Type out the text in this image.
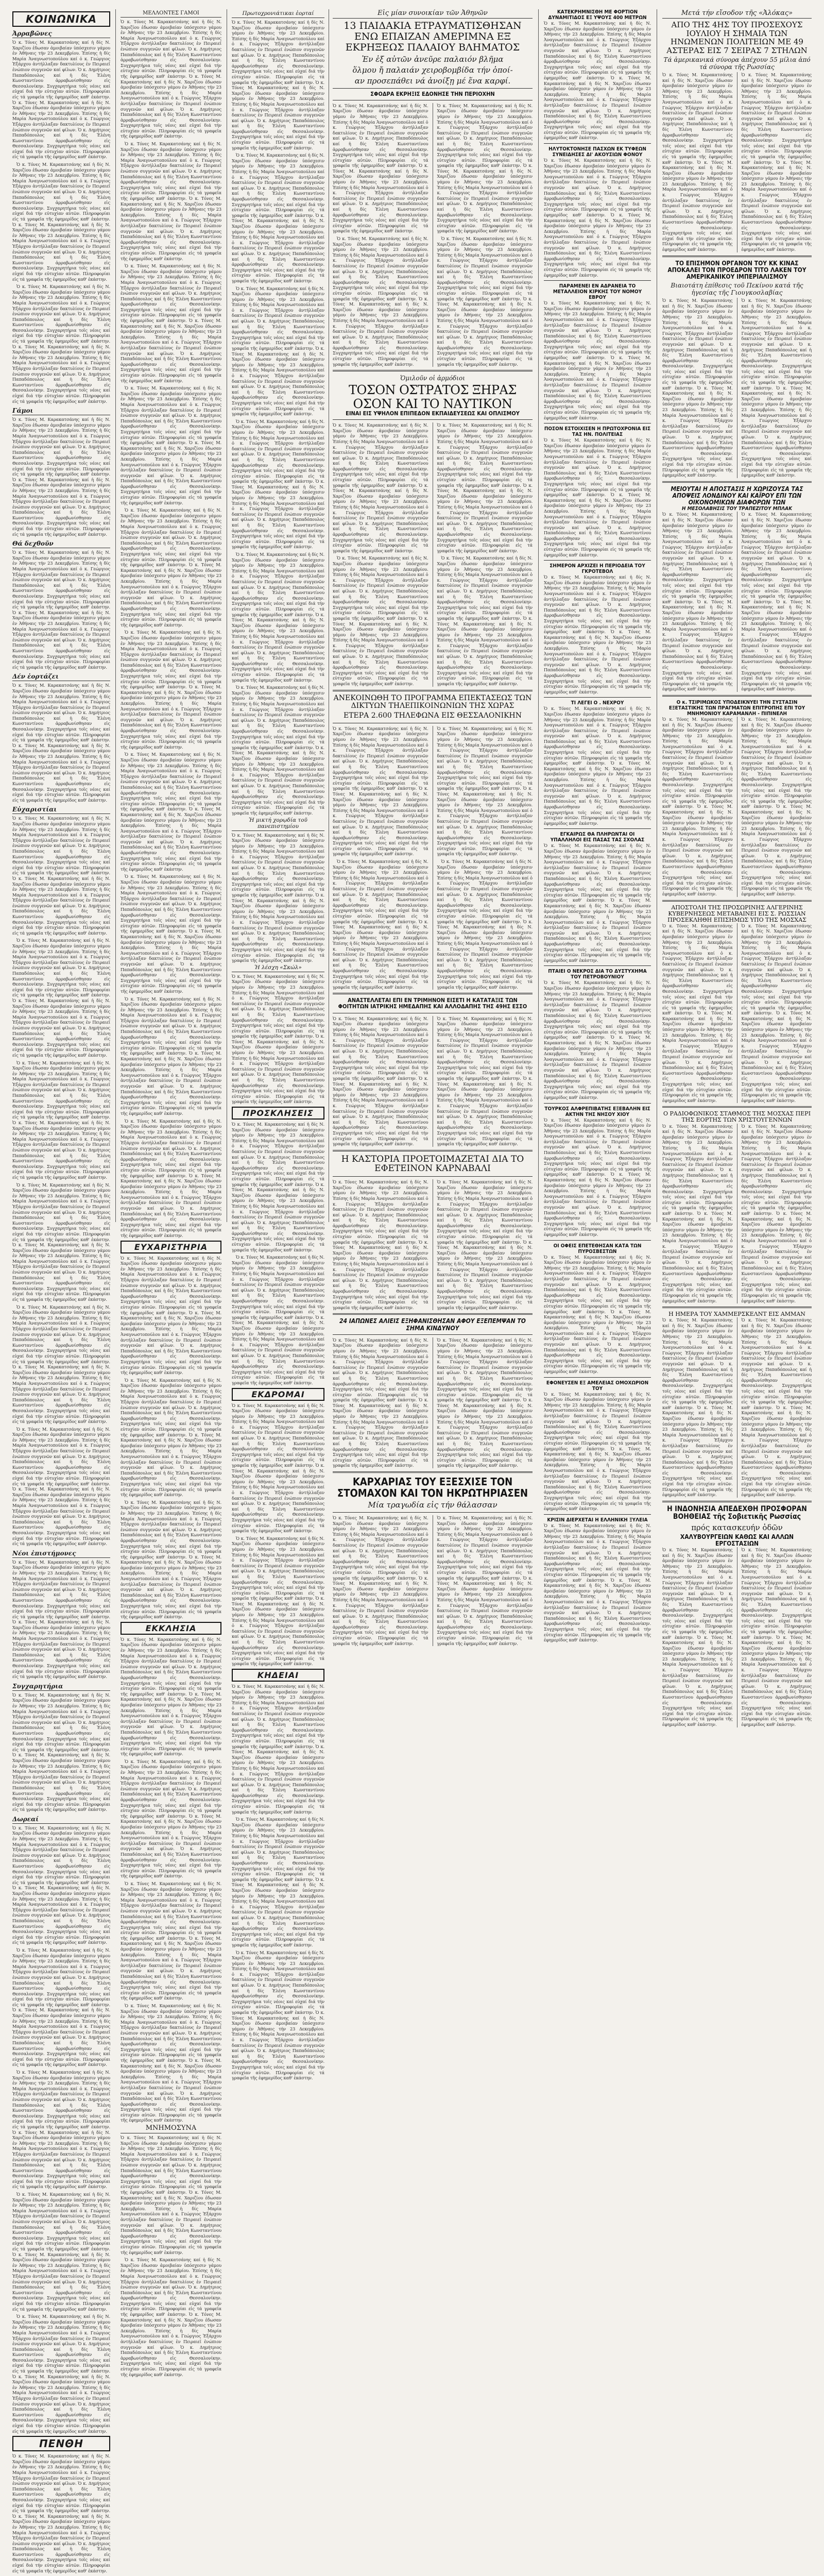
ΚΟΙΝΩΝΙΚΑ
Ἀρραβῶνες

Ὁ κ. Τόνες Μ. Καρακατσάνης καί ἡ δίς Ν. Χαριζίου ἐδωσαν ἀμοιβαίαν ὑπόσχεσιν γάμου ἐν Ἀθήναις τήν 23 Δεκεμβρίου. Ἐπίσης ἡ δίς Μαρία Ἀναγνωστοπούλου καί ὁ κ. Γεώργιος Ἐξάρχου ἀντήλλαξαν δακτυλίους ἐν Πειραιεῖ ἐνώπιον συγγενῶν καί φίλων. Ὁ κ. Δημήτριος Παπαδόπουλος καί ἡ δίς Ἑλένη Κωνσταντίνου ἀρραβωνίσθησαν εἰς Θεσσαλονίκην. Συγχαρητήρια τοῖς νέοις καί εὐχαί διά τήν εὐτυχίαν αὐτῶν. Πληροφορίαι εἰς τά γραφεῖα τῆς ἐφημερίδος καθ' ἑκάστην. Ὁ κ. Τόνες Μ. Καρακατσάνης καί ἡ δίς Ν. Χαριζίου ἐδωσαν ἀμοιβαίαν ὑπόσχεσιν γάμου ἐν Ἀθήναις τήν 23 Δεκεμβρίου. Ἐπίσης ἡ δίς Μαρία Ἀναγνωστοπούλου καί ὁ κ. Γεώργιος Ἐξάρχου ἀντήλλαξαν δακτυλίους ἐν Πειραιεῖ ἐνώπιον συγγενῶν καί φίλων. Ὁ κ. Δημήτριος Παπαδόπουλος καί ἡ δίς Ἑλένη Κωνσταντίνου ἀρραβωνίσθησαν εἰς Θεσσαλονίκην. Συγχαρητήρια τοῖς νέοις καί εὐχαί διά τήν εὐτυχίαν αὐτῶν. Πληροφορίαι εἰς τά γραφεῖα τῆς ἐφημερίδος καθ' ἑκάστην.

Ὁ κ. Τόνες Μ. Καρακατσάνης καί ἡ δίς Ν. Χαριζίου ἐδωσαν ἀμοιβαίαν ὑπόσχεσιν γάμου ἐν Ἀθήναις τήν 23 Δεκεμβρίου. Ἐπίσης ἡ δίς Μαρία Ἀναγνωστοπούλου καί ὁ κ. Γεώργιος Ἐξάρχου ἀντήλλαξαν δακτυλίους ἐν Πειραιεῖ ἐνώπιον συγγενῶν καί φίλων. Ὁ κ. Δημήτριος Παπαδόπουλος καί ἡ δίς Ἑλένη Κωνσταντίνου ἀρραβωνίσθησαν εἰς Θεσσαλονίκην. Συγχαρητήρια τοῖς νέοις καί εὐχαί διά τήν εὐτυχίαν αὐτῶν. Πληροφορίαι εἰς τά γραφεῖα τῆς ἐφημερίδος καθ' ἑκάστην. Ὁ κ. Τόνες Μ. Καρακατσάνης καί ἡ δίς Ν. Χαριζίου ἐδωσαν ἀμοιβαίαν ὑπόσχεσιν γάμου ἐν Ἀθήναις τήν 23 Δεκεμβρίου. Ἐπίσης ἡ δίς Μαρία Ἀναγνωστοπούλου καί ὁ κ. Γεώργιος Ἐξάρχου ἀντήλλαξαν δακτυλίους ἐν Πειραιεῖ ἐνώπιον συγγενῶν καί φίλων. Ὁ κ. Δημήτριος Παπαδόπουλος καί ἡ δίς Ἑλένη Κωνσταντίνου ἀρραβωνίσθησαν εἰς Θεσσαλονίκην. Συγχαρητήρια τοῖς νέοις καί εὐχαί διά τήν εὐτυχίαν αὐτῶν. Πληροφορίαι εἰς τά γραφεῖα τῆς ἐφημερίδος καθ' ἑκάστην.

Ὁ κ. Τόνες Μ. Καρακατσάνης καί ἡ δίς Ν. Χαριζίου ἐδωσαν ἀμοιβαίαν ὑπόσχεσιν γάμου ἐν Ἀθήναις τήν 23 Δεκεμβρίου. Ἐπίσης ἡ δίς Μαρία Ἀναγνωστοπούλου καί ὁ κ. Γεώργιος Ἐξάρχου ἀντήλλαξαν δακτυλίους ἐν Πειραιεῖ ἐνώπιον συγγενῶν καί φίλων. Ὁ κ. Δημήτριος Παπαδόπουλος καί ἡ δίς Ἑλένη Κωνσταντίνου ἀρραβωνίσθησαν εἰς Θεσσαλονίκην. Συγχαρητήρια τοῖς νέοις καί εὐχαί διά τήν εὐτυχίαν αὐτῶν. Πληροφορίαι εἰς τά γραφεῖα τῆς ἐφημερίδος καθ' ἑκάστην. Ὁ κ. Τόνες Μ. Καρακατσάνης καί ἡ δίς Ν. Χαριζίου ἐδωσαν ἀμοιβαίαν ὑπόσχεσιν γάμου ἐν Ἀθήναις τήν 23 Δεκεμβρίου. Ἐπίσης ἡ δίς Μαρία Ἀναγνωστοπούλου καί ὁ κ. Γεώργιος Ἐξάρχου ἀντήλλαξαν δακτυλίους ἐν Πειραιεῖ ἐνώπιον συγγενῶν καί φίλων. Ὁ κ. Δημήτριος Παπαδόπουλος καί ἡ δίς Ἑλένη Κωνσταντίνου ἀρραβωνίσθησαν εἰς Θεσσαλονίκην. Συγχαρητήρια τοῖς νέοις καί εὐχαί διά τήν εὐτυχίαν αὐτῶν. Πληροφορίαι εἰς τά γραφεῖα τῆς ἐφημερίδος καθ' ἑκάστην.

Γάμοι

Ὁ κ. Τόνες Μ. Καρακατσάνης καί ἡ δίς Ν. Χαριζίου ἐδωσαν ἀμοιβαίαν ὑπόσχεσιν γάμου ἐν Ἀθήναις τήν 23 Δεκεμβρίου. Ἐπίσης ἡ δίς Μαρία Ἀναγνωστοπούλου καί ὁ κ. Γεώργιος Ἐξάρχου ἀντήλλαξαν δακτυλίους ἐν Πειραιεῖ ἐνώπιον συγγενῶν καί φίλων. Ὁ κ. Δημήτριος Παπαδόπουλος καί ἡ δίς Ἑλένη Κωνσταντίνου ἀρραβωνίσθησαν εἰς Θεσσαλονίκην. Συγχαρητήρια τοῖς νέοις καί εὐχαί διά τήν εὐτυχίαν αὐτῶν. Πληροφορίαι εἰς τά γραφεῖα τῆς ἐφημερίδος καθ' ἑκάστην. Ὁ κ. Τόνες Μ. Καρακατσάνης καί ἡ δίς Ν. Χαριζίου ἐδωσαν ἀμοιβαίαν ὑπόσχεσιν γάμου ἐν Ἀθήναις τήν 23 Δεκεμβρίου. Ἐπίσης ἡ δίς Μαρία Ἀναγνωστοπούλου καί ὁ κ. Γεώργιος Ἐξάρχου ἀντήλλαξαν δακτυλίους ἐν Πειραιεῖ ἐνώπιον συγγενῶν καί φίλων. Ὁ κ. Δημήτριος Παπαδόπουλος καί ἡ δίς Ἑλένη Κωνσταντίνου ἀρραβωνίσθησαν εἰς Θεσσαλονίκην. Συγχαρητήρια τοῖς νέοις καί εὐχαί διά τήν εὐτυχίαν αὐτῶν. Πληροφορίαι εἰς τά γραφεῖα τῆς ἐφημερίδος καθ' ἑκάστην.

Θά δεχθοῦν

Ὁ κ. Τόνες Μ. Καρακατσάνης καί ἡ δίς Ν. Χαριζίου ἐδωσαν ἀμοιβαίαν ὑπόσχεσιν γάμου ἐν Ἀθήναις τήν 23 Δεκεμβρίου. Ἐπίσης ἡ δίς Μαρία Ἀναγνωστοπούλου καί ὁ κ. Γεώργιος Ἐξάρχου ἀντήλλαξαν δακτυλίους ἐν Πειραιεῖ ἐνώπιον συγγενῶν καί φίλων. Ὁ κ. Δημήτριος Παπαδόπουλος καί ἡ δίς Ἑλένη Κωνσταντίνου ἀρραβωνίσθησαν εἰς Θεσσαλονίκην. Συγχαρητήρια τοῖς νέοις καί εὐχαί διά τήν εὐτυχίαν αὐτῶν. Πληροφορίαι εἰς τά γραφεῖα τῆς ἐφημερίδος καθ' ἑκάστην. Ὁ κ. Τόνες Μ. Καρακατσάνης καί ἡ δίς Ν. Χαριζίου ἐδωσαν ἀμοιβαίαν ὑπόσχεσιν γάμου ἐν Ἀθήναις τήν 23 Δεκεμβρίου. Ἐπίσης ἡ δίς Μαρία Ἀναγνωστοπούλου καί ὁ κ. Γεώργιος Ἐξάρχου ἀντήλλαξαν δακτυλίους ἐν Πειραιεῖ ἐνώπιον συγγενῶν καί φίλων. Ὁ κ. Δημήτριος Παπαδόπουλος καί ἡ δίς Ἑλένη Κωνσταντίνου ἀρραβωνίσθησαν εἰς Θεσσαλονίκην. Συγχαρητήρια τοῖς νέοις καί εὐχαί διά τήν εὐτυχίαν αὐτῶν. Πληροφορίαι εἰς τά γραφεῖα τῆς ἐφημερίδος καθ' ἑκάστην.

Δέν ἑορτάζει

Ὁ κ. Τόνες Μ. Καρακατσάνης καί ἡ δίς Ν. Χαριζίου ἐδωσαν ἀμοιβαίαν ὑπόσχεσιν γάμου ἐν Ἀθήναις τήν 23 Δεκεμβρίου. Ἐπίσης ἡ δίς Μαρία Ἀναγνωστοπούλου καί ὁ κ. Γεώργιος Ἐξάρχου ἀντήλλαξαν δακτυλίους ἐν Πειραιεῖ ἐνώπιον συγγενῶν καί φίλων. Ὁ κ. Δημήτριος Παπαδόπουλος καί ἡ δίς Ἑλένη Κωνσταντίνου ἀρραβωνίσθησαν εἰς Θεσσαλονίκην. Συγχαρητήρια τοῖς νέοις καί εὐχαί διά τήν εὐτυχίαν αὐτῶν. Πληροφορίαι εἰς τά γραφεῖα τῆς ἐφημερίδος καθ' ἑκάστην. Ὁ κ. Τόνες Μ. Καρακατσάνης καί ἡ δίς Ν. Χαριζίου ἐδωσαν ἀμοιβαίαν ὑπόσχεσιν γάμου ἐν Ἀθήναις τήν 23 Δεκεμβρίου. Ἐπίσης ἡ δίς Μαρία Ἀναγνωστοπούλου καί ὁ κ. Γεώργιος Ἐξάρχου ἀντήλλαξαν δακτυλίους ἐν Πειραιεῖ ἐνώπιον συγγενῶν καί φίλων. Ὁ κ. Δημήτριος Παπαδόπουλος καί ἡ δίς Ἑλένη Κωνσταντίνου ἀρραβωνίσθησαν εἰς Θεσσαλονίκην. Συγχαρητήρια τοῖς νέοις καί εὐχαί διά τήν εὐτυχίαν αὐτῶν. Πληροφορίαι εἰς τά γραφεῖα τῆς ἐφημερίδος καθ' ἑκάστην.

Εὐχαριστίαι

Ὁ κ. Τόνες Μ. Καρακατσάνης καί ἡ δίς Ν. Χαριζίου ἐδωσαν ἀμοιβαίαν ὑπόσχεσιν γάμου ἐν Ἀθήναις τήν 23 Δεκεμβρίου. Ἐπίσης ἡ δίς Μαρία Ἀναγνωστοπούλου καί ὁ κ. Γεώργιος Ἐξάρχου ἀντήλλαξαν δακτυλίους ἐν Πειραιεῖ ἐνώπιον συγγενῶν καί φίλων. Ὁ κ. Δημήτριος Παπαδόπουλος καί ἡ δίς Ἑλένη Κωνσταντίνου ἀρραβωνίσθησαν εἰς Θεσσαλονίκην. Συγχαρητήρια τοῖς νέοις καί εὐχαί διά τήν εὐτυχίαν αὐτῶν. Πληροφορίαι εἰς τά γραφεῖα τῆς ἐφημερίδος καθ' ἑκάστην. Ὁ κ. Τόνες Μ. Καρακατσάνης καί ἡ δίς Ν. Χαριζίου ἐδωσαν ἀμοιβαίαν ὑπόσχεσιν γάμου ἐν Ἀθήναις τήν 23 Δεκεμβρίου. Ἐπίσης ἡ δίς Μαρία Ἀναγνωστοπούλου καί ὁ κ. Γεώργιος Ἐξάρχου ἀντήλλαξαν δακτυλίους ἐν Πειραιεῖ ἐνώπιον συγγενῶν καί φίλων. Ὁ κ. Δημήτριος Παπαδόπουλος καί ἡ δίς Ἑλένη Κωνσταντίνου ἀρραβωνίσθησαν εἰς Θεσσαλονίκην. Συγχαρητήρια τοῖς νέοις καί εὐχαί διά τήν εὐτυχίαν αὐτῶν. Πληροφορίαι εἰς τά γραφεῖα τῆς ἐφημερίδος καθ' ἑκάστην.

Ὁ κ. Τόνες Μ. Καρακατσάνης καί ἡ δίς Ν. Χαριζίου ἐδωσαν ἀμοιβαίαν ὑπόσχεσιν γάμου ἐν Ἀθήναις τήν 23 Δεκεμβρίου. Ἐπίσης ἡ δίς Μαρία Ἀναγνωστοπούλου καί ὁ κ. Γεώργιος Ἐξάρχου ἀντήλλαξαν δακτυλίους ἐν Πειραιεῖ ἐνώπιον συγγενῶν καί φίλων. Ὁ κ. Δημήτριος Παπαδόπουλος καί ἡ δίς Ἑλένη Κωνσταντίνου ἀρραβωνίσθησαν εἰς Θεσσαλονίκην. Συγχαρητήρια τοῖς νέοις καί εὐχαί διά τήν εὐτυχίαν αὐτῶν. Πληροφορίαι εἰς τά γραφεῖα τῆς ἐφημερίδος καθ' ἑκάστην. Ὁ κ. Τόνες Μ. Καρακατσάνης καί ἡ δίς Ν. Χαριζίου ἐδωσαν ἀμοιβαίαν ὑπόσχεσιν γάμου ἐν Ἀθήναις τήν 23 Δεκεμβρίου. Ἐπίσης ἡ δίς Μαρία Ἀναγνωστοπούλου καί ὁ κ. Γεώργιος Ἐξάρχου ἀντήλλαξαν δακτυλίους ἐν Πειραιεῖ ἐνώπιον συγγενῶν καί φίλων. Ὁ κ. Δημήτριος Παπαδόπουλος καί ἡ δίς Ἑλένη Κωνσταντίνου ἀρραβωνίσθησαν εἰς Θεσσαλονίκην. Συγχαρητήρια τοῖς νέοις καί εὐχαί διά τήν εὐτυχίαν αὐτῶν. Πληροφορίαι εἰς τά γραφεῖα τῆς ἐφημερίδος καθ' ἑκάστην.

Ὁ κ. Τόνες Μ. Καρακατσάνης καί ἡ δίς Ν. Χαριζίου ἐδωσαν ἀμοιβαίαν ὑπόσχεσιν γάμου ἐν Ἀθήναις τήν 23 Δεκεμβρίου. Ἐπίσης ἡ δίς Μαρία Ἀναγνωστοπούλου καί ὁ κ. Γεώργιος Ἐξάρχου ἀντήλλαξαν δακτυλίους ἐν Πειραιεῖ ἐνώπιον συγγενῶν καί φίλων. Ὁ κ. Δημήτριος Παπαδόπουλος καί ἡ δίς Ἑλένη Κωνσταντίνου ἀρραβωνίσθησαν εἰς Θεσσαλονίκην. Συγχαρητήρια τοῖς νέοις καί εὐχαί διά τήν εὐτυχίαν αὐτῶν. Πληροφορίαι εἰς τά γραφεῖα τῆς ἐφημερίδος καθ' ἑκάστην. Ὁ κ. Τόνες Μ. Καρακατσάνης καί ἡ δίς Ν. Χαριζίου ἐδωσαν ἀμοιβαίαν ὑπόσχεσιν γάμου ἐν Ἀθήναις τήν 23 Δεκεμβρίου. Ἐπίσης ἡ δίς Μαρία Ἀναγνωστοπούλου καί ὁ κ. Γεώργιος Ἐξάρχου ἀντήλλαξαν δακτυλίους ἐν Πειραιεῖ ἐνώπιον συγγενῶν καί φίλων. Ὁ κ. Δημήτριος Παπαδόπουλος καί ἡ δίς Ἑλένη Κωνσταντίνου ἀρραβωνίσθησαν εἰς Θεσσαλονίκην. Συγχαρητήρια τοῖς νέοις καί εὐχαί διά τήν εὐτυχίαν αὐτῶν. Πληροφορίαι εἰς τά γραφεῖα τῆς ἐφημερίδος καθ' ἑκάστην.

Ὁ κ. Τόνες Μ. Καρακατσάνης καί ἡ δίς Ν. Χαριζίου ἐδωσαν ἀμοιβαίαν ὑπόσχεσιν γάμου ἐν Ἀθήναις τήν 23 Δεκεμβρίου. Ἐπίσης ἡ δίς Μαρία Ἀναγνωστοπούλου καί ὁ κ. Γεώργιος Ἐξάρχου ἀντήλλαξαν δακτυλίους ἐν Πειραιεῖ ἐνώπιον συγγενῶν καί φίλων. Ὁ κ. Δημήτριος Παπαδόπουλος καί ἡ δίς Ἑλένη Κωνσταντίνου ἀρραβωνίσθησαν εἰς Θεσσαλονίκην. Συγχαρητήρια τοῖς νέοις καί εὐχαί διά τήν εὐτυχίαν αὐτῶν. Πληροφορίαι εἰς τά γραφεῖα τῆς ἐφημερίδος καθ' ἑκάστην. Ὁ κ. Τόνες Μ. Καρακατσάνης καί ἡ δίς Ν. Χαριζίου ἐδωσαν ἀμοιβαίαν ὑπόσχεσιν γάμου ἐν Ἀθήναις τήν 23 Δεκεμβρίου. Ἐπίσης ἡ δίς Μαρία Ἀναγνωστοπούλου καί ὁ κ. Γεώργιος Ἐξάρχου ἀντήλλαξαν δακτυλίους ἐν Πειραιεῖ ἐνώπιον συγγενῶν καί φίλων. Ὁ κ. Δημήτριος Παπαδόπουλος καί ἡ δίς Ἑλένη Κωνσταντίνου ἀρραβωνίσθησαν εἰς Θεσσαλονίκην. Συγχαρητήρια τοῖς νέοις καί εὐχαί διά τήν εὐτυχίαν αὐτῶν. Πληροφορίαι εἰς τά γραφεῖα τῆς ἐφημερίδος καθ' ἑκάστην.

Ὁ κ. Τόνες Μ. Καρακατσάνης καί ἡ δίς Ν. Χαριζίου ἐδωσαν ἀμοιβαίαν ὑπόσχεσιν γάμου ἐν Ἀθήναις τήν 23 Δεκεμβρίου. Ἐπίσης ἡ δίς Μαρία Ἀναγνωστοπούλου καί ὁ κ. Γεώργιος Ἐξάρχου ἀντήλλαξαν δακτυλίους ἐν Πειραιεῖ ἐνώπιον συγγενῶν καί φίλων. Ὁ κ. Δημήτριος Παπαδόπουλος καί ἡ δίς Ἑλένη Κωνσταντίνου ἀρραβωνίσθησαν εἰς Θεσσαλονίκην. Συγχαρητήρια τοῖς νέοις καί εὐχαί διά τήν εὐτυχίαν αὐτῶν. Πληροφορίαι εἰς τά γραφεῖα τῆς ἐφημερίδος καθ' ἑκάστην. Ὁ κ. Τόνες Μ. Καρακατσάνης καί ἡ δίς Ν. Χαριζίου ἐδωσαν ἀμοιβαίαν ὑπόσχεσιν γάμου ἐν Ἀθήναις τήν 23 Δεκεμβρίου. Ἐπίσης ἡ δίς Μαρία Ἀναγνωστοπούλου καί ὁ κ. Γεώργιος Ἐξάρχου ἀντήλλαξαν δακτυλίους ἐν Πειραιεῖ ἐνώπιον συγγενῶν καί φίλων. Ὁ κ. Δημήτριος Παπαδόπουλος καί ἡ δίς Ἑλένη Κωνσταντίνου ἀρραβωνίσθησαν εἰς Θεσσαλονίκην. Συγχαρητήρια τοῖς νέοις καί εὐχαί διά τήν εὐτυχίαν αὐτῶν. Πληροφορίαι εἰς τά γραφεῖα τῆς ἐφημερίδος καθ' ἑκάστην.

Ὁ κ. Τόνες Μ. Καρακατσάνης καί ἡ δίς Ν. Χαριζίου ἐδωσαν ἀμοιβαίαν ὑπόσχεσιν γάμου ἐν Ἀθήναις τήν 23 Δεκεμβρίου. Ἐπίσης ἡ δίς Μαρία Ἀναγνωστοπούλου καί ὁ κ. Γεώργιος Ἐξάρχου ἀντήλλαξαν δακτυλίους ἐν Πειραιεῖ ἐνώπιον συγγενῶν καί φίλων. Ὁ κ. Δημήτριος Παπαδόπουλος καί ἡ δίς Ἑλένη Κωνσταντίνου ἀρραβωνίσθησαν εἰς Θεσσαλονίκην. Συγχαρητήρια τοῖς νέοις καί εὐχαί διά τήν εὐτυχίαν αὐτῶν. Πληροφορίαι εἰς τά γραφεῖα τῆς ἐφημερίδος καθ' ἑκάστην. Ὁ κ. Τόνες Μ. Καρακατσάνης καί ἡ δίς Ν. Χαριζίου ἐδωσαν ἀμοιβαίαν ὑπόσχεσιν γάμου ἐν Ἀθήναις τήν 23 Δεκεμβρίου. Ἐπίσης ἡ δίς Μαρία Ἀναγνωστοπούλου καί ὁ κ. Γεώργιος Ἐξάρχου ἀντήλλαξαν δακτυλίους ἐν Πειραιεῖ ἐνώπιον συγγενῶν καί φίλων. Ὁ κ. Δημήτριος Παπαδόπουλος καί ἡ δίς Ἑλένη Κωνσταντίνου ἀρραβωνίσθησαν εἰς Θεσσαλονίκην. Συγχαρητήρια τοῖς νέοις καί εὐχαί διά τήν εὐτυχίαν αὐτῶν. Πληροφορίαι εἰς τά γραφεῖα τῆς ἐφημερίδος καθ' ἑκάστην.

Νέοι ἐπιστήμονες

Ὁ κ. Τόνες Μ. Καρακατσάνης καί ἡ δίς Ν. Χαριζίου ἐδωσαν ἀμοιβαίαν ὑπόσχεσιν γάμου ἐν Ἀθήναις τήν 23 Δεκεμβρίου. Ἐπίσης ἡ δίς Μαρία Ἀναγνωστοπούλου καί ὁ κ. Γεώργιος Ἐξάρχου ἀντήλλαξαν δακτυλίους ἐν Πειραιεῖ ἐνώπιον συγγενῶν καί φίλων. Ὁ κ. Δημήτριος Παπαδόπουλος καί ἡ δίς Ἑλένη Κωνσταντίνου ἀρραβωνίσθησαν εἰς Θεσσαλονίκην. Συγχαρητήρια τοῖς νέοις καί εὐχαί διά τήν εὐτυχίαν αὐτῶν. Πληροφορίαι εἰς τά γραφεῖα τῆς ἐφημερίδος καθ' ἑκάστην. Ὁ κ. Τόνες Μ. Καρακατσάνης καί ἡ δίς Ν. Χαριζίου ἐδωσαν ἀμοιβαίαν ὑπόσχεσιν γάμου ἐν Ἀθήναις τήν 23 Δεκεμβρίου. Ἐπίσης ἡ δίς Μαρία Ἀναγνωστοπούλου καί ὁ κ. Γεώργιος Ἐξάρχου ἀντήλλαξαν δακτυλίους ἐν Πειραιεῖ ἐνώπιον συγγενῶν καί φίλων. Ὁ κ. Δημήτριος Παπαδόπουλος καί ἡ δίς Ἑλένη Κωνσταντίνου ἀρραβωνίσθησαν εἰς Θεσσαλονίκην. Συγχαρητήρια τοῖς νέοις καί εὐχαί διά τήν εὐτυχίαν αὐτῶν. Πληροφορίαι εἰς τά γραφεῖα τῆς ἐφημερίδος καθ' ἑκάστην.

Συγχαρητήρια

Ὁ κ. Τόνες Μ. Καρακατσάνης καί ἡ δίς Ν. Χαριζίου ἐδωσαν ἀμοιβαίαν ὑπόσχεσιν γάμου ἐν Ἀθήναις τήν 23 Δεκεμβρίου. Ἐπίσης ἡ δίς Μαρία Ἀναγνωστοπούλου καί ὁ κ. Γεώργιος Ἐξάρχου ἀντήλλαξαν δακτυλίους ἐν Πειραιεῖ ἐνώπιον συγγενῶν καί φίλων. Ὁ κ. Δημήτριος Παπαδόπουλος καί ἡ δίς Ἑλένη Κωνσταντίνου ἀρραβωνίσθησαν εἰς Θεσσαλονίκην. Συγχαρητήρια τοῖς νέοις καί εὐχαί διά τήν εὐτυχίαν αὐτῶν. Πληροφορίαι εἰς τά γραφεῖα τῆς ἐφημερίδος καθ' ἑκάστην. Ὁ κ. Τόνες Μ. Καρακατσάνης καί ἡ δίς Ν. Χαριζίου ἐδωσαν ἀμοιβαίαν ὑπόσχεσιν γάμου ἐν Ἀθήναις τήν 23 Δεκεμβρίου. Ἐπίσης ἡ δίς Μαρία Ἀναγνωστοπούλου καί ὁ κ. Γεώργιος Ἐξάρχου ἀντήλλαξαν δακτυλίους ἐν Πειραιεῖ ἐνώπιον συγγενῶν καί φίλων. Ὁ κ. Δημήτριος Παπαδόπουλος καί ἡ δίς Ἑλένη Κωνσταντίνου ἀρραβωνίσθησαν εἰς Θεσσαλονίκην. Συγχαρητήρια τοῖς νέοις καί εὐχαί διά τήν εὐτυχίαν αὐτῶν. Πληροφορίαι εἰς τά γραφεῖα τῆς ἐφημερίδος καθ' ἑκάστην.

Δωρεαί

Ὁ κ. Τόνες Μ. Καρακατσάνης καί ἡ δίς Ν. Χαριζίου ἐδωσαν ἀμοιβαίαν ὑπόσχεσιν γάμου ἐν Ἀθήναις τήν 23 Δεκεμβρίου. Ἐπίσης ἡ δίς Μαρία Ἀναγνωστοπούλου καί ὁ κ. Γεώργιος Ἐξάρχου ἀντήλλαξαν δακτυλίους ἐν Πειραιεῖ ἐνώπιον συγγενῶν καί φίλων. Ὁ κ. Δημήτριος Παπαδόπουλος καί ἡ δίς Ἑλένη Κωνσταντίνου ἀρραβωνίσθησαν εἰς Θεσσαλονίκην. Συγχαρητήρια τοῖς νέοις καί εὐχαί διά τήν εὐτυχίαν αὐτῶν. Πληροφορίαι εἰς τά γραφεῖα τῆς ἐφημερίδος καθ' ἑκάστην. Ὁ κ. Τόνες Μ. Καρακατσάνης καί ἡ δίς Ν. Χαριζίου ἐδωσαν ἀμοιβαίαν ὑπόσχεσιν γάμου ἐν Ἀθήναις τήν 23 Δεκεμβρίου. Ἐπίσης ἡ δίς Μαρία Ἀναγνωστοπούλου καί ὁ κ. Γεώργιος Ἐξάρχου ἀντήλλαξαν δακτυλίους ἐν Πειραιεῖ ἐνώπιον συγγενῶν καί φίλων. Ὁ κ. Δημήτριος Παπαδόπουλος καί ἡ δίς Ἑλένη Κωνσταντίνου ἀρραβωνίσθησαν εἰς Θεσσαλονίκην. Συγχαρητήρια τοῖς νέοις καί εὐχαί διά τήν εὐτυχίαν αὐτῶν. Πληροφορίαι εἰς τά γραφεῖα τῆς ἐφημερίδος καθ' ἑκάστην.

Ὁ κ. Τόνες Μ. Καρακατσάνης καί ἡ δίς Ν. Χαριζίου ἐδωσαν ἀμοιβαίαν ὑπόσχεσιν γάμου ἐν Ἀθήναις τήν 23 Δεκεμβρίου. Ἐπίσης ἡ δίς Μαρία Ἀναγνωστοπούλου καί ὁ κ. Γεώργιος Ἐξάρχου ἀντήλλαξαν δακτυλίους ἐν Πειραιεῖ ἐνώπιον συγγενῶν καί φίλων. Ὁ κ. Δημήτριος Παπαδόπουλος καί ἡ δίς Ἑλένη Κωνσταντίνου ἀρραβωνίσθησαν εἰς Θεσσαλονίκην. Συγχαρητήρια τοῖς νέοις καί εὐχαί διά τήν εὐτυχίαν αὐτῶν. Πληροφορίαι εἰς τά γραφεῖα τῆς ἐφημερίδος καθ' ἑκάστην. Ὁ κ. Τόνες Μ. Καρακατσάνης καί ἡ δίς Ν. Χαριζίου ἐδωσαν ἀμοιβαίαν ὑπόσχεσιν γάμου ἐν Ἀθήναις τήν 23 Δεκεμβρίου. Ἐπίσης ἡ δίς Μαρία Ἀναγνωστοπούλου καί ὁ κ. Γεώργιος Ἐξάρχου ἀντήλλαξαν δακτυλίους ἐν Πειραιεῖ ἐνώπιον συγγενῶν καί φίλων. Ὁ κ. Δημήτριος Παπαδόπουλος καί ἡ δίς Ἑλένη Κωνσταντίνου ἀρραβωνίσθησαν εἰς Θεσσαλονίκην. Συγχαρητήρια τοῖς νέοις καί εὐχαί διά τήν εὐτυχίαν αὐτῶν. Πληροφορίαι εἰς τά γραφεῖα τῆς ἐφημερίδος καθ' ἑκάστην.

Ὁ κ. Τόνες Μ. Καρακατσάνης καί ἡ δίς Ν. Χαριζίου ἐδωσαν ἀμοιβαίαν ὑπόσχεσιν γάμου ἐν Ἀθήναις τήν 23 Δεκεμβρίου. Ἐπίσης ἡ δίς Μαρία Ἀναγνωστοπούλου καί ὁ κ. Γεώργιος Ἐξάρχου ἀντήλλαξαν δακτυλίους ἐν Πειραιεῖ ἐνώπιον συγγενῶν καί φίλων. Ὁ κ. Δημήτριος Παπαδόπουλος καί ἡ δίς Ἑλένη Κωνσταντίνου ἀρραβωνίσθησαν εἰς Θεσσαλονίκην. Συγχαρητήρια τοῖς νέοις καί εὐχαί διά τήν εὐτυχίαν αὐτῶν. Πληροφορίαι εἰς τά γραφεῖα τῆς ἐφημερίδος καθ' ἑκάστην. Ὁ κ. Τόνες Μ. Καρακατσάνης καί ἡ δίς Ν. Χαριζίου ἐδωσαν ἀμοιβαίαν ὑπόσχεσιν γάμου ἐν Ἀθήναις τήν 23 Δεκεμβρίου. Ἐπίσης ἡ δίς Μαρία Ἀναγνωστοπούλου καί ὁ κ. Γεώργιος Ἐξάρχου ἀντήλλαξαν δακτυλίους ἐν Πειραιεῖ ἐνώπιον συγγενῶν καί φίλων. Ὁ κ. Δημήτριος Παπαδόπουλος καί ἡ δίς Ἑλένη Κωνσταντίνου ἀρραβωνίσθησαν εἰς Θεσσαλονίκην. Συγχαρητήρια τοῖς νέοις καί εὐχαί διά τήν εὐτυχίαν αὐτῶν. Πληροφορίαι εἰς τά γραφεῖα τῆς ἐφημερίδος καθ' ἑκάστην.

Ὁ κ. Τόνες Μ. Καρακατσάνης καί ἡ δίς Ν. Χαριζίου ἐδωσαν ἀμοιβαίαν ὑπόσχεσιν γάμου ἐν Ἀθήναις τήν 23 Δεκεμβρίου. Ἐπίσης ἡ δίς Μαρία Ἀναγνωστοπούλου καί ὁ κ. Γεώργιος Ἐξάρχου ἀντήλλαξαν δακτυλίους ἐν Πειραιεῖ ἐνώπιον συγγενῶν καί φίλων. Ὁ κ. Δημήτριος Παπαδόπουλος καί ἡ δίς Ἑλένη Κωνσταντίνου ἀρραβωνίσθησαν εἰς Θεσσαλονίκην. Συγχαρητήρια τοῖς νέοις καί εὐχαί διά τήν εὐτυχίαν αὐτῶν. Πληροφορίαι εἰς τά γραφεῖα τῆς ἐφημερίδος καθ' ἑκάστην. Ὁ κ. Τόνες Μ. Καρακατσάνης καί ἡ δίς Ν. Χαριζίου ἐδωσαν ἀμοιβαίαν ὑπόσχεσιν γάμου ἐν Ἀθήναις τήν 23 Δεκεμβρίου. Ἐπίσης ἡ δίς Μαρία Ἀναγνωστοπούλου καί ὁ κ. Γεώργιος Ἐξάρχου ἀντήλλαξαν δακτυλίους ἐν Πειραιεῖ ἐνώπιον συγγενῶν καί φίλων. Ὁ κ. Δημήτριος Παπαδόπουλος καί ἡ δίς Ἑλένη Κωνσταντίνου ἀρραβωνίσθησαν εἰς Θεσσαλονίκην. Συγχαρητήρια τοῖς νέοις καί εὐχαί διά τήν εὐτυχίαν αὐτῶν. Πληροφορίαι εἰς τά γραφεῖα τῆς ἐφημερίδος καθ' ἑκάστην.

Ὁ κ. Τόνες Μ. Καρακατσάνης καί ἡ δίς Ν. Χαριζίου ἐδωσαν ἀμοιβαίαν ὑπόσχεσιν γάμου ἐν Ἀθήναις τήν 23 Δεκεμβρίου. Ἐπίσης ἡ δίς Μαρία Ἀναγνωστοπούλου καί ὁ κ. Γεώργιος Ἐξάρχου ἀντήλλαξαν δακτυλίους ἐν Πειραιεῖ ἐνώπιον συγγενῶν καί φίλων. Ὁ κ. Δημήτριος Παπαδόπουλος καί ἡ δίς Ἑλένη Κωνσταντίνου ἀρραβωνίσθησαν εἰς Θεσσαλονίκην. Συγχαρητήρια τοῖς νέοις καί εὐχαί διά τήν εὐτυχίαν αὐτῶν. Πληροφορίαι εἰς τά γραφεῖα τῆς ἐφημερίδος καθ' ἑκάστην. Ὁ κ. Τόνες Μ. Καρακατσάνης καί ἡ δίς Ν. Χαριζίου ἐδωσαν ἀμοιβαίαν ὑπόσχεσιν γάμου ἐν Ἀθήναις τήν 23 Δεκεμβρίου. Ἐπίσης ἡ δίς Μαρία Ἀναγνωστοπούλου καί ὁ κ. Γεώργιος Ἐξάρχου ἀντήλλαξαν δακτυλίους ἐν Πειραιεῖ ἐνώπιον συγγενῶν καί φίλων. Ὁ κ. Δημήτριος Παπαδόπουλος καί ἡ δίς Ἑλένη Κωνσταντίνου ἀρραβωνίσθησαν εἰς Θεσσαλονίκην. Συγχαρητήρια τοῖς νέοις καί εὐχαί διά τήν εὐτυχίαν αὐτῶν. Πληροφορίαι εἰς τά γραφεῖα τῆς ἐφημερίδος καθ' ἑκάστην.

ΠΕΝΘΗ

Ὁ κ. Τόνες Μ. Καρακατσάνης καί ἡ δίς Ν. Χαριζίου ἐδωσαν ἀμοιβαίαν ὑπόσχεσιν γάμου ἐν Ἀθήναις τήν 23 Δεκεμβρίου. Ἐπίσης ἡ δίς Μαρία Ἀναγνωστοπούλου καί ὁ κ. Γεώργιος Ἐξάρχου ἀντήλλαξαν δακτυλίους ἐν Πειραιεῖ ἐνώπιον συγγενῶν καί φίλων. Ὁ κ. Δημήτριος Παπαδόπουλος καί ἡ δίς Ἑλένη Κωνσταντίνου ἀρραβωνίσθησαν εἰς Θεσσαλονίκην. Συγχαρητήρια τοῖς νέοις καί εὐχαί διά τήν εὐτυχίαν αὐτῶν. Πληροφορίαι εἰς τά γραφεῖα τῆς ἐφημερίδος καθ' ἑκάστην. Ὁ κ. Τόνες Μ. Καρακατσάνης καί ἡ δίς Ν. Χαριζίου ἐδωσαν ἀμοιβαίαν ὑπόσχεσιν γάμου ἐν Ἀθήναις τήν 23 Δεκεμβρίου. Ἐπίσης ἡ δίς Μαρία Ἀναγνωστοπούλου καί ὁ κ. Γεώργιος Ἐξάρχου ἀντήλλαξαν δακτυλίους ἐν Πειραιεῖ ἐνώπιον συγγενῶν καί φίλων. Ὁ κ. Δημήτριος Παπαδόπουλος καί ἡ δίς Ἑλένη Κωνσταντίνου ἀρραβωνίσθησαν εἰς Θεσσαλονίκην. Συγχαρητήρια τοῖς νέοις καί εὐχαί διά τήν εὐτυχίαν αὐτῶν. Πληροφορίαι εἰς τά γραφεῖα τῆς ἐφημερίδος καθ' ἑκάστην.

ΜΕΛΛΟΝΤΕΣ ΓΑΜΟΙ

Ὁ κ. Τόνες Μ. Καρακατσάνης καί ἡ δίς Ν. Χαριζίου ἐδωσαν ἀμοιβαίαν ὑπόσχεσιν γάμου ἐν Ἀθήναις τήν 23 Δεκεμβρίου. Ἐπίσης ἡ δίς Μαρία Ἀναγνωστοπούλου καί ὁ κ. Γεώργιος Ἐξάρχου ἀντήλλαξαν δακτυλίους ἐν Πειραιεῖ ἐνώπιον συγγενῶν καί φίλων. Ὁ κ. Δημήτριος Παπαδόπουλος καί ἡ δίς Ἑλένη Κωνσταντίνου ἀρραβωνίσθησαν εἰς Θεσσαλονίκην. Συγχαρητήρια τοῖς νέοις καί εὐχαί διά τήν εὐτυχίαν αὐτῶν. Πληροφορίαι εἰς τά γραφεῖα τῆς ἐφημερίδος καθ' ἑκάστην. Ὁ κ. Τόνες Μ. Καρακατσάνης καί ἡ δίς Ν. Χαριζίου ἐδωσαν ἀμοιβαίαν ὑπόσχεσιν γάμου ἐν Ἀθήναις τήν 23 Δεκεμβρίου. Ἐπίσης ἡ δίς Μαρία Ἀναγνωστοπούλου καί ὁ κ. Γεώργιος Ἐξάρχου ἀντήλλαξαν δακτυλίους ἐν Πειραιεῖ ἐνώπιον συγγενῶν καί φίλων. Ὁ κ. Δημήτριος Παπαδόπουλος καί ἡ δίς Ἑλένη Κωνσταντίνου ἀρραβωνίσθησαν εἰς Θεσσαλονίκην. Συγχαρητήρια τοῖς νέοις καί εὐχαί διά τήν εὐτυχίαν αὐτῶν. Πληροφορίαι εἰς τά γραφεῖα τῆς ἐφημερίδος καθ' ἑκάστην.

Ὁ κ. Τόνες Μ. Καρακατσάνης καί ἡ δίς Ν. Χαριζίου ἐδωσαν ἀμοιβαίαν ὑπόσχεσιν γάμου ἐν Ἀθήναις τήν 23 Δεκεμβρίου. Ἐπίσης ἡ δίς Μαρία Ἀναγνωστοπούλου καί ὁ κ. Γεώργιος Ἐξάρχου ἀντήλλαξαν δακτυλίους ἐν Πειραιεῖ ἐνώπιον συγγενῶν καί φίλων. Ὁ κ. Δημήτριος Παπαδόπουλος καί ἡ δίς Ἑλένη Κωνσταντίνου ἀρραβωνίσθησαν εἰς Θεσσαλονίκην. Συγχαρητήρια τοῖς νέοις καί εὐχαί διά τήν εὐτυχίαν αὐτῶν. Πληροφορίαι εἰς τά γραφεῖα τῆς ἐφημερίδος καθ' ἑκάστην. Ὁ κ. Τόνες Μ. Καρακατσάνης καί ἡ δίς Ν. Χαριζίου ἐδωσαν ἀμοιβαίαν ὑπόσχεσιν γάμου ἐν Ἀθήναις τήν 23 Δεκεμβρίου. Ἐπίσης ἡ δίς Μαρία Ἀναγνωστοπούλου καί ὁ κ. Γεώργιος Ἐξάρχου ἀντήλλαξαν δακτυλίους ἐν Πειραιεῖ ἐνώπιον συγγενῶν καί φίλων. Ὁ κ. Δημήτριος Παπαδόπουλος καί ἡ δίς Ἑλένη Κωνσταντίνου ἀρραβωνίσθησαν εἰς Θεσσαλονίκην. Συγχαρητήρια τοῖς νέοις καί εὐχαί διά τήν εὐτυχίαν αὐτῶν. Πληροφορίαι εἰς τά γραφεῖα τῆς ἐφημερίδος καθ' ἑκάστην.

Ὁ κ. Τόνες Μ. Καρακατσάνης καί ἡ δίς Ν. Χαριζίου ἐδωσαν ἀμοιβαίαν ὑπόσχεσιν γάμου ἐν Ἀθήναις τήν 23 Δεκεμβρίου. Ἐπίσης ἡ δίς Μαρία Ἀναγνωστοπούλου καί ὁ κ. Γεώργιος Ἐξάρχου ἀντήλλαξαν δακτυλίους ἐν Πειραιεῖ ἐνώπιον συγγενῶν καί φίλων. Ὁ κ. Δημήτριος Παπαδόπουλος καί ἡ δίς Ἑλένη Κωνσταντίνου ἀρραβωνίσθησαν εἰς Θεσσαλονίκην. Συγχαρητήρια τοῖς νέοις καί εὐχαί διά τήν εὐτυχίαν αὐτῶν. Πληροφορίαι εἰς τά γραφεῖα τῆς ἐφημερίδος καθ' ἑκάστην. Ὁ κ. Τόνες Μ. Καρακατσάνης καί ἡ δίς Ν. Χαριζίου ἐδωσαν ἀμοιβαίαν ὑπόσχεσιν γάμου ἐν Ἀθήναις τήν 23 Δεκεμβρίου. Ἐπίσης ἡ δίς Μαρία Ἀναγνωστοπούλου καί ὁ κ. Γεώργιος Ἐξάρχου ἀντήλλαξαν δακτυλίους ἐν Πειραιεῖ ἐνώπιον συγγενῶν καί φίλων. Ὁ κ. Δημήτριος Παπαδόπουλος καί ἡ δίς Ἑλένη Κωνσταντίνου ἀρραβωνίσθησαν εἰς Θεσσαλονίκην. Συγχαρητήρια τοῖς νέοις καί εὐχαί διά τήν εὐτυχίαν αὐτῶν. Πληροφορίαι εἰς τά γραφεῖα τῆς ἐφημερίδος καθ' ἑκάστην.

Ὁ κ. Τόνες Μ. Καρακατσάνης καί ἡ δίς Ν. Χαριζίου ἐδωσαν ἀμοιβαίαν ὑπόσχεσιν γάμου ἐν Ἀθήναις τήν 23 Δεκεμβρίου. Ἐπίσης ἡ δίς Μαρία Ἀναγνωστοπούλου καί ὁ κ. Γεώργιος Ἐξάρχου ἀντήλλαξαν δακτυλίους ἐν Πειραιεῖ ἐνώπιον συγγενῶν καί φίλων. Ὁ κ. Δημήτριος Παπαδόπουλος καί ἡ δίς Ἑλένη Κωνσταντίνου ἀρραβωνίσθησαν εἰς Θεσσαλονίκην. Συγχαρητήρια τοῖς νέοις καί εὐχαί διά τήν εὐτυχίαν αὐτῶν. Πληροφορίαι εἰς τά γραφεῖα τῆς ἐφημερίδος καθ' ἑκάστην. Ὁ κ. Τόνες Μ. Καρακατσάνης καί ἡ δίς Ν. Χαριζίου ἐδωσαν ἀμοιβαίαν ὑπόσχεσιν γάμου ἐν Ἀθήναις τήν 23 Δεκεμβρίου. Ἐπίσης ἡ δίς Μαρία Ἀναγνωστοπούλου καί ὁ κ. Γεώργιος Ἐξάρχου ἀντήλλαξαν δακτυλίους ἐν Πειραιεῖ ἐνώπιον συγγενῶν καί φίλων. Ὁ κ. Δημήτριος Παπαδόπουλος καί ἡ δίς Ἑλένη Κωνσταντίνου ἀρραβωνίσθησαν εἰς Θεσσαλονίκην. Συγχαρητήρια τοῖς νέοις καί εὐχαί διά τήν εὐτυχίαν αὐτῶν. Πληροφορίαι εἰς τά γραφεῖα τῆς ἐφημερίδος καθ' ἑκάστην.

Ὁ κ. Τόνες Μ. Καρακατσάνης καί ἡ δίς Ν. Χαριζίου ἐδωσαν ἀμοιβαίαν ὑπόσχεσιν γάμου ἐν Ἀθήναις τήν 23 Δεκεμβρίου. Ἐπίσης ἡ δίς Μαρία Ἀναγνωστοπούλου καί ὁ κ. Γεώργιος Ἐξάρχου ἀντήλλαξαν δακτυλίους ἐν Πειραιεῖ ἐνώπιον συγγενῶν καί φίλων. Ὁ κ. Δημήτριος Παπαδόπουλος καί ἡ δίς Ἑλένη Κωνσταντίνου ἀρραβωνίσθησαν εἰς Θεσσαλονίκην. Συγχαρητήρια τοῖς νέοις καί εὐχαί διά τήν εὐτυχίαν αὐτῶν. Πληροφορίαι εἰς τά γραφεῖα τῆς ἐφημερίδος καθ' ἑκάστην. Ὁ κ. Τόνες Μ. Καρακατσάνης καί ἡ δίς Ν. Χαριζίου ἐδωσαν ἀμοιβαίαν ὑπόσχεσιν γάμου ἐν Ἀθήναις τήν 23 Δεκεμβρίου. Ἐπίσης ἡ δίς Μαρία Ἀναγνωστοπούλου καί ὁ κ. Γεώργιος Ἐξάρχου ἀντήλλαξαν δακτυλίους ἐν Πειραιεῖ ἐνώπιον συγγενῶν καί φίλων. Ὁ κ. Δημήτριος Παπαδόπουλος καί ἡ δίς Ἑλένη Κωνσταντίνου ἀρραβωνίσθησαν εἰς Θεσσαλονίκην. Συγχαρητήρια τοῖς νέοις καί εὐχαί διά τήν εὐτυχίαν αὐτῶν. Πληροφορίαι εἰς τά γραφεῖα τῆς ἐφημερίδος καθ' ἑκάστην.

Ὁ κ. Τόνες Μ. Καρακατσάνης καί ἡ δίς Ν. Χαριζίου ἐδωσαν ἀμοιβαίαν ὑπόσχεσιν γάμου ἐν Ἀθήναις τήν 23 Δεκεμβρίου. Ἐπίσης ἡ δίς Μαρία Ἀναγνωστοπούλου καί ὁ κ. Γεώργιος Ἐξάρχου ἀντήλλαξαν δακτυλίους ἐν Πειραιεῖ ἐνώπιον συγγενῶν καί φίλων. Ὁ κ. Δημήτριος Παπαδόπουλος καί ἡ δίς Ἑλένη Κωνσταντίνου ἀρραβωνίσθησαν εἰς Θεσσαλονίκην. Συγχαρητήρια τοῖς νέοις καί εὐχαί διά τήν εὐτυχίαν αὐτῶν. Πληροφορίαι εἰς τά γραφεῖα τῆς ἐφημερίδος καθ' ἑκάστην. Ὁ κ. Τόνες Μ. Καρακατσάνης καί ἡ δίς Ν. Χαριζίου ἐδωσαν ἀμοιβαίαν ὑπόσχεσιν γάμου ἐν Ἀθήναις τήν 23 Δεκεμβρίου. Ἐπίσης ἡ δίς Μαρία Ἀναγνωστοπούλου καί ὁ κ. Γεώργιος Ἐξάρχου ἀντήλλαξαν δακτυλίους ἐν Πειραιεῖ ἐνώπιον συγγενῶν καί φίλων. Ὁ κ. Δημήτριος Παπαδόπουλος καί ἡ δίς Ἑλένη Κωνσταντίνου ἀρραβωνίσθησαν εἰς Θεσσαλονίκην. Συγχαρητήρια τοῖς νέοις καί εὐχαί διά τήν εὐτυχίαν αὐτῶν. Πληροφορίαι εἰς τά γραφεῖα τῆς ἐφημερίδος καθ' ἑκάστην.

Ὁ κ. Τόνες Μ. Καρακατσάνης καί ἡ δίς Ν. Χαριζίου ἐδωσαν ἀμοιβαίαν ὑπόσχεσιν γάμου ἐν Ἀθήναις τήν 23 Δεκεμβρίου. Ἐπίσης ἡ δίς Μαρία Ἀναγνωστοπούλου καί ὁ κ. Γεώργιος Ἐξάρχου ἀντήλλαξαν δακτυλίους ἐν Πειραιεῖ ἐνώπιον συγγενῶν καί φίλων. Ὁ κ. Δημήτριος Παπαδόπουλος καί ἡ δίς Ἑλένη Κωνσταντίνου ἀρραβωνίσθησαν εἰς Θεσσαλονίκην. Συγχαρητήρια τοῖς νέοις καί εὐχαί διά τήν εὐτυχίαν αὐτῶν. Πληροφορίαι εἰς τά γραφεῖα τῆς ἐφημερίδος καθ' ἑκάστην. Ὁ κ. Τόνες Μ. Καρακατσάνης καί ἡ δίς Ν. Χαριζίου ἐδωσαν ἀμοιβαίαν ὑπόσχεσιν γάμου ἐν Ἀθήναις τήν 23 Δεκεμβρίου. Ἐπίσης ἡ δίς Μαρία Ἀναγνωστοπούλου καί ὁ κ. Γεώργιος Ἐξάρχου ἀντήλλαξαν δακτυλίους ἐν Πειραιεῖ ἐνώπιον συγγενῶν καί φίλων. Ὁ κ. Δημήτριος Παπαδόπουλος καί ἡ δίς Ἑλένη Κωνσταντίνου ἀρραβωνίσθησαν εἰς Θεσσαλονίκην. Συγχαρητήρια τοῖς νέοις καί εὐχαί διά τήν εὐτυχίαν αὐτῶν. Πληροφορίαι εἰς τά γραφεῖα τῆς ἐφημερίδος καθ' ἑκάστην.

Ὁ κ. Τόνες Μ. Καρακατσάνης καί ἡ δίς Ν. Χαριζίου ἐδωσαν ἀμοιβαίαν ὑπόσχεσιν γάμου ἐν Ἀθήναις τήν 23 Δεκεμβρίου. Ἐπίσης ἡ δίς Μαρία Ἀναγνωστοπούλου καί ὁ κ. Γεώργιος Ἐξάρχου ἀντήλλαξαν δακτυλίους ἐν Πειραιεῖ ἐνώπιον συγγενῶν καί φίλων. Ὁ κ. Δημήτριος Παπαδόπουλος καί ἡ δίς Ἑλένη Κωνσταντίνου ἀρραβωνίσθησαν εἰς Θεσσαλονίκην. Συγχαρητήρια τοῖς νέοις καί εὐχαί διά τήν εὐτυχίαν αὐτῶν. Πληροφορίαι εἰς τά γραφεῖα τῆς ἐφημερίδος καθ' ἑκάστην. Ὁ κ. Τόνες Μ. Καρακατσάνης καί ἡ δίς Ν. Χαριζίου ἐδωσαν ἀμοιβαίαν ὑπόσχεσιν γάμου ἐν Ἀθήναις τήν 23 Δεκεμβρίου. Ἐπίσης ἡ δίς Μαρία Ἀναγνωστοπούλου καί ὁ κ. Γεώργιος Ἐξάρχου ἀντήλλαξαν δακτυλίους ἐν Πειραιεῖ ἐνώπιον συγγενῶν καί φίλων. Ὁ κ. Δημήτριος Παπαδόπουλος καί ἡ δίς Ἑλένη Κωνσταντίνου ἀρραβωνίσθησαν εἰς Θεσσαλονίκην. Συγχαρητήρια τοῖς νέοις καί εὐχαί διά τήν εὐτυχίαν αὐτῶν. Πληροφορίαι εἰς τά γραφεῖα τῆς ἐφημερίδος καθ' ἑκάστην.

Ὁ κ. Τόνες Μ. Καρακατσάνης καί ἡ δίς Ν. Χαριζίου ἐδωσαν ἀμοιβαίαν ὑπόσχεσιν γάμου ἐν Ἀθήναις τήν 23 Δεκεμβρίου. Ἐπίσης ἡ δίς Μαρία Ἀναγνωστοπούλου καί ὁ κ. Γεώργιος Ἐξάρχου ἀντήλλαξαν δακτυλίους ἐν Πειραιεῖ ἐνώπιον συγγενῶν καί φίλων. Ὁ κ. Δημήτριος Παπαδόπουλος καί ἡ δίς Ἑλένη Κωνσταντίνου ἀρραβωνίσθησαν εἰς Θεσσαλονίκην. Συγχαρητήρια τοῖς νέοις καί εὐχαί διά τήν εὐτυχίαν αὐτῶν. Πληροφορίαι εἰς τά γραφεῖα τῆς ἐφημερίδος καθ' ἑκάστην. Ὁ κ. Τόνες Μ. Καρακατσάνης καί ἡ δίς Ν. Χαριζίου ἐδωσαν ἀμοιβαίαν ὑπόσχεσιν γάμου ἐν Ἀθήναις τήν 23 Δεκεμβρίου. Ἐπίσης ἡ δίς Μαρία Ἀναγνωστοπούλου καί ὁ κ. Γεώργιος Ἐξάρχου ἀντήλλαξαν δακτυλίους ἐν Πειραιεῖ ἐνώπιον συγγενῶν καί φίλων. Ὁ κ. Δημήτριος Παπαδόπουλος καί ἡ δίς Ἑλένη Κωνσταντίνου ἀρραβωνίσθησαν εἰς Θεσσαλονίκην. Συγχαρητήρια τοῖς νέοις καί εὐχαί διά τήν εὐτυχίαν αὐτῶν. Πληροφορίαι εἰς τά γραφεῖα τῆς ἐφημερίδος καθ' ἑκάστην.

Ὁ κ. Τόνες Μ. Καρακατσάνης καί ἡ δίς Ν. Χαριζίου ἐδωσαν ἀμοιβαίαν ὑπόσχεσιν γάμου ἐν Ἀθήναις τήν 23 Δεκεμβρίου. Ἐπίσης ἡ δίς Μαρία Ἀναγνωστοπούλου καί ὁ κ. Γεώργιος Ἐξάρχου ἀντήλλαξαν δακτυλίους ἐν Πειραιεῖ ἐνώπιον συγγενῶν καί φίλων. Ὁ κ. Δημήτριος Παπαδόπουλος καί ἡ δίς Ἑλένη Κωνσταντίνου ἀρραβωνίσθησαν εἰς Θεσσαλονίκην. Συγχαρητήρια τοῖς νέοις καί εὐχαί διά τήν εὐτυχίαν αὐτῶν. Πληροφορίαι εἰς τά γραφεῖα τῆς ἐφημερίδος καθ' ἑκάστην. Ὁ κ. Τόνες Μ. Καρακατσάνης καί ἡ δίς Ν. Χαριζίου ἐδωσαν ἀμοιβαίαν ὑπόσχεσιν γάμου ἐν Ἀθήναις τήν 23 Δεκεμβρίου. Ἐπίσης ἡ δίς Μαρία Ἀναγνωστοπούλου καί ὁ κ. Γεώργιος Ἐξάρχου ἀντήλλαξαν δακτυλίους ἐν Πειραιεῖ ἐνώπιον συγγενῶν καί φίλων. Ὁ κ. Δημήτριος Παπαδόπουλος καί ἡ δίς Ἑλένη Κωνσταντίνου ἀρραβωνίσθησαν εἰς Θεσσαλονίκην. Συγχαρητήρια τοῖς νέοις καί εὐχαί διά τήν εὐτυχίαν αὐτῶν. Πληροφορίαι εἰς τά γραφεῖα τῆς ἐφημερίδος καθ' ἑκάστην.

ΕΥΧΑΡΙΣΤΗΡΙΑ

Ὁ κ. Τόνες Μ. Καρακατσάνης καί ἡ δίς Ν. Χαριζίου ἐδωσαν ἀμοιβαίαν ὑπόσχεσιν γάμου ἐν Ἀθήναις τήν 23 Δεκεμβρίου. Ἐπίσης ἡ δίς Μαρία Ἀναγνωστοπούλου καί ὁ κ. Γεώργιος Ἐξάρχου ἀντήλλαξαν δακτυλίους ἐν Πειραιεῖ ἐνώπιον συγγενῶν καί φίλων. Ὁ κ. Δημήτριος Παπαδόπουλος καί ἡ δίς Ἑλένη Κωνσταντίνου ἀρραβωνίσθησαν εἰς Θεσσαλονίκην. Συγχαρητήρια τοῖς νέοις καί εὐχαί διά τήν εὐτυχίαν αὐτῶν. Πληροφορίαι εἰς τά γραφεῖα τῆς ἐφημερίδος καθ' ἑκάστην. Ὁ κ. Τόνες Μ. Καρακατσάνης καί ἡ δίς Ν. Χαριζίου ἐδωσαν ἀμοιβαίαν ὑπόσχεσιν γάμου ἐν Ἀθήναις τήν 23 Δεκεμβρίου. Ἐπίσης ἡ δίς Μαρία Ἀναγνωστοπούλου καί ὁ κ. Γεώργιος Ἐξάρχου ἀντήλλαξαν δακτυλίους ἐν Πειραιεῖ ἐνώπιον συγγενῶν καί φίλων. Ὁ κ. Δημήτριος Παπαδόπουλος καί ἡ δίς Ἑλένη Κωνσταντίνου ἀρραβωνίσθησαν εἰς Θεσσαλονίκην. Συγχαρητήρια τοῖς νέοις καί εὐχαί διά τήν εὐτυχίαν αὐτῶν. Πληροφορίαι εἰς τά γραφεῖα τῆς ἐφημερίδος καθ' ἑκάστην.

Ὁ κ. Τόνες Μ. Καρακατσάνης καί ἡ δίς Ν. Χαριζίου ἐδωσαν ἀμοιβαίαν ὑπόσχεσιν γάμου ἐν Ἀθήναις τήν 23 Δεκεμβρίου. Ἐπίσης ἡ δίς Μαρία Ἀναγνωστοπούλου καί ὁ κ. Γεώργιος Ἐξάρχου ἀντήλλαξαν δακτυλίους ἐν Πειραιεῖ ἐνώπιον συγγενῶν καί φίλων. Ὁ κ. Δημήτριος Παπαδόπουλος καί ἡ δίς Ἑλένη Κωνσταντίνου ἀρραβωνίσθησαν εἰς Θεσσαλονίκην. Συγχαρητήρια τοῖς νέοις καί εὐχαί διά τήν εὐτυχίαν αὐτῶν. Πληροφορίαι εἰς τά γραφεῖα τῆς ἐφημερίδος καθ' ἑκάστην. Ὁ κ. Τόνες Μ. Καρακατσάνης καί ἡ δίς Ν. Χαριζίου ἐδωσαν ἀμοιβαίαν ὑπόσχεσιν γάμου ἐν Ἀθήναις τήν 23 Δεκεμβρίου. Ἐπίσης ἡ δίς Μαρία Ἀναγνωστοπούλου καί ὁ κ. Γεώργιος Ἐξάρχου ἀντήλλαξαν δακτυλίους ἐν Πειραιεῖ ἐνώπιον συγγενῶν καί φίλων. Ὁ κ. Δημήτριος Παπαδόπουλος καί ἡ δίς Ἑλένη Κωνσταντίνου ἀρραβωνίσθησαν εἰς Θεσσαλονίκην. Συγχαρητήρια τοῖς νέοις καί εὐχαί διά τήν εὐτυχίαν αὐτῶν. Πληροφορίαι εἰς τά γραφεῖα τῆς ἐφημερίδος καθ' ἑκάστην.

Ὁ κ. Τόνες Μ. Καρακατσάνης καί ἡ δίς Ν. Χαριζίου ἐδωσαν ἀμοιβαίαν ὑπόσχεσιν γάμου ἐν Ἀθήναις τήν 23 Δεκεμβρίου. Ἐπίσης ἡ δίς Μαρία Ἀναγνωστοπούλου καί ὁ κ. Γεώργιος Ἐξάρχου ἀντήλλαξαν δακτυλίους ἐν Πειραιεῖ ἐνώπιον συγγενῶν καί φίλων. Ὁ κ. Δημήτριος Παπαδόπουλος καί ἡ δίς Ἑλένη Κωνσταντίνου ἀρραβωνίσθησαν εἰς Θεσσαλονίκην. Συγχαρητήρια τοῖς νέοις καί εὐχαί διά τήν εὐτυχίαν αὐτῶν. Πληροφορίαι εἰς τά γραφεῖα τῆς ἐφημερίδος καθ' ἑκάστην. Ὁ κ. Τόνες Μ. Καρακατσάνης καί ἡ δίς Ν. Χαριζίου ἐδωσαν ἀμοιβαίαν ὑπόσχεσιν γάμου ἐν Ἀθήναις τήν 23 Δεκεμβρίου. Ἐπίσης ἡ δίς Μαρία Ἀναγνωστοπούλου καί ὁ κ. Γεώργιος Ἐξάρχου ἀντήλλαξαν δακτυλίους ἐν Πειραιεῖ ἐνώπιον συγγενῶν καί φίλων. Ὁ κ. Δημήτριος Παπαδόπουλος καί ἡ δίς Ἑλένη Κωνσταντίνου ἀρραβωνίσθησαν εἰς Θεσσαλονίκην. Συγχαρητήρια τοῖς νέοις καί εὐχαί διά τήν εὐτυχίαν αὐτῶν. Πληροφορίαι εἰς τά γραφεῖα τῆς ἐφημερίδος καθ' ἑκάστην.

ΕΚΚΛΗΣΙΑ

Ὁ κ. Τόνες Μ. Καρακατσάνης καί ἡ δίς Ν. Χαριζίου ἐδωσαν ἀμοιβαίαν ὑπόσχεσιν γάμου ἐν Ἀθήναις τήν 23 Δεκεμβρίου. Ἐπίσης ἡ δίς Μαρία Ἀναγνωστοπούλου καί ὁ κ. Γεώργιος Ἐξάρχου ἀντήλλαξαν δακτυλίους ἐν Πειραιεῖ ἐνώπιον συγγενῶν καί φίλων. Ὁ κ. Δημήτριος Παπαδόπουλος καί ἡ δίς Ἑλένη Κωνσταντίνου ἀρραβωνίσθησαν εἰς Θεσσαλονίκην. Συγχαρητήρια τοῖς νέοις καί εὐχαί διά τήν εὐτυχίαν αὐτῶν. Πληροφορίαι εἰς τά γραφεῖα τῆς ἐφημερίδος καθ' ἑκάστην. Ὁ κ. Τόνες Μ. Καρακατσάνης καί ἡ δίς Ν. Χαριζίου ἐδωσαν ἀμοιβαίαν ὑπόσχεσιν γάμου ἐν Ἀθήναις τήν 23 Δεκεμβρίου. Ἐπίσης ἡ δίς Μαρία Ἀναγνωστοπούλου καί ὁ κ. Γεώργιος Ἐξάρχου ἀντήλλαξαν δακτυλίους ἐν Πειραιεῖ ἐνώπιον συγγενῶν καί φίλων. Ὁ κ. Δημήτριος Παπαδόπουλος καί ἡ δίς Ἑλένη Κωνσταντίνου ἀρραβωνίσθησαν εἰς Θεσσαλονίκην. Συγχαρητήρια τοῖς νέοις καί εὐχαί διά τήν εὐτυχίαν αὐτῶν. Πληροφορίαι εἰς τά γραφεῖα τῆς ἐφημερίδος καθ' ἑκάστην.

Ὁ κ. Τόνες Μ. Καρακατσάνης καί ἡ δίς Ν. Χαριζίου ἐδωσαν ἀμοιβαίαν ὑπόσχεσιν γάμου ἐν Ἀθήναις τήν 23 Δεκεμβρίου. Ἐπίσης ἡ δίς Μαρία Ἀναγνωστοπούλου καί ὁ κ. Γεώργιος Ἐξάρχου ἀντήλλαξαν δακτυλίους ἐν Πειραιεῖ ἐνώπιον συγγενῶν καί φίλων. Ὁ κ. Δημήτριος Παπαδόπουλος καί ἡ δίς Ἑλένη Κωνσταντίνου ἀρραβωνίσθησαν εἰς Θεσσαλονίκην. Συγχαρητήρια τοῖς νέοις καί εὐχαί διά τήν εὐτυχίαν αὐτῶν. Πληροφορίαι εἰς τά γραφεῖα τῆς ἐφημερίδος καθ' ἑκάστην. Ὁ κ. Τόνες Μ. Καρακατσάνης καί ἡ δίς Ν. Χαριζίου ἐδωσαν ἀμοιβαίαν ὑπόσχεσιν γάμου ἐν Ἀθήναις τήν 23 Δεκεμβρίου. Ἐπίσης ἡ δίς Μαρία Ἀναγνωστοπούλου καί ὁ κ. Γεώργιος Ἐξάρχου ἀντήλλαξαν δακτυλίους ἐν Πειραιεῖ ἐνώπιον συγγενῶν καί φίλων. Ὁ κ. Δημήτριος Παπαδόπουλος καί ἡ δίς Ἑλένη Κωνσταντίνου ἀρραβωνίσθησαν εἰς Θεσσαλονίκην. Συγχαρητήρια τοῖς νέοις καί εὐχαί διά τήν εὐτυχίαν αὐτῶν. Πληροφορίαι εἰς τά γραφεῖα τῆς ἐφημερίδος καθ' ἑκάστην.

Ὁ κ. Τόνες Μ. Καρακατσάνης καί ἡ δίς Ν. Χαριζίου ἐδωσαν ἀμοιβαίαν ὑπόσχεσιν γάμου ἐν Ἀθήναις τήν 23 Δεκεμβρίου. Ἐπίσης ἡ δίς Μαρία Ἀναγνωστοπούλου καί ὁ κ. Γεώργιος Ἐξάρχου ἀντήλλαξαν δακτυλίους ἐν Πειραιεῖ ἐνώπιον συγγενῶν καί φίλων. Ὁ κ. Δημήτριος Παπαδόπουλος καί ἡ δίς Ἑλένη Κωνσταντίνου ἀρραβωνίσθησαν εἰς Θεσσαλονίκην. Συγχαρητήρια τοῖς νέοις καί εὐχαί διά τήν εὐτυχίαν αὐτῶν. Πληροφορίαι εἰς τά γραφεῖα τῆς ἐφημερίδος καθ' ἑκάστην. Ὁ κ. Τόνες Μ. Καρακατσάνης καί ἡ δίς Ν. Χαριζίου ἐδωσαν ἀμοιβαίαν ὑπόσχεσιν γάμου ἐν Ἀθήναις τήν 23 Δεκεμβρίου. Ἐπίσης ἡ δίς Μαρία Ἀναγνωστοπούλου καί ὁ κ. Γεώργιος Ἐξάρχου ἀντήλλαξαν δακτυλίους ἐν Πειραιεῖ ἐνώπιον συγγενῶν καί φίλων. Ὁ κ. Δημήτριος Παπαδόπουλος καί ἡ δίς Ἑλένη Κωνσταντίνου ἀρραβωνίσθησαν εἰς Θεσσαλονίκην. Συγχαρητήρια τοῖς νέοις καί εὐχαί διά τήν εὐτυχίαν αὐτῶν. Πληροφορίαι εἰς τά γραφεῖα τῆς ἐφημερίδος καθ' ἑκάστην.

Ὁ κ. Τόνες Μ. Καρακατσάνης καί ἡ δίς Ν. Χαριζίου ἐδωσαν ἀμοιβαίαν ὑπόσχεσιν γάμου ἐν Ἀθήναις τήν 23 Δεκεμβρίου. Ἐπίσης ἡ δίς Μαρία Ἀναγνωστοπούλου καί ὁ κ. Γεώργιος Ἐξάρχου ἀντήλλαξαν δακτυλίους ἐν Πειραιεῖ ἐνώπιον συγγενῶν καί φίλων. Ὁ κ. Δημήτριος Παπαδόπουλος καί ἡ δίς Ἑλένη Κωνσταντίνου ἀρραβωνίσθησαν εἰς Θεσσαλονίκην. Συγχαρητήρια τοῖς νέοις καί εὐχαί διά τήν εὐτυχίαν αὐτῶν. Πληροφορίαι εἰς τά γραφεῖα τῆς ἐφημερίδος καθ' ἑκάστην. Ὁ κ. Τόνες Μ. Καρακατσάνης καί ἡ δίς Ν. Χαριζίου ἐδωσαν ἀμοιβαίαν ὑπόσχεσιν γάμου ἐν Ἀθήναις τήν 23 Δεκεμβρίου. Ἐπίσης ἡ δίς Μαρία Ἀναγνωστοπούλου καί ὁ κ. Γεώργιος Ἐξάρχου ἀντήλλαξαν δακτυλίους ἐν Πειραιεῖ ἐνώπιον συγγενῶν καί φίλων. Ὁ κ. Δημήτριος Παπαδόπουλος καί ἡ δίς Ἑλένη Κωνσταντίνου ἀρραβωνίσθησαν εἰς Θεσσαλονίκην. Συγχαρητήρια τοῖς νέοις καί εὐχαί διά τήν εὐτυχίαν αὐτῶν. Πληροφορίαι εἰς τά γραφεῖα τῆς ἐφημερίδος καθ' ἑκάστην.

ΜΝΗΜΟΣΥΝΑ

Ὁ κ. Τόνες Μ. Καρακατσάνης καί ἡ δίς Ν. Χαριζίου ἐδωσαν ἀμοιβαίαν ὑπόσχεσιν γάμου ἐν Ἀθήναις τήν 23 Δεκεμβρίου. Ἐπίσης ἡ δίς Μαρία Ἀναγνωστοπούλου καί ὁ κ. Γεώργιος Ἐξάρχου ἀντήλλαξαν δακτυλίους ἐν Πειραιεῖ ἐνώπιον συγγενῶν καί φίλων. Ὁ κ. Δημήτριος Παπαδόπουλος καί ἡ δίς Ἑλένη Κωνσταντίνου ἀρραβωνίσθησαν εἰς Θεσσαλονίκην. Συγχαρητήρια τοῖς νέοις καί εὐχαί διά τήν εὐτυχίαν αὐτῶν. Πληροφορίαι εἰς τά γραφεῖα τῆς ἐφημερίδος καθ' ἑκάστην. Ὁ κ. Τόνες Μ. Καρακατσάνης καί ἡ δίς Ν. Χαριζίου ἐδωσαν ἀμοιβαίαν ὑπόσχεσιν γάμου ἐν Ἀθήναις τήν 23 Δεκεμβρίου. Ἐπίσης ἡ δίς Μαρία Ἀναγνωστοπούλου καί ὁ κ. Γεώργιος Ἐξάρχου ἀντήλλαξαν δακτυλίους ἐν Πειραιεῖ ἐνώπιον συγγενῶν καί φίλων. Ὁ κ. Δημήτριος Παπαδόπουλος καί ἡ δίς Ἑλένη Κωνσταντίνου ἀρραβωνίσθησαν εἰς Θεσσαλονίκην. Συγχαρητήρια τοῖς νέοις καί εὐχαί διά τήν εὐτυχίαν αὐτῶν. Πληροφορίαι εἰς τά γραφεῖα τῆς ἐφημερίδος καθ' ἑκάστην.

Ὁ κ. Τόνες Μ. Καρακατσάνης καί ἡ δίς Ν. Χαριζίου ἐδωσαν ἀμοιβαίαν ὑπόσχεσιν γάμου ἐν Ἀθήναις τήν 23 Δεκεμβρίου. Ἐπίσης ἡ δίς Μαρία Ἀναγνωστοπούλου καί ὁ κ. Γεώργιος Ἐξάρχου ἀντήλλαξαν δακτυλίους ἐν Πειραιεῖ ἐνώπιον συγγενῶν καί φίλων. Ὁ κ. Δημήτριος Παπαδόπουλος καί ἡ δίς Ἑλένη Κωνσταντίνου ἀρραβωνίσθησαν εἰς Θεσσαλονίκην. Συγχαρητήρια τοῖς νέοις καί εὐχαί διά τήν εὐτυχίαν αὐτῶν. Πληροφορίαι εἰς τά γραφεῖα τῆς ἐφημερίδος καθ' ἑκάστην. Ὁ κ. Τόνες Μ. Καρακατσάνης καί ἡ δίς Ν. Χαριζίου ἐδωσαν ἀμοιβαίαν ὑπόσχεσιν γάμου ἐν Ἀθήναις τήν 23 Δεκεμβρίου. Ἐπίσης ἡ δίς Μαρία Ἀναγνωστοπούλου καί ὁ κ. Γεώργιος Ἐξάρχου ἀντήλλαξαν δακτυλίους ἐν Πειραιεῖ ἐνώπιον συγγενῶν καί φίλων. Ὁ κ. Δημήτριος Παπαδόπουλος καί ἡ δίς Ἑλένη Κωνσταντίνου ἀρραβωνίσθησαν εἰς Θεσσαλονίκην. Συγχαρητήρια τοῖς νέοις καί εὐχαί διά τήν εὐτυχίαν αὐτῶν. Πληροφορίαι εἰς τά γραφεῖα τῆς ἐφημερίδος καθ' ἑκάστην.

Πρωτοχρονιάτικαι ἑορταί

Ὁ κ. Τόνες Μ. Καρακατσάνης καί ἡ δίς Ν. Χαριζίου ἐδωσαν ἀμοιβαίαν ὑπόσχεσιν γάμου ἐν Ἀθήναις τήν 23 Δεκεμβρίου. Ἐπίσης ἡ δίς Μαρία Ἀναγνωστοπούλου καί ὁ κ. Γεώργιος Ἐξάρχου ἀντήλλαξαν δακτυλίους ἐν Πειραιεῖ ἐνώπιον συγγενῶν καί φίλων. Ὁ κ. Δημήτριος Παπαδόπουλος καί ἡ δίς Ἑλένη Κωνσταντίνου ἀρραβωνίσθησαν εἰς Θεσσαλονίκην. Συγχαρητήρια τοῖς νέοις καί εὐχαί διά τήν εὐτυχίαν αὐτῶν. Πληροφορίαι εἰς τά γραφεῖα τῆς ἐφημερίδος καθ' ἑκάστην. Ὁ κ. Τόνες Μ. Καρακατσάνης καί ἡ δίς Ν. Χαριζίου ἐδωσαν ἀμοιβαίαν ὑπόσχεσιν γάμου ἐν Ἀθήναις τήν 23 Δεκεμβρίου. Ἐπίσης ἡ δίς Μαρία Ἀναγνωστοπούλου καί ὁ κ. Γεώργιος Ἐξάρχου ἀντήλλαξαν δακτυλίους ἐν Πειραιεῖ ἐνώπιον συγγενῶν καί φίλων. Ὁ κ. Δημήτριος Παπαδόπουλος καί ἡ δίς Ἑλένη Κωνσταντίνου ἀρραβωνίσθησαν εἰς Θεσσαλονίκην. Συγχαρητήρια τοῖς νέοις καί εὐχαί διά τήν εὐτυχίαν αὐτῶν. Πληροφορίαι εἰς τά γραφεῖα τῆς ἐφημερίδος καθ' ἑκάστην.

Ὁ κ. Τόνες Μ. Καρακατσάνης καί ἡ δίς Ν. Χαριζίου ἐδωσαν ἀμοιβαίαν ὑπόσχεσιν γάμου ἐν Ἀθήναις τήν 23 Δεκεμβρίου. Ἐπίσης ἡ δίς Μαρία Ἀναγνωστοπούλου καί ὁ κ. Γεώργιος Ἐξάρχου ἀντήλλαξαν δακτυλίους ἐν Πειραιεῖ ἐνώπιον συγγενῶν καί φίλων. Ὁ κ. Δημήτριος Παπαδόπουλος καί ἡ δίς Ἑλένη Κωνσταντίνου ἀρραβωνίσθησαν εἰς Θεσσαλονίκην. Συγχαρητήρια τοῖς νέοις καί εὐχαί διά τήν εὐτυχίαν αὐτῶν. Πληροφορίαι εἰς τά γραφεῖα τῆς ἐφημερίδος καθ' ἑκάστην. Ὁ κ. Τόνες Μ. Καρακατσάνης καί ἡ δίς Ν. Χαριζίου ἐδωσαν ἀμοιβαίαν ὑπόσχεσιν γάμου ἐν Ἀθήναις τήν 23 Δεκεμβρίου. Ἐπίσης ἡ δίς Μαρία Ἀναγνωστοπούλου καί ὁ κ. Γεώργιος Ἐξάρχου ἀντήλλαξαν δακτυλίους ἐν Πειραιεῖ ἐνώπιον συγγενῶν καί φίλων. Ὁ κ. Δημήτριος Παπαδόπουλος καί ἡ δίς Ἑλένη Κωνσταντίνου ἀρραβωνίσθησαν εἰς Θεσσαλονίκην. Συγχαρητήρια τοῖς νέοις καί εὐχαί διά τήν εὐτυχίαν αὐτῶν. Πληροφορίαι εἰς τά γραφεῖα τῆς ἐφημερίδος καθ' ἑκάστην.

Ὁ κ. Τόνες Μ. Καρακατσάνης καί ἡ δίς Ν. Χαριζίου ἐδωσαν ἀμοιβαίαν ὑπόσχεσιν γάμου ἐν Ἀθήναις τήν 23 Δεκεμβρίου. Ἐπίσης ἡ δίς Μαρία Ἀναγνωστοπούλου καί ὁ κ. Γεώργιος Ἐξάρχου ἀντήλλαξαν δακτυλίους ἐν Πειραιεῖ ἐνώπιον συγγενῶν καί φίλων. Ὁ κ. Δημήτριος Παπαδόπουλος καί ἡ δίς Ἑλένη Κωνσταντίνου ἀρραβωνίσθησαν εἰς Θεσσαλονίκην. Συγχαρητήρια τοῖς νέοις καί εὐχαί διά τήν εὐτυχίαν αὐτῶν. Πληροφορίαι εἰς τά γραφεῖα τῆς ἐφημερίδος καθ' ἑκάστην. Ὁ κ. Τόνες Μ. Καρακατσάνης καί ἡ δίς Ν. Χαριζίου ἐδωσαν ἀμοιβαίαν ὑπόσχεσιν γάμου ἐν Ἀθήναις τήν 23 Δεκεμβρίου. Ἐπίσης ἡ δίς Μαρία Ἀναγνωστοπούλου καί ὁ κ. Γεώργιος Ἐξάρχου ἀντήλλαξαν δακτυλίους ἐν Πειραιεῖ ἐνώπιον συγγενῶν καί φίλων. Ὁ κ. Δημήτριος Παπαδόπουλος καί ἡ δίς Ἑλένη Κωνσταντίνου ἀρραβωνίσθησαν εἰς Θεσσαλονίκην. Συγχαρητήρια τοῖς νέοις καί εὐχαί διά τήν εὐτυχίαν αὐτῶν. Πληροφορίαι εἰς τά γραφεῖα τῆς ἐφημερίδος καθ' ἑκάστην.

Ὁ κ. Τόνες Μ. Καρακατσάνης καί ἡ δίς Ν. Χαριζίου ἐδωσαν ἀμοιβαίαν ὑπόσχεσιν γάμου ἐν Ἀθήναις τήν 23 Δεκεμβρίου. Ἐπίσης ἡ δίς Μαρία Ἀναγνωστοπούλου καί ὁ κ. Γεώργιος Ἐξάρχου ἀντήλλαξαν δακτυλίους ἐν Πειραιεῖ ἐνώπιον συγγενῶν καί φίλων. Ὁ κ. Δημήτριος Παπαδόπουλος καί ἡ δίς Ἑλένη Κωνσταντίνου ἀρραβωνίσθησαν εἰς Θεσσαλονίκην. Συγχαρητήρια τοῖς νέοις καί εὐχαί διά τήν εὐτυχίαν αὐτῶν. Πληροφορίαι εἰς τά γραφεῖα τῆς ἐφημερίδος καθ' ἑκάστην. Ὁ κ. Τόνες Μ. Καρακατσάνης καί ἡ δίς Ν. Χαριζίου ἐδωσαν ἀμοιβαίαν ὑπόσχεσιν γάμου ἐν Ἀθήναις τήν 23 Δεκεμβρίου. Ἐπίσης ἡ δίς Μαρία Ἀναγνωστοπούλου καί ὁ κ. Γεώργιος Ἐξάρχου ἀντήλλαξαν δακτυλίους ἐν Πειραιεῖ ἐνώπιον συγγενῶν καί φίλων. Ὁ κ. Δημήτριος Παπαδόπουλος καί ἡ δίς Ἑλένη Κωνσταντίνου ἀρραβωνίσθησαν εἰς Θεσσαλονίκην. Συγχαρητήρια τοῖς νέοις καί εὐχαί διά τήν εὐτυχίαν αὐτῶν. Πληροφορίαι εἰς τά γραφεῖα τῆς ἐφημερίδος καθ' ἑκάστην.

Ὁ κ. Τόνες Μ. Καρακατσάνης καί ἡ δίς Ν. Χαριζίου ἐδωσαν ἀμοιβαίαν ὑπόσχεσιν γάμου ἐν Ἀθήναις τήν 23 Δεκεμβρίου. Ἐπίσης ἡ δίς Μαρία Ἀναγνωστοπούλου καί ὁ κ. Γεώργιος Ἐξάρχου ἀντήλλαξαν δακτυλίους ἐν Πειραιεῖ ἐνώπιον συγγενῶν καί φίλων. Ὁ κ. Δημήτριος Παπαδόπουλος καί ἡ δίς Ἑλένη Κωνσταντίνου ἀρραβωνίσθησαν εἰς Θεσσαλονίκην. Συγχαρητήρια τοῖς νέοις καί εὐχαί διά τήν εὐτυχίαν αὐτῶν. Πληροφορίαι εἰς τά γραφεῖα τῆς ἐφημερίδος καθ' ἑκάστην. Ὁ κ. Τόνες Μ. Καρακατσάνης καί ἡ δίς Ν. Χαριζίου ἐδωσαν ἀμοιβαίαν ὑπόσχεσιν γάμου ἐν Ἀθήναις τήν 23 Δεκεμβρίου. Ἐπίσης ἡ δίς Μαρία Ἀναγνωστοπούλου καί ὁ κ. Γεώργιος Ἐξάρχου ἀντήλλαξαν δακτυλίους ἐν Πειραιεῖ ἐνώπιον συγγενῶν καί φίλων. Ὁ κ. Δημήτριος Παπαδόπουλος καί ἡ δίς Ἑλένη Κωνσταντίνου ἀρραβωνίσθησαν εἰς Θεσσαλονίκην. Συγχαρητήρια τοῖς νέοις καί εὐχαί διά τήν εὐτυχίαν αὐτῶν. Πληροφορίαι εἰς τά γραφεῖα τῆς ἐφημερίδος καθ' ἑκάστην.

Ὁ κ. Τόνες Μ. Καρακατσάνης καί ἡ δίς Ν. Χαριζίου ἐδωσαν ἀμοιβαίαν ὑπόσχεσιν γάμου ἐν Ἀθήναις τήν 23 Δεκεμβρίου. Ἐπίσης ἡ δίς Μαρία Ἀναγνωστοπούλου καί ὁ κ. Γεώργιος Ἐξάρχου ἀντήλλαξαν δακτυλίους ἐν Πειραιεῖ ἐνώπιον συγγενῶν καί φίλων. Ὁ κ. Δημήτριος Παπαδόπουλος καί ἡ δίς Ἑλένη Κωνσταντίνου ἀρραβωνίσθησαν εἰς Θεσσαλονίκην. Συγχαρητήρια τοῖς νέοις καί εὐχαί διά τήν εὐτυχίαν αὐτῶν. Πληροφορίαι εἰς τά γραφεῖα τῆς ἐφημερίδος καθ' ἑκάστην. Ὁ κ. Τόνες Μ. Καρακατσάνης καί ἡ δίς Ν. Χαριζίου ἐδωσαν ἀμοιβαίαν ὑπόσχεσιν γάμου ἐν Ἀθήναις τήν 23 Δεκεμβρίου. Ἐπίσης ἡ δίς Μαρία Ἀναγνωστοπούλου καί ὁ κ. Γεώργιος Ἐξάρχου ἀντήλλαξαν δακτυλίους ἐν Πειραιεῖ ἐνώπιον συγγενῶν καί φίλων. Ὁ κ. Δημήτριος Παπαδόπουλος καί ἡ δίς Ἑλένη Κωνσταντίνου ἀρραβωνίσθησαν εἰς Θεσσαλονίκην. Συγχαρητήρια τοῖς νέοις καί εὐχαί διά τήν εὐτυχίαν αὐτῶν. Πληροφορίαι εἰς τά γραφεῖα τῆς ἐφημερίδος καθ' ἑκάστην.

Ἡ μικτή χορῳδία τοῦ πανεπιστημίου

Ὁ κ. Τόνες Μ. Καρακατσάνης καί ἡ δίς Ν. Χαριζίου ἐδωσαν ἀμοιβαίαν ὑπόσχεσιν γάμου ἐν Ἀθήναις τήν 23 Δεκεμβρίου. Ἐπίσης ἡ δίς Μαρία Ἀναγνωστοπούλου καί ὁ κ. Γεώργιος Ἐξάρχου ἀντήλλαξαν δακτυλίους ἐν Πειραιεῖ ἐνώπιον συγγενῶν καί φίλων. Ὁ κ. Δημήτριος Παπαδόπουλος καί ἡ δίς Ἑλένη Κωνσταντίνου ἀρραβωνίσθησαν εἰς Θεσσαλονίκην. Συγχαρητήρια τοῖς νέοις καί εὐχαί διά τήν εὐτυχίαν αὐτῶν. Πληροφορίαι εἰς τά γραφεῖα τῆς ἐφημερίδος καθ' ἑκάστην. Ὁ κ. Τόνες Μ. Καρακατσάνης καί ἡ δίς Ν. Χαριζίου ἐδωσαν ἀμοιβαίαν ὑπόσχεσιν γάμου ἐν Ἀθήναις τήν 23 Δεκεμβρίου. Ἐπίσης ἡ δίς Μαρία Ἀναγνωστοπούλου καί ὁ κ. Γεώργιος Ἐξάρχου ἀντήλλαξαν δακτυλίους ἐν Πειραιεῖ ἐνώπιον συγγενῶν καί φίλων. Ὁ κ. Δημήτριος Παπαδόπουλος καί ἡ δίς Ἑλένη Κωνσταντίνου ἀρραβωνίσθησαν εἰς Θεσσαλονίκην. Συγχαρητήρια τοῖς νέοις καί εὐχαί διά τήν εὐτυχίαν αὐτῶν. Πληροφορίαι εἰς τά γραφεῖα τῆς ἐφημερίδος καθ' ἑκάστην.

Ἡ λέσχη «Σκώλ»

Ὁ κ. Τόνες Μ. Καρακατσάνης καί ἡ δίς Ν. Χαριζίου ἐδωσαν ἀμοιβαίαν ὑπόσχεσιν γάμου ἐν Ἀθήναις τήν 23 Δεκεμβρίου. Ἐπίσης ἡ δίς Μαρία Ἀναγνωστοπούλου καί ὁ κ. Γεώργιος Ἐξάρχου ἀντήλλαξαν δακτυλίους ἐν Πειραιεῖ ἐνώπιον συγγενῶν καί φίλων. Ὁ κ. Δημήτριος Παπαδόπουλος καί ἡ δίς Ἑλένη Κωνσταντίνου ἀρραβωνίσθησαν εἰς Θεσσαλονίκην. Συγχαρητήρια τοῖς νέοις καί εὐχαί διά τήν εὐτυχίαν αὐτῶν. Πληροφορίαι εἰς τά γραφεῖα τῆς ἐφημερίδος καθ' ἑκάστην. Ὁ κ. Τόνες Μ. Καρακατσάνης καί ἡ δίς Ν. Χαριζίου ἐδωσαν ἀμοιβαίαν ὑπόσχεσιν γάμου ἐν Ἀθήναις τήν 23 Δεκεμβρίου. Ἐπίσης ἡ δίς Μαρία Ἀναγνωστοπούλου καί ὁ κ. Γεώργιος Ἐξάρχου ἀντήλλαξαν δακτυλίους ἐν Πειραιεῖ ἐνώπιον συγγενῶν καί φίλων. Ὁ κ. Δημήτριος Παπαδόπουλος καί ἡ δίς Ἑλένη Κωνσταντίνου ἀρραβωνίσθησαν εἰς Θεσσαλονίκην. Συγχαρητήρια τοῖς νέοις καί εὐχαί διά τήν εὐτυχίαν αὐτῶν. Πληροφορίαι εἰς τά γραφεῖα τῆς ἐφημερίδος καθ' ἑκάστην.

ΠΡΟΣΚΛΗΣΕΙΣ

Ὁ κ. Τόνες Μ. Καρακατσάνης καί ἡ δίς Ν. Χαριζίου ἐδωσαν ἀμοιβαίαν ὑπόσχεσιν γάμου ἐν Ἀθήναις τήν 23 Δεκεμβρίου. Ἐπίσης ἡ δίς Μαρία Ἀναγνωστοπούλου καί ὁ κ. Γεώργιος Ἐξάρχου ἀντήλλαξαν δακτυλίους ἐν Πειραιεῖ ἐνώπιον συγγενῶν καί φίλων. Ὁ κ. Δημήτριος Παπαδόπουλος καί ἡ δίς Ἑλένη Κωνσταντίνου ἀρραβωνίσθησαν εἰς Θεσσαλονίκην. Συγχαρητήρια τοῖς νέοις καί εὐχαί διά τήν εὐτυχίαν αὐτῶν. Πληροφορίαι εἰς τά γραφεῖα τῆς ἐφημερίδος καθ' ἑκάστην. Ὁ κ. Τόνες Μ. Καρακατσάνης καί ἡ δίς Ν. Χαριζίου ἐδωσαν ἀμοιβαίαν ὑπόσχεσιν γάμου ἐν Ἀθήναις τήν 23 Δεκεμβρίου. Ἐπίσης ἡ δίς Μαρία Ἀναγνωστοπούλου καί ὁ κ. Γεώργιος Ἐξάρχου ἀντήλλαξαν δακτυλίους ἐν Πειραιεῖ ἐνώπιον συγγενῶν καί φίλων. Ὁ κ. Δημήτριος Παπαδόπουλος καί ἡ δίς Ἑλένη Κωνσταντίνου ἀρραβωνίσθησαν εἰς Θεσσαλονίκην. Συγχαρητήρια τοῖς νέοις καί εὐχαί διά τήν εὐτυχίαν αὐτῶν. Πληροφορίαι εἰς τά γραφεῖα τῆς ἐφημερίδος καθ' ἑκάστην.

Ὁ κ. Τόνες Μ. Καρακατσάνης καί ἡ δίς Ν. Χαριζίου ἐδωσαν ἀμοιβαίαν ὑπόσχεσιν γάμου ἐν Ἀθήναις τήν 23 Δεκεμβρίου. Ἐπίσης ἡ δίς Μαρία Ἀναγνωστοπούλου καί ὁ κ. Γεώργιος Ἐξάρχου ἀντήλλαξαν δακτυλίους ἐν Πειραιεῖ ἐνώπιον συγγενῶν καί φίλων. Ὁ κ. Δημήτριος Παπαδόπουλος καί ἡ δίς Ἑλένη Κωνσταντίνου ἀρραβωνίσθησαν εἰς Θεσσαλονίκην. Συγχαρητήρια τοῖς νέοις καί εὐχαί διά τήν εὐτυχίαν αὐτῶν. Πληροφορίαι εἰς τά γραφεῖα τῆς ἐφημερίδος καθ' ἑκάστην. Ὁ κ. Τόνες Μ. Καρακατσάνης καί ἡ δίς Ν. Χαριζίου ἐδωσαν ἀμοιβαίαν ὑπόσχεσιν γάμου ἐν Ἀθήναις τήν 23 Δεκεμβρίου. Ἐπίσης ἡ δίς Μαρία Ἀναγνωστοπούλου καί ὁ κ. Γεώργιος Ἐξάρχου ἀντήλλαξαν δακτυλίους ἐν Πειραιεῖ ἐνώπιον συγγενῶν καί φίλων. Ὁ κ. Δημήτριος Παπαδόπουλος καί ἡ δίς Ἑλένη Κωνσταντίνου ἀρραβωνίσθησαν εἰς Θεσσαλονίκην. Συγχαρητήρια τοῖς νέοις καί εὐχαί διά τήν εὐτυχίαν αὐτῶν. Πληροφορίαι εἰς τά γραφεῖα τῆς ἐφημερίδος καθ' ἑκάστην.

ΕΚΔΡΟΜΑΙ

Ὁ κ. Τόνες Μ. Καρακατσάνης καί ἡ δίς Ν. Χαριζίου ἐδωσαν ἀμοιβαίαν ὑπόσχεσιν γάμου ἐν Ἀθήναις τήν 23 Δεκεμβρίου. Ἐπίσης ἡ δίς Μαρία Ἀναγνωστοπούλου καί ὁ κ. Γεώργιος Ἐξάρχου ἀντήλλαξαν δακτυλίους ἐν Πειραιεῖ ἐνώπιον συγγενῶν καί φίλων. Ὁ κ. Δημήτριος Παπαδόπουλος καί ἡ δίς Ἑλένη Κωνσταντίνου ἀρραβωνίσθησαν εἰς Θεσσαλονίκην. Συγχαρητήρια τοῖς νέοις καί εὐχαί διά τήν εὐτυχίαν αὐτῶν. Πληροφορίαι εἰς τά γραφεῖα τῆς ἐφημερίδος καθ' ἑκάστην. Ὁ κ. Τόνες Μ. Καρακατσάνης καί ἡ δίς Ν. Χαριζίου ἐδωσαν ἀμοιβαίαν ὑπόσχεσιν γάμου ἐν Ἀθήναις τήν 23 Δεκεμβρίου. Ἐπίσης ἡ δίς Μαρία Ἀναγνωστοπούλου καί ὁ κ. Γεώργιος Ἐξάρχου ἀντήλλαξαν δακτυλίους ἐν Πειραιεῖ ἐνώπιον συγγενῶν καί φίλων. Ὁ κ. Δημήτριος Παπαδόπουλος καί ἡ δίς Ἑλένη Κωνσταντίνου ἀρραβωνίσθησαν εἰς Θεσσαλονίκην. Συγχαρητήρια τοῖς νέοις καί εὐχαί διά τήν εὐτυχίαν αὐτῶν. Πληροφορίαι εἰς τά γραφεῖα τῆς ἐφημερίδος καθ' ἑκάστην.

Ὁ κ. Τόνες Μ. Καρακατσάνης καί ἡ δίς Ν. Χαριζίου ἐδωσαν ἀμοιβαίαν ὑπόσχεσιν γάμου ἐν Ἀθήναις τήν 23 Δεκεμβρίου. Ἐπίσης ἡ δίς Μαρία Ἀναγνωστοπούλου καί ὁ κ. Γεώργιος Ἐξάρχου ἀντήλλαξαν δακτυλίους ἐν Πειραιεῖ ἐνώπιον συγγενῶν καί φίλων. Ὁ κ. Δημήτριος Παπαδόπουλος καί ἡ δίς Ἑλένη Κωνσταντίνου ἀρραβωνίσθησαν εἰς Θεσσαλονίκην. Συγχαρητήρια τοῖς νέοις καί εὐχαί διά τήν εὐτυχίαν αὐτῶν. Πληροφορίαι εἰς τά γραφεῖα τῆς ἐφημερίδος καθ' ἑκάστην. Ὁ κ. Τόνες Μ. Καρακατσάνης καί ἡ δίς Ν. Χαριζίου ἐδωσαν ἀμοιβαίαν ὑπόσχεσιν γάμου ἐν Ἀθήναις τήν 23 Δεκεμβρίου. Ἐπίσης ἡ δίς Μαρία Ἀναγνωστοπούλου καί ὁ κ. Γεώργιος Ἐξάρχου ἀντήλλαξαν δακτυλίους ἐν Πειραιεῖ ἐνώπιον συγγενῶν καί φίλων. Ὁ κ. Δημήτριος Παπαδόπουλος καί ἡ δίς Ἑλένη Κωνσταντίνου ἀρραβωνίσθησαν εἰς Θεσσαλονίκην. Συγχαρητήρια τοῖς νέοις καί εὐχαί διά τήν εὐτυχίαν αὐτῶν. Πληροφορίαι εἰς τά γραφεῖα τῆς ἐφημερίδος καθ' ἑκάστην.

ΚΗΔΕΙΑΙ

Ὁ κ. Τόνες Μ. Καρακατσάνης καί ἡ δίς Ν. Χαριζίου ἐδωσαν ἀμοιβαίαν ὑπόσχεσιν γάμου ἐν Ἀθήναις τήν 23 Δεκεμβρίου. Ἐπίσης ἡ δίς Μαρία Ἀναγνωστοπούλου καί ὁ κ. Γεώργιος Ἐξάρχου ἀντήλλαξαν δακτυλίους ἐν Πειραιεῖ ἐνώπιον συγγενῶν καί φίλων. Ὁ κ. Δημήτριος Παπαδόπουλος καί ἡ δίς Ἑλένη Κωνσταντίνου ἀρραβωνίσθησαν εἰς Θεσσαλονίκην. Συγχαρητήρια τοῖς νέοις καί εὐχαί διά τήν εὐτυχίαν αὐτῶν. Πληροφορίαι εἰς τά γραφεῖα τῆς ἐφημερίδος καθ' ἑκάστην. Ὁ κ. Τόνες Μ. Καρακατσάνης καί ἡ δίς Ν. Χαριζίου ἐδωσαν ἀμοιβαίαν ὑπόσχεσιν γάμου ἐν Ἀθήναις τήν 23 Δεκεμβρίου. Ἐπίσης ἡ δίς Μαρία Ἀναγνωστοπούλου καί ὁ κ. Γεώργιος Ἐξάρχου ἀντήλλαξαν δακτυλίους ἐν Πειραιεῖ ἐνώπιον συγγενῶν καί φίλων. Ὁ κ. Δημήτριος Παπαδόπουλος καί ἡ δίς Ἑλένη Κωνσταντίνου ἀρραβωνίσθησαν εἰς Θεσσαλονίκην. Συγχαρητήρια τοῖς νέοις καί εὐχαί διά τήν εὐτυχίαν αὐτῶν. Πληροφορίαι εἰς τά γραφεῖα τῆς ἐφημερίδος καθ' ἑκάστην.

Ὁ κ. Τόνες Μ. Καρακατσάνης καί ἡ δίς Ν. Χαριζίου ἐδωσαν ἀμοιβαίαν ὑπόσχεσιν γάμου ἐν Ἀθήναις τήν 23 Δεκεμβρίου. Ἐπίσης ἡ δίς Μαρία Ἀναγνωστοπούλου καί ὁ κ. Γεώργιος Ἐξάρχου ἀντήλλαξαν δακτυλίους ἐν Πειραιεῖ ἐνώπιον συγγενῶν καί φίλων. Ὁ κ. Δημήτριος Παπαδόπουλος καί ἡ δίς Ἑλένη Κωνσταντίνου ἀρραβωνίσθησαν εἰς Θεσσαλονίκην. Συγχαρητήρια τοῖς νέοις καί εὐχαί διά τήν εὐτυχίαν αὐτῶν. Πληροφορίαι εἰς τά γραφεῖα τῆς ἐφημερίδος καθ' ἑκάστην. Ὁ κ. Τόνες Μ. Καρακατσάνης καί ἡ δίς Ν. Χαριζίου ἐδωσαν ἀμοιβαίαν ὑπόσχεσιν γάμου ἐν Ἀθήναις τήν 23 Δεκεμβρίου. Ἐπίσης ἡ δίς Μαρία Ἀναγνωστοπούλου καί ὁ κ. Γεώργιος Ἐξάρχου ἀντήλλαξαν δακτυλίους ἐν Πειραιεῖ ἐνώπιον συγγενῶν καί φίλων. Ὁ κ. Δημήτριος Παπαδόπουλος καί ἡ δίς Ἑλένη Κωνσταντίνου ἀρραβωνίσθησαν εἰς Θεσσαλονίκην. Συγχαρητήρια τοῖς νέοις καί εὐχαί διά τήν εὐτυχίαν αὐτῶν. Πληροφορίαι εἰς τά γραφεῖα τῆς ἐφημερίδος καθ' ἑκάστην.

Ὁ κ. Τόνες Μ. Καρακατσάνης καί ἡ δίς Ν. Χαριζίου ἐδωσαν ἀμοιβαίαν ὑπόσχεσιν γάμου ἐν Ἀθήναις τήν 23 Δεκεμβρίου. Ἐπίσης ἡ δίς Μαρία Ἀναγνωστοπούλου καί ὁ κ. Γεώργιος Ἐξάρχου ἀντήλλαξαν δακτυλίους ἐν Πειραιεῖ ἐνώπιον συγγενῶν καί φίλων. Ὁ κ. Δημήτριος Παπαδόπουλος καί ἡ δίς Ἑλένη Κωνσταντίνου ἀρραβωνίσθησαν εἰς Θεσσαλονίκην. Συγχαρητήρια τοῖς νέοις καί εὐχαί διά τήν εὐτυχίαν αὐτῶν. Πληροφορίαι εἰς τά γραφεῖα τῆς ἐφημερίδος καθ' ἑκάστην. Ὁ κ. Τόνες Μ. Καρακατσάνης καί ἡ δίς Ν. Χαριζίου ἐδωσαν ἀμοιβαίαν ὑπόσχεσιν γάμου ἐν Ἀθήναις τήν 23 Δεκεμβρίου. Ἐπίσης ἡ δίς Μαρία Ἀναγνωστοπούλου καί ὁ κ. Γεώργιος Ἐξάρχου ἀντήλλαξαν δακτυλίους ἐν Πειραιεῖ ἐνώπιον συγγενῶν καί φίλων. Ὁ κ. Δημήτριος Παπαδόπουλος καί ἡ δίς Ἑλένη Κωνσταντίνου ἀρραβωνίσθησαν εἰς Θεσσαλονίκην. Συγχαρητήρια τοῖς νέοις καί εὐχαί διά τήν εὐτυχίαν αὐτῶν. Πληροφορίαι εἰς τά γραφεῖα τῆς ἐφημερίδος καθ' ἑκάστην.

Εἰς μίαν συνοικίαν τῶν Ἀθηνῶν
13 ΠΑΙΔΑΚΙΑ ΕΤΡΑΥΜΑΤΙΣΘΗΣΑΝ ΕΝΩ ΕΠΑΙΖΑΝ ΑΜΕΡΙΜΝΑ ΕΞ ΕΚΡΗΞΕΩΣ ΠΑΛΑΙΟΥ ΒΛΗΜΑΤΟΣ
Ἐν ἐξ αὐτῶν ἀνεῦρε παλαιόν βλῆμα
ὅλμου ἤ παλαιάν χειροβομβίδα τήν ὁποί-
αν προσεπάθει νά ἀνοίξῃ μέ ἕνα καρφί.
ΣΦΟΔΡΑ ΕΚΡΗΞΙΣ ΕΔΟΝΗΣΕ ΤΗΝ ΠΕΡΙΟΧΗΝ

Ὁ κ. Τόνες Μ. Καρακατσάνης καί ἡ δίς Ν. Χαριζίου ἐδωσαν ἀμοιβαίαν ὑπόσχεσιν γάμου ἐν Ἀθήναις τήν 23 Δεκεμβρίου. Ἐπίσης ἡ δίς Μαρία Ἀναγνωστοπούλου καί ὁ κ. Γεώργιος Ἐξάρχου ἀντήλλαξαν δακτυλίους ἐν Πειραιεῖ ἐνώπιον συγγενῶν καί φίλων. Ὁ κ. Δημήτριος Παπαδόπουλος καί ἡ δίς Ἑλένη Κωνσταντίνου ἀρραβωνίσθησαν εἰς Θεσσαλονίκην. Συγχαρητήρια τοῖς νέοις καί εὐχαί διά τήν εὐτυχίαν αὐτῶν. Πληροφορίαι εἰς τά γραφεῖα τῆς ἐφημερίδος καθ' ἑκάστην. Ὁ κ. Τόνες Μ. Καρακατσάνης καί ἡ δίς Ν. Χαριζίου ἐδωσαν ἀμοιβαίαν ὑπόσχεσιν γάμου ἐν Ἀθήναις τήν 23 Δεκεμβρίου. Ἐπίσης ἡ δίς Μαρία Ἀναγνωστοπούλου καί ὁ κ. Γεώργιος Ἐξάρχου ἀντήλλαξαν δακτυλίους ἐν Πειραιεῖ ἐνώπιον συγγενῶν καί φίλων. Ὁ κ. Δημήτριος Παπαδόπουλος καί ἡ δίς Ἑλένη Κωνσταντίνου ἀρραβωνίσθησαν εἰς Θεσσαλονίκην. Συγχαρητήρια τοῖς νέοις καί εὐχαί διά τήν εὐτυχίαν αὐτῶν. Πληροφορίαι εἰς τά γραφεῖα τῆς ἐφημερίδος καθ' ἑκάστην.

Ὁ κ. Τόνες Μ. Καρακατσάνης καί ἡ δίς Ν. Χαριζίου ἐδωσαν ἀμοιβαίαν ὑπόσχεσιν γάμου ἐν Ἀθήναις τήν 23 Δεκεμβρίου. Ἐπίσης ἡ δίς Μαρία Ἀναγνωστοπούλου καί ὁ κ. Γεώργιος Ἐξάρχου ἀντήλλαξαν δακτυλίους ἐν Πειραιεῖ ἐνώπιον συγγενῶν καί φίλων. Ὁ κ. Δημήτριος Παπαδόπουλος καί ἡ δίς Ἑλένη Κωνσταντίνου ἀρραβωνίσθησαν εἰς Θεσσαλονίκην. Συγχαρητήρια τοῖς νέοις καί εὐχαί διά τήν εὐτυχίαν αὐτῶν. Πληροφορίαι εἰς τά γραφεῖα τῆς ἐφημερίδος καθ' ἑκάστην. Ὁ κ. Τόνες Μ. Καρακατσάνης καί ἡ δίς Ν. Χαριζίου ἐδωσαν ἀμοιβαίαν ὑπόσχεσιν γάμου ἐν Ἀθήναις τήν 23 Δεκεμβρίου. Ἐπίσης ἡ δίς Μαρία Ἀναγνωστοπούλου καί ὁ κ. Γεώργιος Ἐξάρχου ἀντήλλαξαν δακτυλίους ἐν Πειραιεῖ ἐνώπιον συγγενῶν καί φίλων. Ὁ κ. Δημήτριος Παπαδόπουλος καί ἡ δίς Ἑλένη Κωνσταντίνου ἀρραβωνίσθησαν εἰς Θεσσαλονίκην. Συγχαρητήρια τοῖς νέοις καί εὐχαί διά τήν εὐτυχίαν αὐτῶν. Πληροφορίαι εἰς τά γραφεῖα τῆς ἐφημερίδος καθ' ἑκάστην.

Ὁ κ. Τόνες Μ. Καρακατσάνης καί ἡ δίς Ν. Χαριζίου ἐδωσαν ἀμοιβαίαν ὑπόσχεσιν γάμου ἐν Ἀθήναις τήν 23 Δεκεμβρίου. Ἐπίσης ἡ δίς Μαρία Ἀναγνωστοπούλου καί ὁ κ. Γεώργιος Ἐξάρχου ἀντήλλαξαν δακτυλίους ἐν Πειραιεῖ ἐνώπιον συγγενῶν καί φίλων. Ὁ κ. Δημήτριος Παπαδόπουλος καί ἡ δίς Ἑλένη Κωνσταντίνου ἀρραβωνίσθησαν εἰς Θεσσαλονίκην. Συγχαρητήρια τοῖς νέοις καί εὐχαί διά τήν εὐτυχίαν αὐτῶν. Πληροφορίαι εἰς τά γραφεῖα τῆς ἐφημερίδος καθ' ἑκάστην. Ὁ κ. Τόνες Μ. Καρακατσάνης καί ἡ δίς Ν. Χαριζίου ἐδωσαν ἀμοιβαίαν ὑπόσχεσιν γάμου ἐν Ἀθήναις τήν 23 Δεκεμβρίου. Ἐπίσης ἡ δίς Μαρία Ἀναγνωστοπούλου καί ὁ κ. Γεώργιος Ἐξάρχου ἀντήλλαξαν δακτυλίους ἐν Πειραιεῖ ἐνώπιον συγγενῶν καί φίλων. Ὁ κ. Δημήτριος Παπαδόπουλος καί ἡ δίς Ἑλένη Κωνσταντίνου ἀρραβωνίσθησαν εἰς Θεσσαλονίκην. Συγχαρητήρια τοῖς νέοις καί εὐχαί διά τήν εὐτυχίαν αὐτῶν. Πληροφορίαι εἰς τά γραφεῖα τῆς ἐφημερίδος καθ' ἑκάστην.

Ὁ κ. Τόνες Μ. Καρακατσάνης καί ἡ δίς Ν. Χαριζίου ἐδωσαν ἀμοιβαίαν ὑπόσχεσιν γάμου ἐν Ἀθήναις τήν 23 Δεκεμβρίου. Ἐπίσης ἡ δίς Μαρία Ἀναγνωστοπούλου καί ὁ κ. Γεώργιος Ἐξάρχου ἀντήλλαξαν δακτυλίους ἐν Πειραιεῖ ἐνώπιον συγγενῶν καί φίλων. Ὁ κ. Δημήτριος Παπαδόπουλος καί ἡ δίς Ἑλένη Κωνσταντίνου ἀρραβωνίσθησαν εἰς Θεσσαλονίκην. Συγχαρητήρια τοῖς νέοις καί εὐχαί διά τήν εὐτυχίαν αὐτῶν. Πληροφορίαι εἰς τά γραφεῖα τῆς ἐφημερίδος καθ' ἑκάστην. Ὁ κ. Τόνες Μ. Καρακατσάνης καί ἡ δίς Ν. Χαριζίου ἐδωσαν ἀμοιβαίαν ὑπόσχεσιν γάμου ἐν Ἀθήναις τήν 23 Δεκεμβρίου. Ἐπίσης ἡ δίς Μαρία Ἀναγνωστοπούλου καί ὁ κ. Γεώργιος Ἐξάρχου ἀντήλλαξαν δακτυλίους ἐν Πειραιεῖ ἐνώπιον συγγενῶν καί φίλων. Ὁ κ. Δημήτριος Παπαδόπουλος καί ἡ δίς Ἑλένη Κωνσταντίνου ἀρραβωνίσθησαν εἰς Θεσσαλονίκην. Συγχαρητήρια τοῖς νέοις καί εὐχαί διά τήν εὐτυχίαν αὐτῶν. Πληροφορίαι εἰς τά γραφεῖα τῆς ἐφημερίδος καθ' ἑκάστην.

Ὁμιλοῦν οἱ ἁρμόδιοι
ΤΟΣΟΝ ΟΣΤΡΑΤΟΣ ΞΗΡΑΣ ΟΣΟΝ ΚΑΙ ΤΟ ΝΑΥΤΙΚΟΝ
ΕΙΝΑΙ ΕΙΣ ΥΨΗΛΟΝ ΕΠΙΠΕΔΟΝ ΕΚΠΑΙΔΕΥΣΕΩΣ ΚΑΙ ΟΠΛΙΣΜΟΥ

Ὁ κ. Τόνες Μ. Καρακατσάνης καί ἡ δίς Ν. Χαριζίου ἐδωσαν ἀμοιβαίαν ὑπόσχεσιν γάμου ἐν Ἀθήναις τήν 23 Δεκεμβρίου. Ἐπίσης ἡ δίς Μαρία Ἀναγνωστοπούλου καί ὁ κ. Γεώργιος Ἐξάρχου ἀντήλλαξαν δακτυλίους ἐν Πειραιεῖ ἐνώπιον συγγενῶν καί φίλων. Ὁ κ. Δημήτριος Παπαδόπουλος καί ἡ δίς Ἑλένη Κωνσταντίνου ἀρραβωνίσθησαν εἰς Θεσσαλονίκην. Συγχαρητήρια τοῖς νέοις καί εὐχαί διά τήν εὐτυχίαν αὐτῶν. Πληροφορίαι εἰς τά γραφεῖα τῆς ἐφημερίδος καθ' ἑκάστην. Ὁ κ. Τόνες Μ. Καρακατσάνης καί ἡ δίς Ν. Χαριζίου ἐδωσαν ἀμοιβαίαν ὑπόσχεσιν γάμου ἐν Ἀθήναις τήν 23 Δεκεμβρίου. Ἐπίσης ἡ δίς Μαρία Ἀναγνωστοπούλου καί ὁ κ. Γεώργιος Ἐξάρχου ἀντήλλαξαν δακτυλίους ἐν Πειραιεῖ ἐνώπιον συγγενῶν καί φίλων. Ὁ κ. Δημήτριος Παπαδόπουλος καί ἡ δίς Ἑλένη Κωνσταντίνου ἀρραβωνίσθησαν εἰς Θεσσαλονίκην. Συγχαρητήρια τοῖς νέοις καί εὐχαί διά τήν εὐτυχίαν αὐτῶν. Πληροφορίαι εἰς τά γραφεῖα τῆς ἐφημερίδος καθ' ἑκάστην.

Ὁ κ. Τόνες Μ. Καρακατσάνης καί ἡ δίς Ν. Χαριζίου ἐδωσαν ἀμοιβαίαν ὑπόσχεσιν γάμου ἐν Ἀθήναις τήν 23 Δεκεμβρίου. Ἐπίσης ἡ δίς Μαρία Ἀναγνωστοπούλου καί ὁ κ. Γεώργιος Ἐξάρχου ἀντήλλαξαν δακτυλίους ἐν Πειραιεῖ ἐνώπιον συγγενῶν καί φίλων. Ὁ κ. Δημήτριος Παπαδόπουλος καί ἡ δίς Ἑλένη Κωνσταντίνου ἀρραβωνίσθησαν εἰς Θεσσαλονίκην. Συγχαρητήρια τοῖς νέοις καί εὐχαί διά τήν εὐτυχίαν αὐτῶν. Πληροφορίαι εἰς τά γραφεῖα τῆς ἐφημερίδος καθ' ἑκάστην. Ὁ κ. Τόνες Μ. Καρακατσάνης καί ἡ δίς Ν. Χαριζίου ἐδωσαν ἀμοιβαίαν ὑπόσχεσιν γάμου ἐν Ἀθήναις τήν 23 Δεκεμβρίου. Ἐπίσης ἡ δίς Μαρία Ἀναγνωστοπούλου καί ὁ κ. Γεώργιος Ἐξάρχου ἀντήλλαξαν δακτυλίους ἐν Πειραιεῖ ἐνώπιον συγγενῶν καί φίλων. Ὁ κ. Δημήτριος Παπαδόπουλος καί ἡ δίς Ἑλένη Κωνσταντίνου ἀρραβωνίσθησαν εἰς Θεσσαλονίκην. Συγχαρητήρια τοῖς νέοις καί εὐχαί διά τήν εὐτυχίαν αὐτῶν. Πληροφορίαι εἰς τά γραφεῖα τῆς ἐφημερίδος καθ' ἑκάστην.

Ὁ κ. Τόνες Μ. Καρακατσάνης καί ἡ δίς Ν. Χαριζίου ἐδωσαν ἀμοιβαίαν ὑπόσχεσιν γάμου ἐν Ἀθήναις τήν 23 Δεκεμβρίου. Ἐπίσης ἡ δίς Μαρία Ἀναγνωστοπούλου καί ὁ κ. Γεώργιος Ἐξάρχου ἀντήλλαξαν δακτυλίους ἐν Πειραιεῖ ἐνώπιον συγγενῶν καί φίλων. Ὁ κ. Δημήτριος Παπαδόπουλος καί ἡ δίς Ἑλένη Κωνσταντίνου ἀρραβωνίσθησαν εἰς Θεσσαλονίκην. Συγχαρητήρια τοῖς νέοις καί εὐχαί διά τήν εὐτυχίαν αὐτῶν. Πληροφορίαι εἰς τά γραφεῖα τῆς ἐφημερίδος καθ' ἑκάστην. Ὁ κ. Τόνες Μ. Καρακατσάνης καί ἡ δίς Ν. Χαριζίου ἐδωσαν ἀμοιβαίαν ὑπόσχεσιν γάμου ἐν Ἀθήναις τήν 23 Δεκεμβρίου. Ἐπίσης ἡ δίς Μαρία Ἀναγνωστοπούλου καί ὁ κ. Γεώργιος Ἐξάρχου ἀντήλλαξαν δακτυλίους ἐν Πειραιεῖ ἐνώπιον συγγενῶν καί φίλων. Ὁ κ. Δημήτριος Παπαδόπουλος καί ἡ δίς Ἑλένη Κωνσταντίνου ἀρραβωνίσθησαν εἰς Θεσσαλονίκην. Συγχαρητήρια τοῖς νέοις καί εὐχαί διά τήν εὐτυχίαν αὐτῶν. Πληροφορίαι εἰς τά γραφεῖα τῆς ἐφημερίδος καθ' ἑκάστην.

Ὁ κ. Τόνες Μ. Καρακατσάνης καί ἡ δίς Ν. Χαριζίου ἐδωσαν ἀμοιβαίαν ὑπόσχεσιν γάμου ἐν Ἀθήναις τήν 23 Δεκεμβρίου. Ἐπίσης ἡ δίς Μαρία Ἀναγνωστοπούλου καί ὁ κ. Γεώργιος Ἐξάρχου ἀντήλλαξαν δακτυλίους ἐν Πειραιεῖ ἐνώπιον συγγενῶν καί φίλων. Ὁ κ. Δημήτριος Παπαδόπουλος καί ἡ δίς Ἑλένη Κωνσταντίνου ἀρραβωνίσθησαν εἰς Θεσσαλονίκην. Συγχαρητήρια τοῖς νέοις καί εὐχαί διά τήν εὐτυχίαν αὐτῶν. Πληροφορίαι εἰς τά γραφεῖα τῆς ἐφημερίδος καθ' ἑκάστην. Ὁ κ. Τόνες Μ. Καρακατσάνης καί ἡ δίς Ν. Χαριζίου ἐδωσαν ἀμοιβαίαν ὑπόσχεσιν γάμου ἐν Ἀθήναις τήν 23 Δεκεμβρίου. Ἐπίσης ἡ δίς Μαρία Ἀναγνωστοπούλου καί ὁ κ. Γεώργιος Ἐξάρχου ἀντήλλαξαν δακτυλίους ἐν Πειραιεῖ ἐνώπιον συγγενῶν καί φίλων. Ὁ κ. Δημήτριος Παπαδόπουλος καί ἡ δίς Ἑλένη Κωνσταντίνου ἀρραβωνίσθησαν εἰς Θεσσαλονίκην. Συγχαρητήρια τοῖς νέοις καί εὐχαί διά τήν εὐτυχίαν αὐτῶν. Πληροφορίαι εἰς τά γραφεῖα τῆς ἐφημερίδος καθ' ἑκάστην.

ΑΝΕΚΟΙΝΩΘΗ ΤΟ ΠΡΟΓΡΑΜΜΑ ΕΠΕΚΤΑΣΕΩΣ ΤΩΝ ΔΙΚΤΥΩΝ ΤΗΛΕΠΙΚΟΙΝΩΝΙΩΝ ΤΗΣ ΧΩΡΑΣ
ΕΤΕΡΑ 2.600 ΤΗΛΕΦΩΝΑ ΕΙΣ ΘΕΣΣΑΛΟΝΙΚΗΝ

Ὁ κ. Τόνες Μ. Καρακατσάνης καί ἡ δίς Ν. Χαριζίου ἐδωσαν ἀμοιβαίαν ὑπόσχεσιν γάμου ἐν Ἀθήναις τήν 23 Δεκεμβρίου. Ἐπίσης ἡ δίς Μαρία Ἀναγνωστοπούλου καί ὁ κ. Γεώργιος Ἐξάρχου ἀντήλλαξαν δακτυλίους ἐν Πειραιεῖ ἐνώπιον συγγενῶν καί φίλων. Ὁ κ. Δημήτριος Παπαδόπουλος καί ἡ δίς Ἑλένη Κωνσταντίνου ἀρραβωνίσθησαν εἰς Θεσσαλονίκην. Συγχαρητήρια τοῖς νέοις καί εὐχαί διά τήν εὐτυχίαν αὐτῶν. Πληροφορίαι εἰς τά γραφεῖα τῆς ἐφημερίδος καθ' ἑκάστην. Ὁ κ. Τόνες Μ. Καρακατσάνης καί ἡ δίς Ν. Χαριζίου ἐδωσαν ἀμοιβαίαν ὑπόσχεσιν γάμου ἐν Ἀθήναις τήν 23 Δεκεμβρίου. Ἐπίσης ἡ δίς Μαρία Ἀναγνωστοπούλου καί ὁ κ. Γεώργιος Ἐξάρχου ἀντήλλαξαν δακτυλίους ἐν Πειραιεῖ ἐνώπιον συγγενῶν καί φίλων. Ὁ κ. Δημήτριος Παπαδόπουλος καί ἡ δίς Ἑλένη Κωνσταντίνου ἀρραβωνίσθησαν εἰς Θεσσαλονίκην. Συγχαρητήρια τοῖς νέοις καί εὐχαί διά τήν εὐτυχίαν αὐτῶν. Πληροφορίαι εἰς τά γραφεῖα τῆς ἐφημερίδος καθ' ἑκάστην.

Ὁ κ. Τόνες Μ. Καρακατσάνης καί ἡ δίς Ν. Χαριζίου ἐδωσαν ἀμοιβαίαν ὑπόσχεσιν γάμου ἐν Ἀθήναις τήν 23 Δεκεμβρίου. Ἐπίσης ἡ δίς Μαρία Ἀναγνωστοπούλου καί ὁ κ. Γεώργιος Ἐξάρχου ἀντήλλαξαν δακτυλίους ἐν Πειραιεῖ ἐνώπιον συγγενῶν καί φίλων. Ὁ κ. Δημήτριος Παπαδόπουλος καί ἡ δίς Ἑλένη Κωνσταντίνου ἀρραβωνίσθησαν εἰς Θεσσαλονίκην. Συγχαρητήρια τοῖς νέοις καί εὐχαί διά τήν εὐτυχίαν αὐτῶν. Πληροφορίαι εἰς τά γραφεῖα τῆς ἐφημερίδος καθ' ἑκάστην. Ὁ κ. Τόνες Μ. Καρακατσάνης καί ἡ δίς Ν. Χαριζίου ἐδωσαν ἀμοιβαίαν ὑπόσχεσιν γάμου ἐν Ἀθήναις τήν 23 Δεκεμβρίου. Ἐπίσης ἡ δίς Μαρία Ἀναγνωστοπούλου καί ὁ κ. Γεώργιος Ἐξάρχου ἀντήλλαξαν δακτυλίους ἐν Πειραιεῖ ἐνώπιον συγγενῶν καί φίλων. Ὁ κ. Δημήτριος Παπαδόπουλος καί ἡ δίς Ἑλένη Κωνσταντίνου ἀρραβωνίσθησαν εἰς Θεσσαλονίκην. Συγχαρητήρια τοῖς νέοις καί εὐχαί διά τήν εὐτυχίαν αὐτῶν. Πληροφορίαι εἰς τά γραφεῖα τῆς ἐφημερίδος καθ' ἑκάστην.

Ὁ κ. Τόνες Μ. Καρακατσάνης καί ἡ δίς Ν. Χαριζίου ἐδωσαν ἀμοιβαίαν ὑπόσχεσιν γάμου ἐν Ἀθήναις τήν 23 Δεκεμβρίου. Ἐπίσης ἡ δίς Μαρία Ἀναγνωστοπούλου καί ὁ κ. Γεώργιος Ἐξάρχου ἀντήλλαξαν δακτυλίους ἐν Πειραιεῖ ἐνώπιον συγγενῶν καί φίλων. Ὁ κ. Δημήτριος Παπαδόπουλος καί ἡ δίς Ἑλένη Κωνσταντίνου ἀρραβωνίσθησαν εἰς Θεσσαλονίκην. Συγχαρητήρια τοῖς νέοις καί εὐχαί διά τήν εὐτυχίαν αὐτῶν. Πληροφορίαι εἰς τά γραφεῖα τῆς ἐφημερίδος καθ' ἑκάστην. Ὁ κ. Τόνες Μ. Καρακατσάνης καί ἡ δίς Ν. Χαριζίου ἐδωσαν ἀμοιβαίαν ὑπόσχεσιν γάμου ἐν Ἀθήναις τήν 23 Δεκεμβρίου. Ἐπίσης ἡ δίς Μαρία Ἀναγνωστοπούλου καί ὁ κ. Γεώργιος Ἐξάρχου ἀντήλλαξαν δακτυλίους ἐν Πειραιεῖ ἐνώπιον συγγενῶν καί φίλων. Ὁ κ. Δημήτριος Παπαδόπουλος καί ἡ δίς Ἑλένη Κωνσταντίνου ἀρραβωνίσθησαν εἰς Θεσσαλονίκην. Συγχαρητήρια τοῖς νέοις καί εὐχαί διά τήν εὐτυχίαν αὐτῶν. Πληροφορίαι εἰς τά γραφεῖα τῆς ἐφημερίδος καθ' ἑκάστην.

Ὁ κ. Τόνες Μ. Καρακατσάνης καί ἡ δίς Ν. Χαριζίου ἐδωσαν ἀμοιβαίαν ὑπόσχεσιν γάμου ἐν Ἀθήναις τήν 23 Δεκεμβρίου. Ἐπίσης ἡ δίς Μαρία Ἀναγνωστοπούλου καί ὁ κ. Γεώργιος Ἐξάρχου ἀντήλλαξαν δακτυλίους ἐν Πειραιεῖ ἐνώπιον συγγενῶν καί φίλων. Ὁ κ. Δημήτριος Παπαδόπουλος καί ἡ δίς Ἑλένη Κωνσταντίνου ἀρραβωνίσθησαν εἰς Θεσσαλονίκην. Συγχαρητήρια τοῖς νέοις καί εὐχαί διά τήν εὐτυχίαν αὐτῶν. Πληροφορίαι εἰς τά γραφεῖα τῆς ἐφημερίδος καθ' ἑκάστην. Ὁ κ. Τόνες Μ. Καρακατσάνης καί ἡ δίς Ν. Χαριζίου ἐδωσαν ἀμοιβαίαν ὑπόσχεσιν γάμου ἐν Ἀθήναις τήν 23 Δεκεμβρίου. Ἐπίσης ἡ δίς Μαρία Ἀναγνωστοπούλου καί ὁ κ. Γεώργιος Ἐξάρχου ἀντήλλαξαν δακτυλίους ἐν Πειραιεῖ ἐνώπιον συγγενῶν καί φίλων. Ὁ κ. Δημήτριος Παπαδόπουλος καί ἡ δίς Ἑλένη Κωνσταντίνου ἀρραβωνίσθησαν εἰς Θεσσαλονίκην. Συγχαρητήρια τοῖς νέοις καί εὐχαί διά τήν εὐτυχίαν αὐτῶν. Πληροφορίαι εἰς τά γραφεῖα τῆς ἐφημερίδος καθ' ἑκάστην.

ΑΝΑΣΤΕΛΛΕΤΑΙ ΕΠΙ ΕΝ ΤΡΙΜΗΝΟΝ ΕΙΣΕΤΙ Η ΚΑΤΑΤΑΞΙΣ ΤΩΝ ΦΟΙΤΗΤΩΝ ΙΑΤΡΙΚΗΣ ΗΜΕΔΑΠΗΣ ΚΑΙ ΑΛΛΟΔΑΠΗΣ ΤΗΣ 49ΗΣ ΕΣΣΟ

Ὁ κ. Τόνες Μ. Καρακατσάνης καί ἡ δίς Ν. Χαριζίου ἐδωσαν ἀμοιβαίαν ὑπόσχεσιν γάμου ἐν Ἀθήναις τήν 23 Δεκεμβρίου. Ἐπίσης ἡ δίς Μαρία Ἀναγνωστοπούλου καί ὁ κ. Γεώργιος Ἐξάρχου ἀντήλλαξαν δακτυλίους ἐν Πειραιεῖ ἐνώπιον συγγενῶν καί φίλων. Ὁ κ. Δημήτριος Παπαδόπουλος καί ἡ δίς Ἑλένη Κωνσταντίνου ἀρραβωνίσθησαν εἰς Θεσσαλονίκην. Συγχαρητήρια τοῖς νέοις καί εὐχαί διά τήν εὐτυχίαν αὐτῶν. Πληροφορίαι εἰς τά γραφεῖα τῆς ἐφημερίδος καθ' ἑκάστην. Ὁ κ. Τόνες Μ. Καρακατσάνης καί ἡ δίς Ν. Χαριζίου ἐδωσαν ἀμοιβαίαν ὑπόσχεσιν γάμου ἐν Ἀθήναις τήν 23 Δεκεμβρίου. Ἐπίσης ἡ δίς Μαρία Ἀναγνωστοπούλου καί ὁ κ. Γεώργιος Ἐξάρχου ἀντήλλαξαν δακτυλίους ἐν Πειραιεῖ ἐνώπιον συγγενῶν καί φίλων. Ὁ κ. Δημήτριος Παπαδόπουλος καί ἡ δίς Ἑλένη Κωνσταντίνου ἀρραβωνίσθησαν εἰς Θεσσαλονίκην. Συγχαρητήρια τοῖς νέοις καί εὐχαί διά τήν εὐτυχίαν αὐτῶν. Πληροφορίαι εἰς τά γραφεῖα τῆς ἐφημερίδος καθ' ἑκάστην.

Ὁ κ. Τόνες Μ. Καρακατσάνης καί ἡ δίς Ν. Χαριζίου ἐδωσαν ἀμοιβαίαν ὑπόσχεσιν γάμου ἐν Ἀθήναις τήν 23 Δεκεμβρίου. Ἐπίσης ἡ δίς Μαρία Ἀναγνωστοπούλου καί ὁ κ. Γεώργιος Ἐξάρχου ἀντήλλαξαν δακτυλίους ἐν Πειραιεῖ ἐνώπιον συγγενῶν καί φίλων. Ὁ κ. Δημήτριος Παπαδόπουλος καί ἡ δίς Ἑλένη Κωνσταντίνου ἀρραβωνίσθησαν εἰς Θεσσαλονίκην. Συγχαρητήρια τοῖς νέοις καί εὐχαί διά τήν εὐτυχίαν αὐτῶν. Πληροφορίαι εἰς τά γραφεῖα τῆς ἐφημερίδος καθ' ἑκάστην. Ὁ κ. Τόνες Μ. Καρακατσάνης καί ἡ δίς Ν. Χαριζίου ἐδωσαν ἀμοιβαίαν ὑπόσχεσιν γάμου ἐν Ἀθήναις τήν 23 Δεκεμβρίου. Ἐπίσης ἡ δίς Μαρία Ἀναγνωστοπούλου καί ὁ κ. Γεώργιος Ἐξάρχου ἀντήλλαξαν δακτυλίους ἐν Πειραιεῖ ἐνώπιον συγγενῶν καί φίλων. Ὁ κ. Δημήτριος Παπαδόπουλος καί ἡ δίς Ἑλένη Κωνσταντίνου ἀρραβωνίσθησαν εἰς Θεσσαλονίκην. Συγχαρητήρια τοῖς νέοις καί εὐχαί διά τήν εὐτυχίαν αὐτῶν. Πληροφορίαι εἰς τά γραφεῖα τῆς ἐφημερίδος καθ' ἑκάστην.

Η ΚΑΣΤΟΡΙΑ ΠΡΟΕΤΟΙΜΑΖΕΤΑΙ ΔΙΑ ΤΟ ΕΦΕΤΕΙΝΟΝ ΚΑΡΝΑΒΑΛΙ

Ὁ κ. Τόνες Μ. Καρακατσάνης καί ἡ δίς Ν. Χαριζίου ἐδωσαν ἀμοιβαίαν ὑπόσχεσιν γάμου ἐν Ἀθήναις τήν 23 Δεκεμβρίου. Ἐπίσης ἡ δίς Μαρία Ἀναγνωστοπούλου καί ὁ κ. Γεώργιος Ἐξάρχου ἀντήλλαξαν δακτυλίους ἐν Πειραιεῖ ἐνώπιον συγγενῶν καί φίλων. Ὁ κ. Δημήτριος Παπαδόπουλος καί ἡ δίς Ἑλένη Κωνσταντίνου ἀρραβωνίσθησαν εἰς Θεσσαλονίκην. Συγχαρητήρια τοῖς νέοις καί εὐχαί διά τήν εὐτυχίαν αὐτῶν. Πληροφορίαι εἰς τά γραφεῖα τῆς ἐφημερίδος καθ' ἑκάστην. Ὁ κ. Τόνες Μ. Καρακατσάνης καί ἡ δίς Ν. Χαριζίου ἐδωσαν ἀμοιβαίαν ὑπόσχεσιν γάμου ἐν Ἀθήναις τήν 23 Δεκεμβρίου. Ἐπίσης ἡ δίς Μαρία Ἀναγνωστοπούλου καί ὁ κ. Γεώργιος Ἐξάρχου ἀντήλλαξαν δακτυλίους ἐν Πειραιεῖ ἐνώπιον συγγενῶν καί φίλων. Ὁ κ. Δημήτριος Παπαδόπουλος καί ἡ δίς Ἑλένη Κωνσταντίνου ἀρραβωνίσθησαν εἰς Θεσσαλονίκην. Συγχαρητήρια τοῖς νέοις καί εὐχαί διά τήν εὐτυχίαν αὐτῶν. Πληροφορίαι εἰς τά γραφεῖα τῆς ἐφημερίδος καθ' ἑκάστην.

Ὁ κ. Τόνες Μ. Καρακατσάνης καί ἡ δίς Ν. Χαριζίου ἐδωσαν ἀμοιβαίαν ὑπόσχεσιν γάμου ἐν Ἀθήναις τήν 23 Δεκεμβρίου. Ἐπίσης ἡ δίς Μαρία Ἀναγνωστοπούλου καί ὁ κ. Γεώργιος Ἐξάρχου ἀντήλλαξαν δακτυλίους ἐν Πειραιεῖ ἐνώπιον συγγενῶν καί φίλων. Ὁ κ. Δημήτριος Παπαδόπουλος καί ἡ δίς Ἑλένη Κωνσταντίνου ἀρραβωνίσθησαν εἰς Θεσσαλονίκην. Συγχαρητήρια τοῖς νέοις καί εὐχαί διά τήν εὐτυχίαν αὐτῶν. Πληροφορίαι εἰς τά γραφεῖα τῆς ἐφημερίδος καθ' ἑκάστην. Ὁ κ. Τόνες Μ. Καρακατσάνης καί ἡ δίς Ν. Χαριζίου ἐδωσαν ἀμοιβαίαν ὑπόσχεσιν γάμου ἐν Ἀθήναις τήν 23 Δεκεμβρίου. Ἐπίσης ἡ δίς Μαρία Ἀναγνωστοπούλου καί ὁ κ. Γεώργιος Ἐξάρχου ἀντήλλαξαν δακτυλίους ἐν Πειραιεῖ ἐνώπιον συγγενῶν καί φίλων. Ὁ κ. Δημήτριος Παπαδόπουλος καί ἡ δίς Ἑλένη Κωνσταντίνου ἀρραβωνίσθησαν εἰς Θεσσαλονίκην. Συγχαρητήρια τοῖς νέοις καί εὐχαί διά τήν εὐτυχίαν αὐτῶν. Πληροφορίαι εἰς τά γραφεῖα τῆς ἐφημερίδος καθ' ἑκάστην.

24 ΙΑΠΩΝΕΣ ΑΛΙΕΙΣ ΕΞΗΦΑΝΙΣΘΗΣΑΝ ΑΦΟΥ ΕΞΕΠΕΜΨΑΝ ΤΟ ΣΗΜΑ ΚΙΝΔΥΝΟΥ

Ὁ κ. Τόνες Μ. Καρακατσάνης καί ἡ δίς Ν. Χαριζίου ἐδωσαν ἀμοιβαίαν ὑπόσχεσιν γάμου ἐν Ἀθήναις τήν 23 Δεκεμβρίου. Ἐπίσης ἡ δίς Μαρία Ἀναγνωστοπούλου καί ὁ κ. Γεώργιος Ἐξάρχου ἀντήλλαξαν δακτυλίους ἐν Πειραιεῖ ἐνώπιον συγγενῶν καί φίλων. Ὁ κ. Δημήτριος Παπαδόπουλος καί ἡ δίς Ἑλένη Κωνσταντίνου ἀρραβωνίσθησαν εἰς Θεσσαλονίκην. Συγχαρητήρια τοῖς νέοις καί εὐχαί διά τήν εὐτυχίαν αὐτῶν. Πληροφορίαι εἰς τά γραφεῖα τῆς ἐφημερίδος καθ' ἑκάστην. Ὁ κ. Τόνες Μ. Καρακατσάνης καί ἡ δίς Ν. Χαριζίου ἐδωσαν ἀμοιβαίαν ὑπόσχεσιν γάμου ἐν Ἀθήναις τήν 23 Δεκεμβρίου. Ἐπίσης ἡ δίς Μαρία Ἀναγνωστοπούλου καί ὁ κ. Γεώργιος Ἐξάρχου ἀντήλλαξαν δακτυλίους ἐν Πειραιεῖ ἐνώπιον συγγενῶν καί φίλων. Ὁ κ. Δημήτριος Παπαδόπουλος καί ἡ δίς Ἑλένη Κωνσταντίνου ἀρραβωνίσθησαν εἰς Θεσσαλονίκην. Συγχαρητήρια τοῖς νέοις καί εὐχαί διά τήν εὐτυχίαν αὐτῶν. Πληροφορίαι εἰς τά γραφεῖα τῆς ἐφημερίδος καθ' ἑκάστην.

Ὁ κ. Τόνες Μ. Καρακατσάνης καί ἡ δίς Ν. Χαριζίου ἐδωσαν ἀμοιβαίαν ὑπόσχεσιν γάμου ἐν Ἀθήναις τήν 23 Δεκεμβρίου. Ἐπίσης ἡ δίς Μαρία Ἀναγνωστοπούλου καί ὁ κ. Γεώργιος Ἐξάρχου ἀντήλλαξαν δακτυλίους ἐν Πειραιεῖ ἐνώπιον συγγενῶν καί φίλων. Ὁ κ. Δημήτριος Παπαδόπουλος καί ἡ δίς Ἑλένη Κωνσταντίνου ἀρραβωνίσθησαν εἰς Θεσσαλονίκην. Συγχαρητήρια τοῖς νέοις καί εὐχαί διά τήν εὐτυχίαν αὐτῶν. Πληροφορίαι εἰς τά γραφεῖα τῆς ἐφημερίδος καθ' ἑκάστην. Ὁ κ. Τόνες Μ. Καρακατσάνης καί ἡ δίς Ν. Χαριζίου ἐδωσαν ἀμοιβαίαν ὑπόσχεσιν γάμου ἐν Ἀθήναις τήν 23 Δεκεμβρίου. Ἐπίσης ἡ δίς Μαρία Ἀναγνωστοπούλου καί ὁ κ. Γεώργιος Ἐξάρχου ἀντήλλαξαν δακτυλίους ἐν Πειραιεῖ ἐνώπιον συγγενῶν καί φίλων. Ὁ κ. Δημήτριος Παπαδόπουλος καί ἡ δίς Ἑλένη Κωνσταντίνου ἀρραβωνίσθησαν εἰς Θεσσαλονίκην. Συγχαρητήρια τοῖς νέοις καί εὐχαί διά τήν εὐτυχίαν αὐτῶν. Πληροφορίαι εἰς τά γραφεῖα τῆς ἐφημερίδος καθ' ἑκάστην.

ΚΑΡΧΑΡΙΑΣ ΤΟΥ ΕΞΕΣΧΙΣΕ ΤΟΝ ΣΤΟΜΑΧΟΝ ΚΑΙ ΤΟΝ ΗΚΡΩΤΗΡΙΑΣΕΝ
Μία τραγωδία εἰς τήν θάλασσαν

Ὁ κ. Τόνες Μ. Καρακατσάνης καί ἡ δίς Ν. Χαριζίου ἐδωσαν ἀμοιβαίαν ὑπόσχεσιν γάμου ἐν Ἀθήναις τήν 23 Δεκεμβρίου. Ἐπίσης ἡ δίς Μαρία Ἀναγνωστοπούλου καί ὁ κ. Γεώργιος Ἐξάρχου ἀντήλλαξαν δακτυλίους ἐν Πειραιεῖ ἐνώπιον συγγενῶν καί φίλων. Ὁ κ. Δημήτριος Παπαδόπουλος καί ἡ δίς Ἑλένη Κωνσταντίνου ἀρραβωνίσθησαν εἰς Θεσσαλονίκην. Συγχαρητήρια τοῖς νέοις καί εὐχαί διά τήν εὐτυχίαν αὐτῶν. Πληροφορίαι εἰς τά γραφεῖα τῆς ἐφημερίδος καθ' ἑκάστην. Ὁ κ. Τόνες Μ. Καρακατσάνης καί ἡ δίς Ν. Χαριζίου ἐδωσαν ἀμοιβαίαν ὑπόσχεσιν γάμου ἐν Ἀθήναις τήν 23 Δεκεμβρίου. Ἐπίσης ἡ δίς Μαρία Ἀναγνωστοπούλου καί ὁ κ. Γεώργιος Ἐξάρχου ἀντήλλαξαν δακτυλίους ἐν Πειραιεῖ ἐνώπιον συγγενῶν καί φίλων. Ὁ κ. Δημήτριος Παπαδόπουλος καί ἡ δίς Ἑλένη Κωνσταντίνου ἀρραβωνίσθησαν εἰς Θεσσαλονίκην. Συγχαρητήρια τοῖς νέοις καί εὐχαί διά τήν εὐτυχίαν αὐτῶν. Πληροφορίαι εἰς τά γραφεῖα τῆς ἐφημερίδος καθ' ἑκάστην.

Ὁ κ. Τόνες Μ. Καρακατσάνης καί ἡ δίς Ν. Χαριζίου ἐδωσαν ἀμοιβαίαν ὑπόσχεσιν γάμου ἐν Ἀθήναις τήν 23 Δεκεμβρίου. Ἐπίσης ἡ δίς Μαρία Ἀναγνωστοπούλου καί ὁ κ. Γεώργιος Ἐξάρχου ἀντήλλαξαν δακτυλίους ἐν Πειραιεῖ ἐνώπιον συγγενῶν καί φίλων. Ὁ κ. Δημήτριος Παπαδόπουλος καί ἡ δίς Ἑλένη Κωνσταντίνου ἀρραβωνίσθησαν εἰς Θεσσαλονίκην. Συγχαρητήρια τοῖς νέοις καί εὐχαί διά τήν εὐτυχίαν αὐτῶν. Πληροφορίαι εἰς τά γραφεῖα τῆς ἐφημερίδος καθ' ἑκάστην. Ὁ κ. Τόνες Μ. Καρακατσάνης καί ἡ δίς Ν. Χαριζίου ἐδωσαν ἀμοιβαίαν ὑπόσχεσιν γάμου ἐν Ἀθήναις τήν 23 Δεκεμβρίου. Ἐπίσης ἡ δίς Μαρία Ἀναγνωστοπούλου καί ὁ κ. Γεώργιος Ἐξάρχου ἀντήλλαξαν δακτυλίους ἐν Πειραιεῖ ἐνώπιον συγγενῶν καί φίλων. Ὁ κ. Δημήτριος Παπαδόπουλος καί ἡ δίς Ἑλένη Κωνσταντίνου ἀρραβωνίσθησαν εἰς Θεσσαλονίκην. Συγχαρητήρια τοῖς νέοις καί εὐχαί διά τήν εὐτυχίαν αὐτῶν. Πληροφορίαι εἰς τά γραφεῖα τῆς ἐφημερίδος καθ' ἑκάστην.

ΚΑΤΕΚΡΗΜΝΙΣΘΗ ΜΕ ΦΟΡΤΙΟΝ ΔΥΝΑΜΙΤΙΔΟΣ ΕΞ ΥΨΟΥΣ 400 ΜΕΤΡΩΝ

Ὁ κ. Τόνες Μ. Καρακατσάνης καί ἡ δίς Ν. Χαριζίου ἐδωσαν ἀμοιβαίαν ὑπόσχεσιν γάμου ἐν Ἀθήναις τήν 23 Δεκεμβρίου. Ἐπίσης ἡ δίς Μαρία Ἀναγνωστοπούλου καί ὁ κ. Γεώργιος Ἐξάρχου ἀντήλλαξαν δακτυλίους ἐν Πειραιεῖ ἐνώπιον συγγενῶν καί φίλων. Ὁ κ. Δημήτριος Παπαδόπουλος καί ἡ δίς Ἑλένη Κωνσταντίνου ἀρραβωνίσθησαν εἰς Θεσσαλονίκην. Συγχαρητήρια τοῖς νέοις καί εὐχαί διά τήν εὐτυχίαν αὐτῶν. Πληροφορίαι εἰς τά γραφεῖα τῆς ἐφημερίδος καθ' ἑκάστην. Ὁ κ. Τόνες Μ. Καρακατσάνης καί ἡ δίς Ν. Χαριζίου ἐδωσαν ἀμοιβαίαν ὑπόσχεσιν γάμου ἐν Ἀθήναις τήν 23 Δεκεμβρίου. Ἐπίσης ἡ δίς Μαρία Ἀναγνωστοπούλου καί ὁ κ. Γεώργιος Ἐξάρχου ἀντήλλαξαν δακτυλίους ἐν Πειραιεῖ ἐνώπιον συγγενῶν καί φίλων. Ὁ κ. Δημήτριος Παπαδόπουλος καί ἡ δίς Ἑλένη Κωνσταντίνου ἀρραβωνίσθησαν εἰς Θεσσαλονίκην. Συγχαρητήρια τοῖς νέοις καί εὐχαί διά τήν εὐτυχίαν αὐτῶν. Πληροφορίαι εἰς τά γραφεῖα τῆς ἐφημερίδος καθ' ἑκάστην.

ΗΛΥΤΟΚΤΟΝΗΣΕ ΠΑΣΧΩΝ ΕΚ ΤΥΦΕΩΝ ΣΥΝΕΙΔΗΣΕΣ ΔΙ' ΑΚΟΥΣΙΩΝ ΦΟΝΟΥ

Ὁ κ. Τόνες Μ. Καρακατσάνης καί ἡ δίς Ν. Χαριζίου ἐδωσαν ἀμοιβαίαν ὑπόσχεσιν γάμου ἐν Ἀθήναις τήν 23 Δεκεμβρίου. Ἐπίσης ἡ δίς Μαρία Ἀναγνωστοπούλου καί ὁ κ. Γεώργιος Ἐξάρχου ἀντήλλαξαν δακτυλίους ἐν Πειραιεῖ ἐνώπιον συγγενῶν καί φίλων. Ὁ κ. Δημήτριος Παπαδόπουλος καί ἡ δίς Ἑλένη Κωνσταντίνου ἀρραβωνίσθησαν εἰς Θεσσαλονίκην. Συγχαρητήρια τοῖς νέοις καί εὐχαί διά τήν εὐτυχίαν αὐτῶν. Πληροφορίαι εἰς τά γραφεῖα τῆς ἐφημερίδος καθ' ἑκάστην. Ὁ κ. Τόνες Μ. Καρακατσάνης καί ἡ δίς Ν. Χαριζίου ἐδωσαν ἀμοιβαίαν ὑπόσχεσιν γάμου ἐν Ἀθήναις τήν 23 Δεκεμβρίου. Ἐπίσης ἡ δίς Μαρία Ἀναγνωστοπούλου καί ὁ κ. Γεώργιος Ἐξάρχου ἀντήλλαξαν δακτυλίους ἐν Πειραιεῖ ἐνώπιον συγγενῶν καί φίλων. Ὁ κ. Δημήτριος Παπαδόπουλος καί ἡ δίς Ἑλένη Κωνσταντίνου ἀρραβωνίσθησαν εἰς Θεσσαλονίκην. Συγχαρητήρια τοῖς νέοις καί εὐχαί διά τήν εὐτυχίαν αὐτῶν. Πληροφορίαι εἰς τά γραφεῖα τῆς ἐφημερίδος καθ' ἑκάστην.

ΠΑΡΑΜΕΝΕΙ ΕΝ ΑΔΡΑΝΕΙΑ ΤΟ ΜΕΤΑΛΛΕΙΟΝ ΚΙΡΚΗΣ ΤΟΥ ΝΟΜΟΥ ΕΒΡΟΥ

Ὁ κ. Τόνες Μ. Καρακατσάνης καί ἡ δίς Ν. Χαριζίου ἐδωσαν ἀμοιβαίαν ὑπόσχεσιν γάμου ἐν Ἀθήναις τήν 23 Δεκεμβρίου. Ἐπίσης ἡ δίς Μαρία Ἀναγνωστοπούλου καί ὁ κ. Γεώργιος Ἐξάρχου ἀντήλλαξαν δακτυλίους ἐν Πειραιεῖ ἐνώπιον συγγενῶν καί φίλων. Ὁ κ. Δημήτριος Παπαδόπουλος καί ἡ δίς Ἑλένη Κωνσταντίνου ἀρραβωνίσθησαν εἰς Θεσσαλονίκην. Συγχαρητήρια τοῖς νέοις καί εὐχαί διά τήν εὐτυχίαν αὐτῶν. Πληροφορίαι εἰς τά γραφεῖα τῆς ἐφημερίδος καθ' ἑκάστην. Ὁ κ. Τόνες Μ. Καρακατσάνης καί ἡ δίς Ν. Χαριζίου ἐδωσαν ἀμοιβαίαν ὑπόσχεσιν γάμου ἐν Ἀθήναις τήν 23 Δεκεμβρίου. Ἐπίσης ἡ δίς Μαρία Ἀναγνωστοπούλου καί ὁ κ. Γεώργιος Ἐξάρχου ἀντήλλαξαν δακτυλίους ἐν Πειραιεῖ ἐνώπιον συγγενῶν καί φίλων. Ὁ κ. Δημήτριος Παπαδόπουλος καί ἡ δίς Ἑλένη Κωνσταντίνου ἀρραβωνίσθησαν εἰς Θεσσαλονίκην. Συγχαρητήρια τοῖς νέοις καί εὐχαί διά τήν εὐτυχίαν αὐτῶν. Πληροφορίαι εἰς τά γραφεῖα τῆς ἐφημερίδος καθ' ἑκάστην.

ΠΟΣΟΝ ΕΣΤΟΙΧΙΣΕΝ Η ΠΡΩΤΟΧΡΟΝΙΑ ΕΙΣ ΤΑΣ ΗΝ. ΠΟΛΙΤΕΙΑΣ

Ὁ κ. Τόνες Μ. Καρακατσάνης καί ἡ δίς Ν. Χαριζίου ἐδωσαν ἀμοιβαίαν ὑπόσχεσιν γάμου ἐν Ἀθήναις τήν 23 Δεκεμβρίου. Ἐπίσης ἡ δίς Μαρία Ἀναγνωστοπούλου καί ὁ κ. Γεώργιος Ἐξάρχου ἀντήλλαξαν δακτυλίους ἐν Πειραιεῖ ἐνώπιον συγγενῶν καί φίλων. Ὁ κ. Δημήτριος Παπαδόπουλος καί ἡ δίς Ἑλένη Κωνσταντίνου ἀρραβωνίσθησαν εἰς Θεσσαλονίκην. Συγχαρητήρια τοῖς νέοις καί εὐχαί διά τήν εὐτυχίαν αὐτῶν. Πληροφορίαι εἰς τά γραφεῖα τῆς ἐφημερίδος καθ' ἑκάστην. Ὁ κ. Τόνες Μ. Καρακατσάνης καί ἡ δίς Ν. Χαριζίου ἐδωσαν ἀμοιβαίαν ὑπόσχεσιν γάμου ἐν Ἀθήναις τήν 23 Δεκεμβρίου. Ἐπίσης ἡ δίς Μαρία Ἀναγνωστοπούλου καί ὁ κ. Γεώργιος Ἐξάρχου ἀντήλλαξαν δακτυλίους ἐν Πειραιεῖ ἐνώπιον συγγενῶν καί φίλων. Ὁ κ. Δημήτριος Παπαδόπουλος καί ἡ δίς Ἑλένη Κωνσταντίνου ἀρραβωνίσθησαν εἰς Θεσσαλονίκην. Συγχαρητήρια τοῖς νέοις καί εὐχαί διά τήν εὐτυχίαν αὐτῶν. Πληροφορίαι εἰς τά γραφεῖα τῆς ἐφημερίδος καθ' ἑκάστην.

ΣΗΜΕΡΟΝ ΑΡΧΙΖΕΙ Η ΠΕΡΙΟΔΕΙΑ ΤΟΥ ΓΚΡΟΤΕΒΟΛ

Ὁ κ. Τόνες Μ. Καρακατσάνης καί ἡ δίς Ν. Χαριζίου ἐδωσαν ἀμοιβαίαν ὑπόσχεσιν γάμου ἐν Ἀθήναις τήν 23 Δεκεμβρίου. Ἐπίσης ἡ δίς Μαρία Ἀναγνωστοπούλου καί ὁ κ. Γεώργιος Ἐξάρχου ἀντήλλαξαν δακτυλίους ἐν Πειραιεῖ ἐνώπιον συγγενῶν καί φίλων. Ὁ κ. Δημήτριος Παπαδόπουλος καί ἡ δίς Ἑλένη Κωνσταντίνου ἀρραβωνίσθησαν εἰς Θεσσαλονίκην. Συγχαρητήρια τοῖς νέοις καί εὐχαί διά τήν εὐτυχίαν αὐτῶν. Πληροφορίαι εἰς τά γραφεῖα τῆς ἐφημερίδος καθ' ἑκάστην. Ὁ κ. Τόνες Μ. Καρακατσάνης καί ἡ δίς Ν. Χαριζίου ἐδωσαν ἀμοιβαίαν ὑπόσχεσιν γάμου ἐν Ἀθήναις τήν 23 Δεκεμβρίου. Ἐπίσης ἡ δίς Μαρία Ἀναγνωστοπούλου καί ὁ κ. Γεώργιος Ἐξάρχου ἀντήλλαξαν δακτυλίους ἐν Πειραιεῖ ἐνώπιον συγγενῶν καί φίλων. Ὁ κ. Δημήτριος Παπαδόπουλος καί ἡ δίς Ἑλένη Κωνσταντίνου ἀρραβωνίσθησαν εἰς Θεσσαλονίκην. Συγχαρητήρια τοῖς νέοις καί εὐχαί διά τήν εὐτυχίαν αὐτῶν. Πληροφορίαι εἰς τά γραφεῖα τῆς ἐφημερίδος καθ' ἑκάστην.

ΤΙ ΛΕΓΕΙ Ο . ΝΕΧΡΟΥ

Ὁ κ. Τόνες Μ. Καρακατσάνης καί ἡ δίς Ν. Χαριζίου ἐδωσαν ἀμοιβαίαν ὑπόσχεσιν γάμου ἐν Ἀθήναις τήν 23 Δεκεμβρίου. Ἐπίσης ἡ δίς Μαρία Ἀναγνωστοπούλου καί ὁ κ. Γεώργιος Ἐξάρχου ἀντήλλαξαν δακτυλίους ἐν Πειραιεῖ ἐνώπιον συγγενῶν καί φίλων. Ὁ κ. Δημήτριος Παπαδόπουλος καί ἡ δίς Ἑλένη Κωνσταντίνου ἀρραβωνίσθησαν εἰς Θεσσαλονίκην. Συγχαρητήρια τοῖς νέοις καί εὐχαί διά τήν εὐτυχίαν αὐτῶν. Πληροφορίαι εἰς τά γραφεῖα τῆς ἐφημερίδος καθ' ἑκάστην. Ὁ κ. Τόνες Μ. Καρακατσάνης καί ἡ δίς Ν. Χαριζίου ἐδωσαν ἀμοιβαίαν ὑπόσχεσιν γάμου ἐν Ἀθήναις τήν 23 Δεκεμβρίου. Ἐπίσης ἡ δίς Μαρία Ἀναγνωστοπούλου καί ὁ κ. Γεώργιος Ἐξάρχου ἀντήλλαξαν δακτυλίους ἐν Πειραιεῖ ἐνώπιον συγγενῶν καί φίλων. Ὁ κ. Δημήτριος Παπαδόπουλος καί ἡ δίς Ἑλένη Κωνσταντίνου ἀρραβωνίσθησαν εἰς Θεσσαλονίκην. Συγχαρητήρια τοῖς νέοις καί εὐχαί διά τήν εὐτυχίαν αὐτῶν. Πληροφορίαι εἰς τά γραφεῖα τῆς ἐφημερίδος καθ' ἑκάστην.

ΕΓΚΑΙΡΩΣ ΘΑ ΠΛΗΡΩΝΤΑΙ ΟΙ ΥΠΑΛΛΗΛΟΙ ΕΙΣ ΠΑΣΑΣ ΤΑΣ ΣΧΟΛΑΣ

Ὁ κ. Τόνες Μ. Καρακατσάνης καί ἡ δίς Ν. Χαριζίου ἐδωσαν ἀμοιβαίαν ὑπόσχεσιν γάμου ἐν Ἀθήναις τήν 23 Δεκεμβρίου. Ἐπίσης ἡ δίς Μαρία Ἀναγνωστοπούλου καί ὁ κ. Γεώργιος Ἐξάρχου ἀντήλλαξαν δακτυλίους ἐν Πειραιεῖ ἐνώπιον συγγενῶν καί φίλων. Ὁ κ. Δημήτριος Παπαδόπουλος καί ἡ δίς Ἑλένη Κωνσταντίνου ἀρραβωνίσθησαν εἰς Θεσσαλονίκην. Συγχαρητήρια τοῖς νέοις καί εὐχαί διά τήν εὐτυχίαν αὐτῶν. Πληροφορίαι εἰς τά γραφεῖα τῆς ἐφημερίδος καθ' ἑκάστην. Ὁ κ. Τόνες Μ. Καρακατσάνης καί ἡ δίς Ν. Χαριζίου ἐδωσαν ἀμοιβαίαν ὑπόσχεσιν γάμου ἐν Ἀθήναις τήν 23 Δεκεμβρίου. Ἐπίσης ἡ δίς Μαρία Ἀναγνωστοπούλου καί ὁ κ. Γεώργιος Ἐξάρχου ἀντήλλαξαν δακτυλίους ἐν Πειραιεῖ ἐνώπιον συγγενῶν καί φίλων. Ὁ κ. Δημήτριος Παπαδόπουλος καί ἡ δίς Ἑλένη Κωνσταντίνου ἀρραβωνίσθησαν εἰς Θεσσαλονίκην. Συγχαρητήρια τοῖς νέοις καί εὐχαί διά τήν εὐτυχίαν αὐτῶν. Πληροφορίαι εἰς τά γραφεῖα τῆς ἐφημερίδος καθ' ἑκάστην.

ΠΤΑΙΕΙ Ο ΝΕΚΡΟΣ ΔΙΑ ΤΟ ΔΥΣΤΥΧΗΜΑ ΤΟΥ ΠΕΤΡΟΒΟΥΝΙΟΥ

Ὁ κ. Τόνες Μ. Καρακατσάνης καί ἡ δίς Ν. Χαριζίου ἐδωσαν ἀμοιβαίαν ὑπόσχεσιν γάμου ἐν Ἀθήναις τήν 23 Δεκεμβρίου. Ἐπίσης ἡ δίς Μαρία Ἀναγνωστοπούλου καί ὁ κ. Γεώργιος Ἐξάρχου ἀντήλλαξαν δακτυλίους ἐν Πειραιεῖ ἐνώπιον συγγενῶν καί φίλων. Ὁ κ. Δημήτριος Παπαδόπουλος καί ἡ δίς Ἑλένη Κωνσταντίνου ἀρραβωνίσθησαν εἰς Θεσσαλονίκην. Συγχαρητήρια τοῖς νέοις καί εὐχαί διά τήν εὐτυχίαν αὐτῶν. Πληροφορίαι εἰς τά γραφεῖα τῆς ἐφημερίδος καθ' ἑκάστην. Ὁ κ. Τόνες Μ. Καρακατσάνης καί ἡ δίς Ν. Χαριζίου ἐδωσαν ἀμοιβαίαν ὑπόσχεσιν γάμου ἐν Ἀθήναις τήν 23 Δεκεμβρίου. Ἐπίσης ἡ δίς Μαρία Ἀναγνωστοπούλου καί ὁ κ. Γεώργιος Ἐξάρχου ἀντήλλαξαν δακτυλίους ἐν Πειραιεῖ ἐνώπιον συγγενῶν καί φίλων. Ὁ κ. Δημήτριος Παπαδόπουλος καί ἡ δίς Ἑλένη Κωνσταντίνου ἀρραβωνίσθησαν εἰς Θεσσαλονίκην. Συγχαρητήρια τοῖς νέοις καί εὐχαί διά τήν εὐτυχίαν αὐτῶν. Πληροφορίαι εἰς τά γραφεῖα τῆς ἐφημερίδος καθ' ἑκάστην.

ΤΟΥΡΚΟΣ ΑΛΦΡΕΠΙΒΑΤΗΣ ΕΞΕΒΑΛΗΝ ΕΙΣ ΑΚΤΗΝ ΤΗΣ ΝΗΣΟΥ ΧΙΟΥ

Ὁ κ. Τόνες Μ. Καρακατσάνης καί ἡ δίς Ν. Χαριζίου ἐδωσαν ἀμοιβαίαν ὑπόσχεσιν γάμου ἐν Ἀθήναις τήν 23 Δεκεμβρίου. Ἐπίσης ἡ δίς Μαρία Ἀναγνωστοπούλου καί ὁ κ. Γεώργιος Ἐξάρχου ἀντήλλαξαν δακτυλίους ἐν Πειραιεῖ ἐνώπιον συγγενῶν καί φίλων. Ὁ κ. Δημήτριος Παπαδόπουλος καί ἡ δίς Ἑλένη Κωνσταντίνου ἀρραβωνίσθησαν εἰς Θεσσαλονίκην. Συγχαρητήρια τοῖς νέοις καί εὐχαί διά τήν εὐτυχίαν αὐτῶν. Πληροφορίαι εἰς τά γραφεῖα τῆς ἐφημερίδος καθ' ἑκάστην. Ὁ κ. Τόνες Μ. Καρακατσάνης καί ἡ δίς Ν. Χαριζίου ἐδωσαν ἀμοιβαίαν ὑπόσχεσιν γάμου ἐν Ἀθήναις τήν 23 Δεκεμβρίου. Ἐπίσης ἡ δίς Μαρία Ἀναγνωστοπούλου καί ὁ κ. Γεώργιος Ἐξάρχου ἀντήλλαξαν δακτυλίους ἐν Πειραιεῖ ἐνώπιον συγγενῶν καί φίλων. Ὁ κ. Δημήτριος Παπαδόπουλος καί ἡ δίς Ἑλένη Κωνσταντίνου ἀρραβωνίσθησαν εἰς Θεσσαλονίκην. Συγχαρητήρια τοῖς νέοις καί εὐχαί διά τήν εὐτυχίαν αὐτῶν. Πληροφορίαι εἰς τά γραφεῖα τῆς ἐφημερίδος καθ' ἑκάστην.

ΟΙ ΟΦΕΙΣ ΕΠΕΤΕΘΗΣΑΝ ΚΑΤΑ ΤΩΝ ΠΥΡΟΣΒΕΣΤΩΝ

Ὁ κ. Τόνες Μ. Καρακατσάνης καί ἡ δίς Ν. Χαριζίου ἐδωσαν ἀμοιβαίαν ὑπόσχεσιν γάμου ἐν Ἀθήναις τήν 23 Δεκεμβρίου. Ἐπίσης ἡ δίς Μαρία Ἀναγνωστοπούλου καί ὁ κ. Γεώργιος Ἐξάρχου ἀντήλλαξαν δακτυλίους ἐν Πειραιεῖ ἐνώπιον συγγενῶν καί φίλων. Ὁ κ. Δημήτριος Παπαδόπουλος καί ἡ δίς Ἑλένη Κωνσταντίνου ἀρραβωνίσθησαν εἰς Θεσσαλονίκην. Συγχαρητήρια τοῖς νέοις καί εὐχαί διά τήν εὐτυχίαν αὐτῶν. Πληροφορίαι εἰς τά γραφεῖα τῆς ἐφημερίδος καθ' ἑκάστην. Ὁ κ. Τόνες Μ. Καρακατσάνης καί ἡ δίς Ν. Χαριζίου ἐδωσαν ἀμοιβαίαν ὑπόσχεσιν γάμου ἐν Ἀθήναις τήν 23 Δεκεμβρίου. Ἐπίσης ἡ δίς Μαρία Ἀναγνωστοπούλου καί ὁ κ. Γεώργιος Ἐξάρχου ἀντήλλαξαν δακτυλίους ἐν Πειραιεῖ ἐνώπιον συγγενῶν καί φίλων. Ὁ κ. Δημήτριος Παπαδόπουλος καί ἡ δίς Ἑλένη Κωνσταντίνου ἀρραβωνίσθησαν εἰς Θεσσαλονίκην. Συγχαρητήρια τοῖς νέοις καί εὐχαί διά τήν εὐτυχίαν αὐτῶν. Πληροφορίαι εἰς τά γραφεῖα τῆς ἐφημερίδος καθ' ἑκάστην.

ΕΦΟΝΕΥΣΕΝ ΕΞ ΑΜΕΛΕΙΑΣ ΟΜΟΧΩΡΙΟΝ ΤΟΥ

Ὁ κ. Τόνες Μ. Καρακατσάνης καί ἡ δίς Ν. Χαριζίου ἐδωσαν ἀμοιβαίαν ὑπόσχεσιν γάμου ἐν Ἀθήναις τήν 23 Δεκεμβρίου. Ἐπίσης ἡ δίς Μαρία Ἀναγνωστοπούλου καί ὁ κ. Γεώργιος Ἐξάρχου ἀντήλλαξαν δακτυλίους ἐν Πειραιεῖ ἐνώπιον συγγενῶν καί φίλων. Ὁ κ. Δημήτριος Παπαδόπουλος καί ἡ δίς Ἑλένη Κωνσταντίνου ἀρραβωνίσθησαν εἰς Θεσσαλονίκην. Συγχαρητήρια τοῖς νέοις καί εὐχαί διά τήν εὐτυχίαν αὐτῶν. Πληροφορίαι εἰς τά γραφεῖα τῆς ἐφημερίδος καθ' ἑκάστην. Ὁ κ. Τόνες Μ. Καρακατσάνης καί ἡ δίς Ν. Χαριζίου ἐδωσαν ἀμοιβαίαν ὑπόσχεσιν γάμου ἐν Ἀθήναις τήν 23 Δεκεμβρίου. Ἐπίσης ἡ δίς Μαρία Ἀναγνωστοπούλου καί ὁ κ. Γεώργιος Ἐξάρχου ἀντήλλαξαν δακτυλίους ἐν Πειραιεῖ ἐνώπιον συγγενῶν καί φίλων. Ὁ κ. Δημήτριος Παπαδόπουλος καί ἡ δίς Ἑλένη Κωνσταντίνου ἀρραβωνίσθησαν εἰς Θεσσαλονίκην. Συγχαρητήρια τοῖς νέοις καί εὐχαί διά τήν εὐτυχίαν αὐτῶν. Πληροφορίαι εἰς τά γραφεῖα τῆς ἐφημερίδος καθ' ἑκάστην.

ΚΡΙΣΙΝ ΔΙΕΡΧΕΤΑΙ Η ΕΛΛΗΝΙΚΗ ΞΥΛΕΙΑ

Ὁ κ. Τόνες Μ. Καρακατσάνης καί ἡ δίς Ν. Χαριζίου ἐδωσαν ἀμοιβαίαν ὑπόσχεσιν γάμου ἐν Ἀθήναις τήν 23 Δεκεμβρίου. Ἐπίσης ἡ δίς Μαρία Ἀναγνωστοπούλου καί ὁ κ. Γεώργιος Ἐξάρχου ἀντήλλαξαν δακτυλίους ἐν Πειραιεῖ ἐνώπιον συγγενῶν καί φίλων. Ὁ κ. Δημήτριος Παπαδόπουλος καί ἡ δίς Ἑλένη Κωνσταντίνου ἀρραβωνίσθησαν εἰς Θεσσαλονίκην. Συγχαρητήρια τοῖς νέοις καί εὐχαί διά τήν εὐτυχίαν αὐτῶν. Πληροφορίαι εἰς τά γραφεῖα τῆς ἐφημερίδος καθ' ἑκάστην. Ὁ κ. Τόνες Μ. Καρακατσάνης καί ἡ δίς Ν. Χαριζίου ἐδωσαν ἀμοιβαίαν ὑπόσχεσιν γάμου ἐν Ἀθήναις τήν 23 Δεκεμβρίου. Ἐπίσης ἡ δίς Μαρία Ἀναγνωστοπούλου καί ὁ κ. Γεώργιος Ἐξάρχου ἀντήλλαξαν δακτυλίους ἐν Πειραιεῖ ἐνώπιον συγγενῶν καί φίλων. Ὁ κ. Δημήτριος Παπαδόπουλος καί ἡ δίς Ἑλένη Κωνσταντίνου ἀρραβωνίσθησαν εἰς Θεσσαλονίκην. Συγχαρητήρια τοῖς νέοις καί εὐχαί διά τήν εὐτυχίαν αὐτῶν. Πληροφορίαι εἰς τά γραφεῖα τῆς ἐφημερίδος καθ' ἑκάστην.

Μετά τήν εἴσοδον τῆς «Ἀλόκας»
ΑΠΟ ΤΗΣ 4ΗΣ ΤΟΥ ΠΡΟΣΕΧΟΥΣ ΙΟΥΛΙΟΥ Η ΣΗΜΑΙΑ ΤΩΝ ΗΝΩΜΕΝΩΝ ΠΟΛΙΤΕΙΩΝ ΜΕ 49 ΑΣΤΕΡΑΣ ΕΙΣ 7 ΣΕΙΡΑΣ 7 ΣΤΗΛΩΝ
Τά ἀμερικανικά σύνορα ἀπέχουν 55 μίλια ἀπό τά σύνορα τῆς Ρωσσίας

Ὁ κ. Τόνες Μ. Καρακατσάνης καί ἡ δίς Ν. Χαριζίου ἐδωσαν ἀμοιβαίαν ὑπόσχεσιν γάμου ἐν Ἀθήναις τήν 23 Δεκεμβρίου. Ἐπίσης ἡ δίς Μαρία Ἀναγνωστοπούλου καί ὁ κ. Γεώργιος Ἐξάρχου ἀντήλλαξαν δακτυλίους ἐν Πειραιεῖ ἐνώπιον συγγενῶν καί φίλων. Ὁ κ. Δημήτριος Παπαδόπουλος καί ἡ δίς Ἑλένη Κωνσταντίνου ἀρραβωνίσθησαν εἰς Θεσσαλονίκην. Συγχαρητήρια τοῖς νέοις καί εὐχαί διά τήν εὐτυχίαν αὐτῶν. Πληροφορίαι εἰς τά γραφεῖα τῆς ἐφημερίδος καθ' ἑκάστην. Ὁ κ. Τόνες Μ. Καρακατσάνης καί ἡ δίς Ν. Χαριζίου ἐδωσαν ἀμοιβαίαν ὑπόσχεσιν γάμου ἐν Ἀθήναις τήν 23 Δεκεμβρίου. Ἐπίσης ἡ δίς Μαρία Ἀναγνωστοπούλου καί ὁ κ. Γεώργιος Ἐξάρχου ἀντήλλαξαν δακτυλίους ἐν Πειραιεῖ ἐνώπιον συγγενῶν καί φίλων. Ὁ κ. Δημήτριος Παπαδόπουλος καί ἡ δίς Ἑλένη Κωνσταντίνου ἀρραβωνίσθησαν εἰς Θεσσαλονίκην. Συγχαρητήρια τοῖς νέοις καί εὐχαί διά τήν εὐτυχίαν αὐτῶν. Πληροφορίαι εἰς τά γραφεῖα τῆς ἐφημερίδος καθ' ἑκάστην.

Ὁ κ. Τόνες Μ. Καρακατσάνης καί ἡ δίς Ν. Χαριζίου ἐδωσαν ἀμοιβαίαν ὑπόσχεσιν γάμου ἐν Ἀθήναις τήν 23 Δεκεμβρίου. Ἐπίσης ἡ δίς Μαρία Ἀναγνωστοπούλου καί ὁ κ. Γεώργιος Ἐξάρχου ἀντήλλαξαν δακτυλίους ἐν Πειραιεῖ ἐνώπιον συγγενῶν καί φίλων. Ὁ κ. Δημήτριος Παπαδόπουλος καί ἡ δίς Ἑλένη Κωνσταντίνου ἀρραβωνίσθησαν εἰς Θεσσαλονίκην. Συγχαρητήρια τοῖς νέοις καί εὐχαί διά τήν εὐτυχίαν αὐτῶν. Πληροφορίαι εἰς τά γραφεῖα τῆς ἐφημερίδος καθ' ἑκάστην. Ὁ κ. Τόνες Μ. Καρακατσάνης καί ἡ δίς Ν. Χαριζίου ἐδωσαν ἀμοιβαίαν ὑπόσχεσιν γάμου ἐν Ἀθήναις τήν 23 Δεκεμβρίου. Ἐπίσης ἡ δίς Μαρία Ἀναγνωστοπούλου καί ὁ κ. Γεώργιος Ἐξάρχου ἀντήλλαξαν δακτυλίους ἐν Πειραιεῖ ἐνώπιον συγγενῶν καί φίλων. Ὁ κ. Δημήτριος Παπαδόπουλος καί ἡ δίς Ἑλένη Κωνσταντίνου ἀρραβωνίσθησαν εἰς Θεσσαλονίκην. Συγχαρητήρια τοῖς νέοις καί εὐχαί διά τήν εὐτυχίαν αὐτῶν. Πληροφορίαι εἰς τά γραφεῖα τῆς ἐφημερίδος καθ' ἑκάστην.

ΤΟ ΕΠΙΣΗΜΟΝ ΟΡΓΑΝΟΝ ΤΟΥ ΚΚ ΚΙΝΑΣ ΑΠΟΚΑΛΕΙ ΤΟΝ ΠΡΟΕΔΡΟΝ ΤΙΤΟ ΛΑΚΕΝ ΤΟΥ ΑΜΕΡΙΚΑΝΙΚΟΥ ΙΜΠΕΡΙΑΛΙΣΜΟΥ
Βιαιοτάτη ἐπίθεσις τοῦ Πεκίνου κατά τῆς ἡγεσίας τῆς Γιουγκοσλαβίας

Ὁ κ. Τόνες Μ. Καρακατσάνης καί ἡ δίς Ν. Χαριζίου ἐδωσαν ἀμοιβαίαν ὑπόσχεσιν γάμου ἐν Ἀθήναις τήν 23 Δεκεμβρίου. Ἐπίσης ἡ δίς Μαρία Ἀναγνωστοπούλου καί ὁ κ. Γεώργιος Ἐξάρχου ἀντήλλαξαν δακτυλίους ἐν Πειραιεῖ ἐνώπιον συγγενῶν καί φίλων. Ὁ κ. Δημήτριος Παπαδόπουλος καί ἡ δίς Ἑλένη Κωνσταντίνου ἀρραβωνίσθησαν εἰς Θεσσαλονίκην. Συγχαρητήρια τοῖς νέοις καί εὐχαί διά τήν εὐτυχίαν αὐτῶν. Πληροφορίαι εἰς τά γραφεῖα τῆς ἐφημερίδος καθ' ἑκάστην. Ὁ κ. Τόνες Μ. Καρακατσάνης καί ἡ δίς Ν. Χαριζίου ἐδωσαν ἀμοιβαίαν ὑπόσχεσιν γάμου ἐν Ἀθήναις τήν 23 Δεκεμβρίου. Ἐπίσης ἡ δίς Μαρία Ἀναγνωστοπούλου καί ὁ κ. Γεώργιος Ἐξάρχου ἀντήλλαξαν δακτυλίους ἐν Πειραιεῖ ἐνώπιον συγγενῶν καί φίλων. Ὁ κ. Δημήτριος Παπαδόπουλος καί ἡ δίς Ἑλένη Κωνσταντίνου ἀρραβωνίσθησαν εἰς Θεσσαλονίκην. Συγχαρητήρια τοῖς νέοις καί εὐχαί διά τήν εὐτυχίαν αὐτῶν. Πληροφορίαι εἰς τά γραφεῖα τῆς ἐφημερίδος καθ' ἑκάστην.

Ὁ κ. Τόνες Μ. Καρακατσάνης καί ἡ δίς Ν. Χαριζίου ἐδωσαν ἀμοιβαίαν ὑπόσχεσιν γάμου ἐν Ἀθήναις τήν 23 Δεκεμβρίου. Ἐπίσης ἡ δίς Μαρία Ἀναγνωστοπούλου καί ὁ κ. Γεώργιος Ἐξάρχου ἀντήλλαξαν δακτυλίους ἐν Πειραιεῖ ἐνώπιον συγγενῶν καί φίλων. Ὁ κ. Δημήτριος Παπαδόπουλος καί ἡ δίς Ἑλένη Κωνσταντίνου ἀρραβωνίσθησαν εἰς Θεσσαλονίκην. Συγχαρητήρια τοῖς νέοις καί εὐχαί διά τήν εὐτυχίαν αὐτῶν. Πληροφορίαι εἰς τά γραφεῖα τῆς ἐφημερίδος καθ' ἑκάστην. Ὁ κ. Τόνες Μ. Καρακατσάνης καί ἡ δίς Ν. Χαριζίου ἐδωσαν ἀμοιβαίαν ὑπόσχεσιν γάμου ἐν Ἀθήναις τήν 23 Δεκεμβρίου. Ἐπίσης ἡ δίς Μαρία Ἀναγνωστοπούλου καί ὁ κ. Γεώργιος Ἐξάρχου ἀντήλλαξαν δακτυλίους ἐν Πειραιεῖ ἐνώπιον συγγενῶν καί φίλων. Ὁ κ. Δημήτριος Παπαδόπουλος καί ἡ δίς Ἑλένη Κωνσταντίνου ἀρραβωνίσθησαν εἰς Θεσσαλονίκην. Συγχαρητήρια τοῖς νέοις καί εὐχαί διά τήν εὐτυχίαν αὐτῶν. Πληροφορίαι εἰς τά γραφεῖα τῆς ἐφημερίδος καθ' ἑκάστην.

ΜΕΙΟΥΤΑΙ Η ΑΠΟΣΤΑΣΙΣ Η ΧΩΡΙΖΟΥΣΑ ΤΑΣ ΑΠΟΨΕΙΣ ΛΟΝΔΙΝΟΥ ΚΑΙ ΚΑΪΡΟΥ ΕΠΙ ΤΩΝ ΟΙΚΟΝΟΜΙΚΩΝ ΔΙΑΦΟΡΩΝ ΤΩΝ
Η ΜΕΣΟΛΑΒΗΣΙΣ ΤΟΥ ΤΡΑΠΕΖΙΤΟΥ ΜΠΛΑΚ

Ὁ κ. Τόνες Μ. Καρακατσάνης καί ἡ δίς Ν. Χαριζίου ἐδωσαν ἀμοιβαίαν ὑπόσχεσιν γάμου ἐν Ἀθήναις τήν 23 Δεκεμβρίου. Ἐπίσης ἡ δίς Μαρία Ἀναγνωστοπούλου καί ὁ κ. Γεώργιος Ἐξάρχου ἀντήλλαξαν δακτυλίους ἐν Πειραιεῖ ἐνώπιον συγγενῶν καί φίλων. Ὁ κ. Δημήτριος Παπαδόπουλος καί ἡ δίς Ἑλένη Κωνσταντίνου ἀρραβωνίσθησαν εἰς Θεσσαλονίκην. Συγχαρητήρια τοῖς νέοις καί εὐχαί διά τήν εὐτυχίαν αὐτῶν. Πληροφορίαι εἰς τά γραφεῖα τῆς ἐφημερίδος καθ' ἑκάστην. Ὁ κ. Τόνες Μ. Καρακατσάνης καί ἡ δίς Ν. Χαριζίου ἐδωσαν ἀμοιβαίαν ὑπόσχεσιν γάμου ἐν Ἀθήναις τήν 23 Δεκεμβρίου. Ἐπίσης ἡ δίς Μαρία Ἀναγνωστοπούλου καί ὁ κ. Γεώργιος Ἐξάρχου ἀντήλλαξαν δακτυλίους ἐν Πειραιεῖ ἐνώπιον συγγενῶν καί φίλων. Ὁ κ. Δημήτριος Παπαδόπουλος καί ἡ δίς Ἑλένη Κωνσταντίνου ἀρραβωνίσθησαν εἰς Θεσσαλονίκην. Συγχαρητήρια τοῖς νέοις καί εὐχαί διά τήν εὐτυχίαν αὐτῶν. Πληροφορίαι εἰς τά γραφεῖα τῆς ἐφημερίδος καθ' ἑκάστην.

Ὁ κ. Τόνες Μ. Καρακατσάνης καί ἡ δίς Ν. Χαριζίου ἐδωσαν ἀμοιβαίαν ὑπόσχεσιν γάμου ἐν Ἀθήναις τήν 23 Δεκεμβρίου. Ἐπίσης ἡ δίς Μαρία Ἀναγνωστοπούλου καί ὁ κ. Γεώργιος Ἐξάρχου ἀντήλλαξαν δακτυλίους ἐν Πειραιεῖ ἐνώπιον συγγενῶν καί φίλων. Ὁ κ. Δημήτριος Παπαδόπουλος καί ἡ δίς Ἑλένη Κωνσταντίνου ἀρραβωνίσθησαν εἰς Θεσσαλονίκην. Συγχαρητήρια τοῖς νέοις καί εὐχαί διά τήν εὐτυχίαν αὐτῶν. Πληροφορίαι εἰς τά γραφεῖα τῆς ἐφημερίδος καθ' ἑκάστην. Ὁ κ. Τόνες Μ. Καρακατσάνης καί ἡ δίς Ν. Χαριζίου ἐδωσαν ἀμοιβαίαν ὑπόσχεσιν γάμου ἐν Ἀθήναις τήν 23 Δεκεμβρίου. Ἐπίσης ἡ δίς Μαρία Ἀναγνωστοπούλου καί ὁ κ. Γεώργιος Ἐξάρχου ἀντήλλαξαν δακτυλίους ἐν Πειραιεῖ ἐνώπιον συγγενῶν καί φίλων. Ὁ κ. Δημήτριος Παπαδόπουλος καί ἡ δίς Ἑλένη Κωνσταντίνου ἀρραβωνίσθησαν εἰς Θεσσαλονίκην. Συγχαρητήρια τοῖς νέοις καί εὐχαί διά τήν εὐτυχίαν αὐτῶν. Πληροφορίαι εἰς τά γραφεῖα τῆς ἐφημερίδος καθ' ἑκάστην.

Ο κ. ΤΣΙΡΙΜΩΚΟΣ ΥΠΟΔΕΙΚΝΥΕΙ ΤΗΝ ΣΥΣΤΑΣΙΝ ΕΞΕΤΑΣΤΙΚΗΣ ΤΩΝ ΠΡΑΓΜΑΤΩΝ ΕΠΙΤΡΟΠΗΣ ΕΠΙ ΤΟΥ ΜΝΗΜΟΝΙΟΥ ΚΑΡΑΜΑΝΛΗ - ΠΙΠΙΝΕΛΗ

Ὁ κ. Τόνες Μ. Καρακατσάνης καί ἡ δίς Ν. Χαριζίου ἐδωσαν ἀμοιβαίαν ὑπόσχεσιν γάμου ἐν Ἀθήναις τήν 23 Δεκεμβρίου. Ἐπίσης ἡ δίς Μαρία Ἀναγνωστοπούλου καί ὁ κ. Γεώργιος Ἐξάρχου ἀντήλλαξαν δακτυλίους ἐν Πειραιεῖ ἐνώπιον συγγενῶν καί φίλων. Ὁ κ. Δημήτριος Παπαδόπουλος καί ἡ δίς Ἑλένη Κωνσταντίνου ἀρραβωνίσθησαν εἰς Θεσσαλονίκην. Συγχαρητήρια τοῖς νέοις καί εὐχαί διά τήν εὐτυχίαν αὐτῶν. Πληροφορίαι εἰς τά γραφεῖα τῆς ἐφημερίδος καθ' ἑκάστην. Ὁ κ. Τόνες Μ. Καρακατσάνης καί ἡ δίς Ν. Χαριζίου ἐδωσαν ἀμοιβαίαν ὑπόσχεσιν γάμου ἐν Ἀθήναις τήν 23 Δεκεμβρίου. Ἐπίσης ἡ δίς Μαρία Ἀναγνωστοπούλου καί ὁ κ. Γεώργιος Ἐξάρχου ἀντήλλαξαν δακτυλίους ἐν Πειραιεῖ ἐνώπιον συγγενῶν καί φίλων. Ὁ κ. Δημήτριος Παπαδόπουλος καί ἡ δίς Ἑλένη Κωνσταντίνου ἀρραβωνίσθησαν εἰς Θεσσαλονίκην. Συγχαρητήρια τοῖς νέοις καί εὐχαί διά τήν εὐτυχίαν αὐτῶν. Πληροφορίαι εἰς τά γραφεῖα τῆς ἐφημερίδος καθ' ἑκάστην.

Ὁ κ. Τόνες Μ. Καρακατσάνης καί ἡ δίς Ν. Χαριζίου ἐδωσαν ἀμοιβαίαν ὑπόσχεσιν γάμου ἐν Ἀθήναις τήν 23 Δεκεμβρίου. Ἐπίσης ἡ δίς Μαρία Ἀναγνωστοπούλου καί ὁ κ. Γεώργιος Ἐξάρχου ἀντήλλαξαν δακτυλίους ἐν Πειραιεῖ ἐνώπιον συγγενῶν καί φίλων. Ὁ κ. Δημήτριος Παπαδόπουλος καί ἡ δίς Ἑλένη Κωνσταντίνου ἀρραβωνίσθησαν εἰς Θεσσαλονίκην. Συγχαρητήρια τοῖς νέοις καί εὐχαί διά τήν εὐτυχίαν αὐτῶν. Πληροφορίαι εἰς τά γραφεῖα τῆς ἐφημερίδος καθ' ἑκάστην. Ὁ κ. Τόνες Μ. Καρακατσάνης καί ἡ δίς Ν. Χαριζίου ἐδωσαν ἀμοιβαίαν ὑπόσχεσιν γάμου ἐν Ἀθήναις τήν 23 Δεκεμβρίου. Ἐπίσης ἡ δίς Μαρία Ἀναγνωστοπούλου καί ὁ κ. Γεώργιος Ἐξάρχου ἀντήλλαξαν δακτυλίους ἐν Πειραιεῖ ἐνώπιον συγγενῶν καί φίλων. Ὁ κ. Δημήτριος Παπαδόπουλος καί ἡ δίς Ἑλένη Κωνσταντίνου ἀρραβωνίσθησαν εἰς Θεσσαλονίκην. Συγχαρητήρια τοῖς νέοις καί εὐχαί διά τήν εὐτυχίαν αὐτῶν. Πληροφορίαι εἰς τά γραφεῖα τῆς ἐφημερίδος καθ' ἑκάστην.

ΑΠΟΣΤΟΛΗ ΤΗΣ ΠΡΟΣΩΡΙΝΗΣ ΑΛΓΕΡΙΝΗΣ ΚΥΒΕΡΝΗΣΕΩΣ ΜΕΤΑΒΑΙΝΕΙ ΕΙΣ Σ. ΡΩΣΣΙΑΝ
ΠΡΟΣΕΚΛΗΘΗ ΕΠΙΣΗΜΩΣ ΥΠΟ ΤΗΣ ΜΟΣΧΑΣ

Ὁ κ. Τόνες Μ. Καρακατσάνης καί ἡ δίς Ν. Χαριζίου ἐδωσαν ἀμοιβαίαν ὑπόσχεσιν γάμου ἐν Ἀθήναις τήν 23 Δεκεμβρίου. Ἐπίσης ἡ δίς Μαρία Ἀναγνωστοπούλου καί ὁ κ. Γεώργιος Ἐξάρχου ἀντήλλαξαν δακτυλίους ἐν Πειραιεῖ ἐνώπιον συγγενῶν καί φίλων. Ὁ κ. Δημήτριος Παπαδόπουλος καί ἡ δίς Ἑλένη Κωνσταντίνου ἀρραβωνίσθησαν εἰς Θεσσαλονίκην. Συγχαρητήρια τοῖς νέοις καί εὐχαί διά τήν εὐτυχίαν αὐτῶν. Πληροφορίαι εἰς τά γραφεῖα τῆς ἐφημερίδος καθ' ἑκάστην. Ὁ κ. Τόνες Μ. Καρακατσάνης καί ἡ δίς Ν. Χαριζίου ἐδωσαν ἀμοιβαίαν ὑπόσχεσιν γάμου ἐν Ἀθήναις τήν 23 Δεκεμβρίου. Ἐπίσης ἡ δίς Μαρία Ἀναγνωστοπούλου καί ὁ κ. Γεώργιος Ἐξάρχου ἀντήλλαξαν δακτυλίους ἐν Πειραιεῖ ἐνώπιον συγγενῶν καί φίλων. Ὁ κ. Δημήτριος Παπαδόπουλος καί ἡ δίς Ἑλένη Κωνσταντίνου ἀρραβωνίσθησαν εἰς Θεσσαλονίκην. Συγχαρητήρια τοῖς νέοις καί εὐχαί διά τήν εὐτυχίαν αὐτῶν. Πληροφορίαι εἰς τά γραφεῖα τῆς ἐφημερίδος καθ' ἑκάστην.

Ὁ κ. Τόνες Μ. Καρακατσάνης καί ἡ δίς Ν. Χαριζίου ἐδωσαν ἀμοιβαίαν ὑπόσχεσιν γάμου ἐν Ἀθήναις τήν 23 Δεκεμβρίου. Ἐπίσης ἡ δίς Μαρία Ἀναγνωστοπούλου καί ὁ κ. Γεώργιος Ἐξάρχου ἀντήλλαξαν δακτυλίους ἐν Πειραιεῖ ἐνώπιον συγγενῶν καί φίλων. Ὁ κ. Δημήτριος Παπαδόπουλος καί ἡ δίς Ἑλένη Κωνσταντίνου ἀρραβωνίσθησαν εἰς Θεσσαλονίκην. Συγχαρητήρια τοῖς νέοις καί εὐχαί διά τήν εὐτυχίαν αὐτῶν. Πληροφορίαι εἰς τά γραφεῖα τῆς ἐφημερίδος καθ' ἑκάστην. Ὁ κ. Τόνες Μ. Καρακατσάνης καί ἡ δίς Ν. Χαριζίου ἐδωσαν ἀμοιβαίαν ὑπόσχεσιν γάμου ἐν Ἀθήναις τήν 23 Δεκεμβρίου. Ἐπίσης ἡ δίς Μαρία Ἀναγνωστοπούλου καί ὁ κ. Γεώργιος Ἐξάρχου ἀντήλλαξαν δακτυλίους ἐν Πειραιεῖ ἐνώπιον συγγενῶν καί φίλων. Ὁ κ. Δημήτριος Παπαδόπουλος καί ἡ δίς Ἑλένη Κωνσταντίνου ἀρραβωνίσθησαν εἰς Θεσσαλονίκην. Συγχαρητήρια τοῖς νέοις καί εὐχαί διά τήν εὐτυχίαν αὐτῶν. Πληροφορίαι εἰς τά γραφεῖα τῆς ἐφημερίδος καθ' ἑκάστην.

Ο ΡΑΔΙΟΦΩΝΙΚΟΣ ΣΤΑΘΜΟΣ ΤΗΣ ΜΟΣΧΑΣ ΠΕΡΙ ΤΗΣ ΕΟΡΤΗΣ ΤΩΝ ΧΡΙΣΤΟΥΓΕΝΝΩΝ

Ὁ κ. Τόνες Μ. Καρακατσάνης καί ἡ δίς Ν. Χαριζίου ἐδωσαν ἀμοιβαίαν ὑπόσχεσιν γάμου ἐν Ἀθήναις τήν 23 Δεκεμβρίου. Ἐπίσης ἡ δίς Μαρία Ἀναγνωστοπούλου καί ὁ κ. Γεώργιος Ἐξάρχου ἀντήλλαξαν δακτυλίους ἐν Πειραιεῖ ἐνώπιον συγγενῶν καί φίλων. Ὁ κ. Δημήτριος Παπαδόπουλος καί ἡ δίς Ἑλένη Κωνσταντίνου ἀρραβωνίσθησαν εἰς Θεσσαλονίκην. Συγχαρητήρια τοῖς νέοις καί εὐχαί διά τήν εὐτυχίαν αὐτῶν. Πληροφορίαι εἰς τά γραφεῖα τῆς ἐφημερίδος καθ' ἑκάστην. Ὁ κ. Τόνες Μ. Καρακατσάνης καί ἡ δίς Ν. Χαριζίου ἐδωσαν ἀμοιβαίαν ὑπόσχεσιν γάμου ἐν Ἀθήναις τήν 23 Δεκεμβρίου. Ἐπίσης ἡ δίς Μαρία Ἀναγνωστοπούλου καί ὁ κ. Γεώργιος Ἐξάρχου ἀντήλλαξαν δακτυλίους ἐν Πειραιεῖ ἐνώπιον συγγενῶν καί φίλων. Ὁ κ. Δημήτριος Παπαδόπουλος καί ἡ δίς Ἑλένη Κωνσταντίνου ἀρραβωνίσθησαν εἰς Θεσσαλονίκην. Συγχαρητήρια τοῖς νέοις καί εὐχαί διά τήν εὐτυχίαν αὐτῶν. Πληροφορίαι εἰς τά γραφεῖα τῆς ἐφημερίδος καθ' ἑκάστην.

Ὁ κ. Τόνες Μ. Καρακατσάνης καί ἡ δίς Ν. Χαριζίου ἐδωσαν ἀμοιβαίαν ὑπόσχεσιν γάμου ἐν Ἀθήναις τήν 23 Δεκεμβρίου. Ἐπίσης ἡ δίς Μαρία Ἀναγνωστοπούλου καί ὁ κ. Γεώργιος Ἐξάρχου ἀντήλλαξαν δακτυλίους ἐν Πειραιεῖ ἐνώπιον συγγενῶν καί φίλων. Ὁ κ. Δημήτριος Παπαδόπουλος καί ἡ δίς Ἑλένη Κωνσταντίνου ἀρραβωνίσθησαν εἰς Θεσσαλονίκην. Συγχαρητήρια τοῖς νέοις καί εὐχαί διά τήν εὐτυχίαν αὐτῶν. Πληροφορίαι εἰς τά γραφεῖα τῆς ἐφημερίδος καθ' ἑκάστην. Ὁ κ. Τόνες Μ. Καρακατσάνης καί ἡ δίς Ν. Χαριζίου ἐδωσαν ἀμοιβαίαν ὑπόσχεσιν γάμου ἐν Ἀθήναις τήν 23 Δεκεμβρίου. Ἐπίσης ἡ δίς Μαρία Ἀναγνωστοπούλου καί ὁ κ. Γεώργιος Ἐξάρχου ἀντήλλαξαν δακτυλίους ἐν Πειραιεῖ ἐνώπιον συγγενῶν καί φίλων. Ὁ κ. Δημήτριος Παπαδόπουλος καί ἡ δίς Ἑλένη Κωνσταντίνου ἀρραβωνίσθησαν εἰς Θεσσαλονίκην. Συγχαρητήρια τοῖς νέοις καί εὐχαί διά τήν εὐτυχίαν αὐτῶν. Πληροφορίαι εἰς τά γραφεῖα τῆς ἐφημερίδος καθ' ἑκάστην.

Η ΗΜΕΡΑ ΤΟΥ ΧΑΜΜΕΡΣΚΕΛΝΤ ΕΙΣ ΑΜΜΑΝ

Ὁ κ. Τόνες Μ. Καρακατσάνης καί ἡ δίς Ν. Χαριζίου ἐδωσαν ἀμοιβαίαν ὑπόσχεσιν γάμου ἐν Ἀθήναις τήν 23 Δεκεμβρίου. Ἐπίσης ἡ δίς Μαρία Ἀναγνωστοπούλου καί ὁ κ. Γεώργιος Ἐξάρχου ἀντήλλαξαν δακτυλίους ἐν Πειραιεῖ ἐνώπιον συγγενῶν καί φίλων. Ὁ κ. Δημήτριος Παπαδόπουλος καί ἡ δίς Ἑλένη Κωνσταντίνου ἀρραβωνίσθησαν εἰς Θεσσαλονίκην. Συγχαρητήρια τοῖς νέοις καί εὐχαί διά τήν εὐτυχίαν αὐτῶν. Πληροφορίαι εἰς τά γραφεῖα τῆς ἐφημερίδος καθ' ἑκάστην. Ὁ κ. Τόνες Μ. Καρακατσάνης καί ἡ δίς Ν. Χαριζίου ἐδωσαν ἀμοιβαίαν ὑπόσχεσιν γάμου ἐν Ἀθήναις τήν 23 Δεκεμβρίου. Ἐπίσης ἡ δίς Μαρία Ἀναγνωστοπούλου καί ὁ κ. Γεώργιος Ἐξάρχου ἀντήλλαξαν δακτυλίους ἐν Πειραιεῖ ἐνώπιον συγγενῶν καί φίλων. Ὁ κ. Δημήτριος Παπαδόπουλος καί ἡ δίς Ἑλένη Κωνσταντίνου ἀρραβωνίσθησαν εἰς Θεσσαλονίκην. Συγχαρητήρια τοῖς νέοις καί εὐχαί διά τήν εὐτυχίαν αὐτῶν. Πληροφορίαι εἰς τά γραφεῖα τῆς ἐφημερίδος καθ' ἑκάστην.

Ὁ κ. Τόνες Μ. Καρακατσάνης καί ἡ δίς Ν. Χαριζίου ἐδωσαν ἀμοιβαίαν ὑπόσχεσιν γάμου ἐν Ἀθήναις τήν 23 Δεκεμβρίου. Ἐπίσης ἡ δίς Μαρία Ἀναγνωστοπούλου καί ὁ κ. Γεώργιος Ἐξάρχου ἀντήλλαξαν δακτυλίους ἐν Πειραιεῖ ἐνώπιον συγγενῶν καί φίλων. Ὁ κ. Δημήτριος Παπαδόπουλος καί ἡ δίς Ἑλένη Κωνσταντίνου ἀρραβωνίσθησαν εἰς Θεσσαλονίκην. Συγχαρητήρια τοῖς νέοις καί εὐχαί διά τήν εὐτυχίαν αὐτῶν. Πληροφορίαι εἰς τά γραφεῖα τῆς ἐφημερίδος καθ' ἑκάστην. Ὁ κ. Τόνες Μ. Καρακατσάνης καί ἡ δίς Ν. Χαριζίου ἐδωσαν ἀμοιβαίαν ὑπόσχεσιν γάμου ἐν Ἀθήναις τήν 23 Δεκεμβρίου. Ἐπίσης ἡ δίς Μαρία Ἀναγνωστοπούλου καί ὁ κ. Γεώργιος Ἐξάρχου ἀντήλλαξαν δακτυλίους ἐν Πειραιεῖ ἐνώπιον συγγενῶν καί φίλων. Ὁ κ. Δημήτριος Παπαδόπουλος καί ἡ δίς Ἑλένη Κωνσταντίνου ἀρραβωνίσθησαν εἰς Θεσσαλονίκην. Συγχαρητήρια τοῖς νέοις καί εὐχαί διά τήν εὐτυχίαν αὐτῶν. Πληροφορίαι εἰς τά γραφεῖα τῆς ἐφημερίδος καθ' ἑκάστην.

Η ΙΝΔΟΝΗΣΙΑ ΑΠΕΔΕΧΘΗ ΠΡΟΣΦΟΡΑΝ ΒΟΗΘΕΙΑΣ τῆς Σοβιετικῆς Ρωσσίας
πρός κατασκευήν ὁδῶν
ΧΑΛΥΒΟΥΡΓΕΙΩΝ ΚΑΘΩΣ ΚΑΙ ΑΛΛΩΝ ΕΡΓΟΣΤΑΣΙΩΝ

Ὁ κ. Τόνες Μ. Καρακατσάνης καί ἡ δίς Ν. Χαριζίου ἐδωσαν ἀμοιβαίαν ὑπόσχεσιν γάμου ἐν Ἀθήναις τήν 23 Δεκεμβρίου. Ἐπίσης ἡ δίς Μαρία Ἀναγνωστοπούλου καί ὁ κ. Γεώργιος Ἐξάρχου ἀντήλλαξαν δακτυλίους ἐν Πειραιεῖ ἐνώπιον συγγενῶν καί φίλων. Ὁ κ. Δημήτριος Παπαδόπουλος καί ἡ δίς Ἑλένη Κωνσταντίνου ἀρραβωνίσθησαν εἰς Θεσσαλονίκην. Συγχαρητήρια τοῖς νέοις καί εὐχαί διά τήν εὐτυχίαν αὐτῶν. Πληροφορίαι εἰς τά γραφεῖα τῆς ἐφημερίδος καθ' ἑκάστην. Ὁ κ. Τόνες Μ. Καρακατσάνης καί ἡ δίς Ν. Χαριζίου ἐδωσαν ἀμοιβαίαν ὑπόσχεσιν γάμου ἐν Ἀθήναις τήν 23 Δεκεμβρίου. Ἐπίσης ἡ δίς Μαρία Ἀναγνωστοπούλου καί ὁ κ. Γεώργιος Ἐξάρχου ἀντήλλαξαν δακτυλίους ἐν Πειραιεῖ ἐνώπιον συγγενῶν καί φίλων. Ὁ κ. Δημήτριος Παπαδόπουλος καί ἡ δίς Ἑλένη Κωνσταντίνου ἀρραβωνίσθησαν εἰς Θεσσαλονίκην. Συγχαρητήρια τοῖς νέοις καί εὐχαί διά τήν εὐτυχίαν αὐτῶν. Πληροφορίαι εἰς τά γραφεῖα τῆς ἐφημερίδος καθ' ἑκάστην.

Ὁ κ. Τόνες Μ. Καρακατσάνης καί ἡ δίς Ν. Χαριζίου ἐδωσαν ἀμοιβαίαν ὑπόσχεσιν γάμου ἐν Ἀθήναις τήν 23 Δεκεμβρίου. Ἐπίσης ἡ δίς Μαρία Ἀναγνωστοπούλου καί ὁ κ. Γεώργιος Ἐξάρχου ἀντήλλαξαν δακτυλίους ἐν Πειραιεῖ ἐνώπιον συγγενῶν καί φίλων. Ὁ κ. Δημήτριος Παπαδόπουλος καί ἡ δίς Ἑλένη Κωνσταντίνου ἀρραβωνίσθησαν εἰς Θεσσαλονίκην. Συγχαρητήρια τοῖς νέοις καί εὐχαί διά τήν εὐτυχίαν αὐτῶν. Πληροφορίαι εἰς τά γραφεῖα τῆς ἐφημερίδος καθ' ἑκάστην. Ὁ κ. Τόνες Μ. Καρακατσάνης καί ἡ δίς Ν. Χαριζίου ἐδωσαν ἀμοιβαίαν ὑπόσχεσιν γάμου ἐν Ἀθήναις τήν 23 Δεκεμβρίου. Ἐπίσης ἡ δίς Μαρία Ἀναγνωστοπούλου καί ὁ κ. Γεώργιος Ἐξάρχου ἀντήλλαξαν δακτυλίους ἐν Πειραιεῖ ἐνώπιον συγγενῶν καί φίλων. Ὁ κ. Δημήτριος Παπαδόπουλος καί ἡ δίς Ἑλένη Κωνσταντίνου ἀρραβωνίσθησαν εἰς Θεσσαλονίκην. Συγχαρητήρια τοῖς νέοις καί εὐχαί διά τήν εὐτυχίαν αὐτῶν. Πληροφορίαι εἰς τά γραφεῖα τῆς ἐφημερίδος καθ' ἑκάστην.
